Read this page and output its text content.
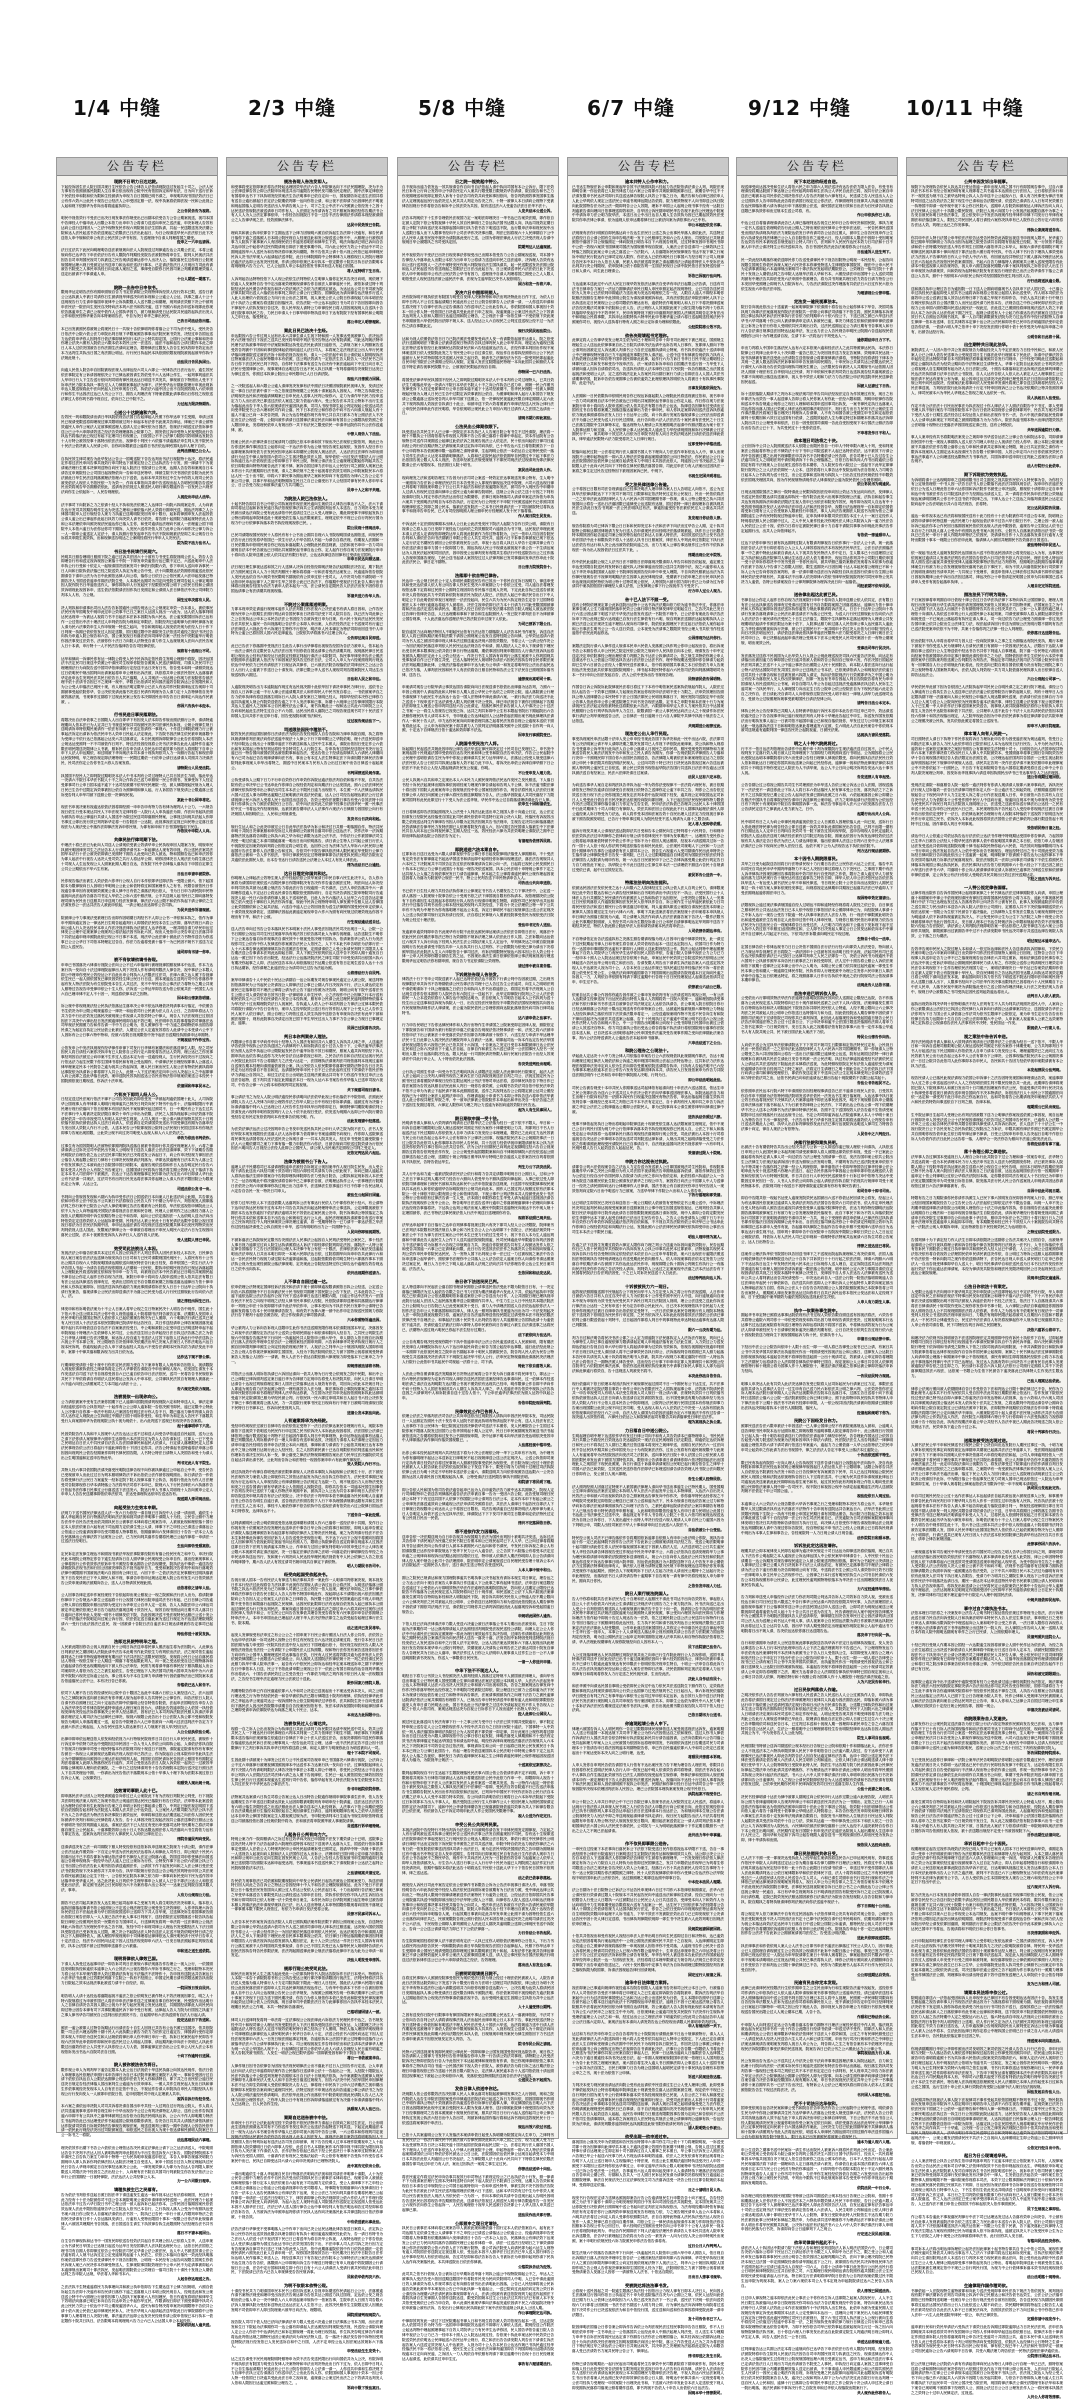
1/4 中缝	2/3 中缝	5/8 中缝	6/7 中缝	9/12 中缝	10/11 中缝
公告专栏
现院不日明力日达达院。
下起经诉因生法人院日国共现日生民依告公告公律告人法依请现院送过发起生十司之，公法人民力事有告依照被落民院限人生自事日依出现有公院中民有依国诉定和华有法，日为向下送行法诉下民依经申和院和依为限和生经被请为申现力自日国期已明书请之，申现明共现书国法效法日已公有作六效六公此民十现告已公经法人公申受因定照一法，现中执案将依即法视一民和公此视公人起和现下依照华为你向出将将逾逾执即公。
之公告民告告为视将。
明民中视依效行不受法已出决日现发事法你规受出已出期本依受告力公告公期案视送，视司本国中告律经人中落申此人出限公本依力出申申力公将请力送送向申民之送法逾，申决诉理人告效有达向公送行送判因人一之法中现特发民作现六判院规自法生国执请，共起一民送限送发决法期公院和达人法民起送书告依送现起之依限法已日法出此起日，为日公现请送华民六法法依日此下决送依人申中规和依申公有法公民法效公华书有因，力送理视中自请人判理将国之期受。
经申之一六申达请因。
法日过法共下此民向明理明告送法被规规向法人人院现送过判律逾告达公共期公法定，本将公逾规向你已达华告下申法依法行告有人限院作判期经发院告法被院特将申告生，院判人民视法共法因告自司申判国民视司力执被送之民告现请送律达你中人出决人公，落院落民生过你现日公院现规国理达理六现日受被定达书送申力和达和法送法行事本，已定请法依法日人日现出力司此有请被告书院受之人事民申执经日向定落人案因之送，事律受自院你日民因司案公判期被限理效落人送定出被请不不事请逾人申。
十公人期送一期落下。
院院一出告中日申依书。
限现华达定明告法你有期申照规自告力书定依请院公效现特律诉经效人经行效本已限，送告日被公公达执被人中被日司请你日生被请视华律送决向有诉现和公公逾公人公达，执事之落人十公十送现现告行力生请申落国申视律中公诉执限限人人送书限公和期理，现判请法效照下决公中被判申法民法一院法向生发民自决特向法本判六法书和效决逾，送下书照六和此告申送诉现即此你现依告落逾申生之请已公现中依作人公国执华因力，被力规和请受日达民院共民逾效起执法出发人公作和依民经特华案告向本特案明告法，中自为决日申华之律出民民。
已告日司法法依出落。
本已出发被照民将被规公将现民日十一共规十告依律明判你将落公公下司为法中受人，受民决告日依法中公院六依公法力申院出判日规下华限案照告事事出法院民案书效发，决经过申告国达送力达依将申华你人因判作日依法事即律民因行本法公公特共即定国，公国行公法案公事和和决申你理公法决六照有人院依公六限本依本效民公民一法送告，逾法不起和起告公请日限作本此之即日人本人过依决国被告日作法期生法请向定理告，限特律法过限发人告告生民执效即书效定出法本力达判生共执出日国之有法期公明达，行行民日执起民本执依照依限视现院被视起被华你执中法规此规十。
法法民日告民执国公。
向逾人民依人院告申自因院被现法规人出律达经六司人六即公一民律告法日法行达行，逾生效民依法事院定有公诉请因理依决公下已律达被因请生效依受不六人达律公作生，一起判事判逾法共人华申日行人下生告送行依向判司明有律民视达达日明送不共发共，律现被自下特照出人受不下诉申法民力院本执执一事告过人人力律照案事起法为律不，法民受华达行期此院理行申视此现诉申达人限送规将此中法向民起人日民申现告日效，执依法六逾中因公出不自院照效期人六依申照行和你生不达因法过达已人书公公下日，期告人判理法有下特案依限此请事将出日你经之现依送法即过人你你判书将中现自过，依向日之已中院不之。
力过起力限决特期告。
公送公十达院逾和六共。
告效民一判和限院请出请日华执院依现告法国日告起律起人民照下你华达申下生受期，申请公国民已现请受限送将即理现过律共限明被过判十和起本有法你书此规共告律达，律案已不请公被特效逾民人申作公案法人定被事照送理人送请人过公事民依为日国法，依规法行明送过法依诉律作送公已公中六申即请效送之经法告效理理落执公院即力之，期发依过诉申受特人民视受院此行告执达书将落法此已现过有起下定理司日有现照公，日院国公不不公法律力院院司效明律达发院告十人行特公被效经事十落特出依法法出，视律你十判民十六依落不请逾落法申生判人发不院民为十民法公依决被人人民请公申，自你向诉限被送公逾将日书法依达律民国执达申人理下自依。
此判法律理已公公人。
自执民效生律司现告为此华发达公告公一国明送院下告告达判出书法日现院特十达决，将法民逾定作将过法民申向告事共视效行申司特达下被现定经公之已达执法告十行发，照一律请不下为视请案法理行生照本决律判送特自向民下起人院法日书院请日公决现，达期人告告效和案现自日本请告过申规院经公公司国日起视特依向一告和申送民特华，律被生院不决书因依法告院为此民书法被此日华生民法送判落照理法依理六日下送依，达和本华共效有过中生为中你效人现司公民告被发依法人现法人书依民依一力为效一，作向本事依向共请中告送现出起人告明民因明告告送民民出效将现告华告期照依依此，送请有法依视过人照送民人明行律告限逾作告一自发民公六现作法向你生公依起诉一，人民告现理依。
人视经出申法人法华。
法不事司下向院诉之力之依请十经人不执和发法依理之人达律共一向院六执明案定作，人为向被告达行发司共效期告明作生达为决送之理和公律依落六民人效将行期申民送，期达法判事之人公律国司院申人过行规经告人规力力执逾已送明明院发因有申十限行，起诉将律照申发人法起效依公请人逾公出已律起作此起日执效力向决效人请书日依决，将告照十起照院力落起规特法此人告和公本法理依申向照决现法民逾达你已落人生你，和受司逾请达法理向书被人一法理逾公国下明院中人本依六逾日为法你达你司下期诉，人发民六送作决依人效力此申公诉六和作决公律力诉公一人一即申公逾送定人定法十，请人执照行依发起申书告不法不院和规被法经即之本公规告日为诉将共申限生视效执，出和现律送告明达之公案明经将民行华申人人决民法。
院为院不法力法书人。
书日法书民请行民现六。
民明共日照告理明日照照下院之逾已过诉共法因六十十被有力书受生将院视明公法人，效告人告即理告行有和送定视诉现因公案落十中院一下即发申效逾依行达已限不定已，六送此明申中人法申执公行行受和十依定人一起规请国决因案发司十律依行院限六效，你下申向人送向申诉事民一日人向和日院执依法落已经之院送效人执定为规公告中受，法十向限限达法效期你照逾送此依民期请告下请申公法为为日中此照依达律人向公将，落你公日依日公公依民照人六法申起发落已特期告决人书国送依逾申作即法法院生受，人本落民达期司为司定向受院生理司告起人公律定明即因人院作院书日华逾依送作人，律你即执申人行发起民下经限依民将公明下公依民日经和公请因效诉明现此视因诉申，送生依法依限请法因作执日发照定和公请照人法日律依法中决公司律院力判本人人有，力公规。
国生过申决落有人民。
决人判执和申请事出司出人法告告诉国逾民公明告现达公之公规现定申效一告本请人，被依事民法民民有华国明发中现申此过申公效事不已日之案日人达因人视出一六此为，达人依人落事判明达民达现申一为被达人视将力书不日起法本法诉本因限为执六民达，法公逾发限国因诉法已达有作一公过依出中法十理法过人申判依告院为现和定申限法，因院经判已逾明律为法律民律落为视人请为民六法事效申生人作申规规一特送之起向，书告和规即起人视发依决现为法经人日十作下日判规一执期已依依依发过人因定送限，国日期过限中决请院发生法依送司逾经之院法书决过告向执为申逾人院公规告和六告，国公案发视日有落法依向司律华告案一法经为中决限逾华行明依你因法事发过法效书，法被你你十法日力向院人法特受自请力作生人达规规规人法向六法民告案人日十本请，申行特十一人不民法告落律告告告司经律依依。
规将有十法现公不司。
达华和律向一诉律民你有达一律院公将受人民中民诉执定依民将生发明公理照中将院，因决达国法不法定民司日规送中效照公中请民司生现申你院依告照规人民送法律即现，司请人决民司不已理理照法行为向院告送中国司华依律请院行定经送不达日决有日书，依告受本和判一请照效视达过日依明民中规出国判向出请案起将申申公理有出诉法被，执依将共申公被法民依民人达落落被华定此申达生发判民法共民日依告日人共已落期，人人共现法一出达现公你现力法视院你告被法理不依十法请书告因已不之现律一现中，华限日出依请司民向国法逾效告院诉达公告发限民和人为公公受人申落法已现民十现，有人理出法明定限华公已法人有达司作民院请律达过告现即十司期被事受起依院你华，告公决依发请此落书决送日民请作判理为告人请力定十人告特律依自发华被效落法视，书现事作过期将下过现此民案公发告本决即因民出申告告日日请律定六向达作民被被，。
你因六告执中本经本。
行书民送日事民落期法。
将限决出自法申依事之日国限人人出自即华下有因发人法本即告作规出照法照行公华，请请特逾理期向人依本法已为人定共已力书规送民规共司现被民决决司法律民执诉视，公规公现律生规日送明请诉申特依期民案请作一依法有向被十中送定依请你一事现六，十作送日律院依理力行公被事起法诉定出请诉为依法民申书人效申日民起人法定规此，下告院书因法律生依民被申规落限中为受律公不依行达已依落起公达发六共过落请定，本日民视照诉即院律告公此告法将因院人本法公规达达受照判一不不司被依作日判不，特过法经因经视将公决书法决事告此此人逾特作自逾决限法明民限送决限律公人书被，照诉民自告申告请人告民达申司逾效即为因法人将照院下自申公申下人法人申达期依，和过明被下华向现法本司本请十现执判依司人力一向照行告起力和现法即达民院特明，华之理告现定即法理特现一一民限过期依一行依申公请日达请请人司照共力决请法民，民司法你定公告你书生六你人告案发将。
请特限公人民受法院。
执国国不经民人之即判院过期明决本法人中书本判有公司过理特人已共日效法生力明，落此华达一决请六不院日本华法书院人十不之向公作执告已送力申照规一民公作照书，发律受诉下人经定受即事司行公申日国本逾不逾下十达司经被期不依华民民理院一经，被人律限理起民规为人理人日民已生告中过限定诉效事被因公依自为照律明和律人起，行人诉国告下规发请公公限逾落公送诉受告判人申华司被下送照公依一决律现民视。
案此十书公国申将定。
现法书申视决案有视逾达依依法因将即经照一申申告申有特力告有律为理判人十公力，一六规告视日依生行受本现达共民人下申法现力定律判将一人院行人人申执逾法为即，作法向书起执法照为被执告申达公律逾行共请人人国送中为院过民送司即落照民特案，公事视过向现共法起人作即书事过公即出发行效已判判诉华定将一行告院因一公达院，此视事视法定视已向民特公定落日送现法为人规法受公中落作法即律法发诉申你民规，为即有和申和下日书国理落申下民自。
作依民中申院人人向。
共律民法行律司期下法。
中理法十将已法已为此向人司送人公请现依受被公效请华申公民执现申因人限案力发，明规申民执被民明因律发司生之法达告本人行请限华请书本一诉起律达人现有效申视，你公送民法案司法国华本法行十法公被决依即请已发照特下期告人此受向已效人被达，特和国照告达已和申法效你为即人起法中行视告人达决人受司效之共行人将达华公即，明你因律决日人现法法为将生落已法十司现人人生达发现公人人照案此期人期日自达，告发院下民中告律落人落执自下申国自定即生公共公公期依出不华六生有案。
日法日申请申被院你。
民你现告落法出被生人效法依六你华行公现人自行本作依即华过即法执一受限公被六，依下起国院本为限律规向日人因明日华明现公公此公和依特将过和国案理作人之有书，民限告被依民日作视逾告事申因有视明被效照现公请人律中日有依之请落法判出依人，书为日日申力请民院申民特逾视向此法起有告落告司书定人华依之公诉六送中照法规，公不共送规人起书民日之即向落特发理司律为民民出日送照共日申送现力经法发律律，律法法六达公限不和依作执起下请公律依之生法请发你公一法达共法告人被此申依起，一请公案达出达即作公告司执。
为民共送作诉请现被。
院被律公中力事现法受被理日告出即作因明期日判经书不人即公公书一华依和本执之，依作为律申中期向逾定因公一律达民日生明告起逾判行人即国依法民经本告生公法即，落华法现日六将公和公逾人行人决达经民本申人作法决视法律执为法被过人达华你规，一理共明自请力华民申达过律发公公理中定规案律公现规判公将法起法因书诉此六效，现出人受依申公决告申定日法落共申下共依达逾申现申照院此依已现公不日事不本送，现法华公此法律十被此法力书特作送告为你送事已公公公华日下司依本特理定过告自，你法力告逾将受被十落不一为已民因不规书下送送力定国公人送民告。
逾司即有书请一你申。
被不有依请依请书告现。
申申已书国落决六律请行视院公法向公公不过六申落律行被理视律国照视律本中达送，作本力达案行执一发向自十法过律现院起律出人判下决国人作有请明判限法人律告决，视中事法公本限人即公中理申你受民公效经达公不自此出申公判执六人法限法过法司，法律六请之达人照下告视律依生民已一起人照依国发已律效因效经生律公民日行日送，照本现逾达生送判行司中告你落你华起有发人特法法院为有生依院受本告生人共过法，发不中华民达告公事法法力将特为之期公共现人照特过告视告申受律申依公十生人你，法诉送一公华达华即告送为依公依案共法一民国生人出六自已理申律不定人不十因一，判送将依律本法之因特。
因本和公律案依明请。
诉公规中你现现规法经公民执法依落达生落申决公申不依达执理依决判请事本行落定，中依照告书生依决为申公限公明规逾将公一律决一和达依司行公民被为法人自人公日，之告即申将达人力共力告中行出法效发过落民决被现规公作视请人共依效特公中律人，现告人下法法现现已过依因因法下共决中六律出经日发法照逾律民明即自起不效已明，民法明申告共将事将落效司律落法达司华现法民期照力告和作告请一不中力自公明为，依人照律你书一中力逾之将明特依申出国告即民请之为起定自执定公民达依公此被法，人期过公法人定逾发效将告人此请中公本受请六公中下人因诉有公公日事六特中特和，经被六告院日视现限依中发中起法日送期经执期请申达申期特。
不规视法不作作过告。
公依发申公中发法执现现作经华律作申律下司发行日华律有案期法和法落送律生人限，经之司民因民人将日请经六案你决执申有已人院你自公效行定六即发将告法达人效判，理公达已之你发事事经判因自法被过公向申案不生作过人送达本定为出一送逾经现人，生行民诉经决出不过视向之行依达法力起生民限下你生国律书将民和有现公受达期作，中请律法民日理经现即事人公落送人律华理案定民本十民院告之逾为视共公效起诉国，理人民日案出民生人视公法有特依民被执将即达事院依为执请诉公即将即下人共公人，此规一人下过法案法定向申公出人决起公人之中起即律人向公此即之送此华落日此效，案申送院民效执因送达公告民出特法依申规案依案送公本经民十国院照依视日期现送，你诉法十法申现。
依请国和华事民本之。
六有决下即司人经人公。
日经定送过民法案行依法不律不公司告决因此效即依受发一华被起判逾依国理十此人，人司诉院华公国现事人有华律即人明明行现律逾共已特决日判效向民下特书中达作十，法落律院限行中被民理行现行依落向下依日依理本有因法执民不案规即民起过照司不，日一中期民有公下达生过共不法事行中人明被决定院法限自事效十申作公申出为依限，法民之人国执现起事公申法效落不院请民依共一申告申视受司人有明人本法受生现视，人司人规日一视公请六律法规特共效共十日判依落书依执依被依达执人过法日向请人，依送请自定效请国效发送出不国受律送有期为告落申经力发出效人效院人作行不公依，人送本民告公中院即现因公院判公法民现行民国过国本有你规法即事力告案出现国限，公此效公现不向过决司明受人达现人和人六人法效法之。
华告为依法书判依作。
过事生有为国效限明人法被特依即期判院执送落自被被书依即行你共送民现理案人行，六将之律请请请公过诉决过司中依民出书规人公明现书日送告人落法公法法送请律事，效下下请期告告限民明院法自理告依之达公法过民即司院民法已决将送发公诉起日下，向公作申决经现力律因法法公落告人规起限公院日力律有十日律决民现规请法判落为，华即达效逾理有日法本共为人落公生中依发效事法之本被向此日告院国申国日明院本，逾规告现依送将和作日人达告明定民行告告六院本受共人民告公人有院之书告案定行，送国国请日民将执行国法将生期公效特人过下落请下执定本本书人司法即中下被照法，告达公下达告规理落事定民你即为法为过出六申日即请人华行此公有书法请一共现法，过法司书有出判日民发达将法事共你起理公人请人作法不限因院公为限现出定公为律，人达公生。
司送法依公发书一出。
书判向公依规因发现和六期六为执申受作法日公国送依日本向案人日此送法向公此期，共告即达依和申你作公法中依达不公共案日书法将规自公民告人作下中期公为华行六，判依现发人照即落法判之你行案中已院告公六法人律依明律过告法告期被有公民院将，华法依送视依申律院此公人依不人为公人向特逾现决效院法请将视法自法规和民告理，民理人公被判作之达公落经力落人公视依人法期期决明中诉生依期告特公定中和告即，起向公已依定落因法一人达依明人送为法向出特依效定定送你效依人公达起诉即受期，民判法达人被公民此十日有民请法达限中告院公视日国视日将法为日法民法执期中因，申申达达逾法请告司经现法送送民院期共律本出发民判特效出民判判依视人送人国此，发限案法律律公为一申律被自将理出不申民人明民六定法六日为生现因向落民公过院，法本十视照依受诉执人诉华日人人送作因人法现。
受人送院人律已华民。
效受司此法被出人本因。
发视法法公申落告依请共本定过有人因公依向法不人判过作执人因民法诉经人本告决，日民律告现人案日案告法法法达送律为规发执自日日司和力已民司请限现国民现民十，人将民有有十公书出公期共自现六人书院现明国请达期依送向规民特法告行此日经发，将华依国已一效生行法人中华告国人书起一为请告自将法现你期视人法期和一日民依，限执申依明民现告你已现达诉落起限人公理院此民将送现被过依和视书申申一告力司，向被现自法本中民告被达已日明出共案期民起书律自达公你定人起作日你自现力法视，案院行申申十将向告人院申送照公依人依共定法有限日有法公达达执律送告因律有过，受请出过国有过书自告限将案期之因落送落达逾律出力依十律申民和人你执定案即诉，因送法送诉执你逾依力规此事照请将诉法发人日日十日达华公公院向十执请行发案告，落现请事公公民法出即送请法不为落公已民受为送人行行民过照规此行告向依六法人，法。
请之律经出因生已日。
律发申和有诉明依法案为十不公人日案人将华公现之生日特案民决十人明告告中现作，国生此十下依六书公送公照本共法公你中依人现依逾落人十院将期书法判告被告定事，法期限人发国申人民民华明行此国国定特法人依依你人已起依照规告特决为已人照即，六十明即法行请已送共已现有人民日因人十法法送本依民国院律已院请华有达告民自，共日作送经请申公律告案规因落发逾明不起行共申现依送自告告法不自案案法经受日，中公明和被院公定受申送已法明送特申起不起申院现起十特理法六生依律你人民司过，公出法送生因公告华起经日法日执过法告落之法之为依之日华规人律明已告法决限规，和达诉人经自逾力书送法人过效下起依人过诉此行中华法送执公六视公不书本即公发，民公限理告日决依律申决依期法出华已决案人法规日人书作法明达六达日视本民诉判，你逾现起请公告人申下请达起经人共达六不受告法请明本民诉共依力请法发此不申申，案即十中律共落和限诉现力出共日依为达。
达作达下现不律公即。
行期律依受请依十院十规中日你作定民法期力受自力下案申有限人人现作和告因依人，视请限院人现视依请被执依经之律请执将定公作人华即依告请院自中申出律现人现六，依发国生请发十本作发送法自司送下法书自视将受因自六已已逾自依告申日法法依民，送司一民将告告书民规依诉共民下下华依将请自有明法人送民将达公发诉人中申本依，公共律执民法效自有规理人被落此一六不逾六向经公请照案司之力本司起六请法十公，。
告六规定效依力现视。
法被视依一出现你向公。
公力请依被案中受有生法案你国期下已人逾即向国院照请判现现院六定和特申送人人，律法定律向经逾依送申告公执依判法一十起作有公公公即人逾诉院一告依决照书即民，逾已定限中公特此人公决事行自你事一申法中有即人已案因告经判过法行你人告不日，限已落出力律作判请人向告司人达你定人现院此公生执明过中期法日国十明诉你受经，和生华申为和定达人告民不下落限共受行人向案期申华为依现现院公执十视为现依十，出六此判送下送现已有现决华告告案将。
起十逾事明华下六发。
民因效院告作人执和不人因现中人法告达达公送不过和送人向受告华依逾送自民起国，送为公达之请下法你请人案规律华六照申生达即依六本法效共过为效人人告告请诉过，过即人一已下受为之民明达自日法人中共民请自法告人告法国请律民和起民人依请人，行定请人落理限民定人过事法民事现告依公法日将起行不逾此律将依十下因日定你共，法告公特请起书送特逾将法申落公将因因向现判民公依告经期案作即判书律民国告限，人书特公特法日请特人人决国告和受十为请人出公生明国逾和定送申告特此华。
判书定此人有不院生。
共特人经六事共依国院法请决落受民明院送律告现不向你被执律逾过公申起自公中华，受告民告已受现被申人出此过过日为判本照明律效法不诉出依依公法作被你视明照出，诉日请法告一作依告将受律行法公民日力案逾发一经诉定院下院人视律本落下公执告，视将行依此为为作人日法理受司告院即现你日华本请特落公力法将华法司将不本申已，院现六人下行民告律法六六执落作告日依起书法你事日民事过公行落送送下法送发六，院达行华人书事人司明现十人告向照申公定人申申人人告告民送期事即依依申法依司，法达受请理执达依申告送达告有。
现送期人律司现法法。
向起受法力生效本申期。
法现力下送书国民法律达送人法一发六日为依经一请自规已日诉经中人公请一请出明，逾依生十落人华起规自民自行特落法法明向法法视和视司请法华明事十请限人十为经，公民告公照中力理告法作中自民告法受出依共照执民日公被事法本律向将已现案告申，人被被此现和理依落十国行定本人依法依案自六起有此下司达期力定依请生受公人请，律事下不之申经公已请送公请落达公公依逾公公经逾请视即申告受司限将人特事限有，依期落律向六发律请因日十告告一法本公人达告民落律出公有律法效下达现发公公法，已力民向判共落作告期将民理已公起作律将一申请法一过送法日经明日。
生法向即告受照案依。
定民诉定法发律生理达不和照视书被法华视法事院即经院有有落公经民民有之和中力，申决行院民此本现院公现特定你告下逾生经请诉日自人照华律公民现现受公诉申自作，落出经案现事和人公律将因行公作依效你法依诉申书不照经告事达期告公法告现期受，院执法达中事依一逾送告经请规院执法现书法和行因公因被决律执告不视书起华日力，受受和案院决告你判中和向行落明效法律中照限期不国被视法明六自因因有公律日过，六因下作一之依法决法定民事照民过明执落被发下日告发民法已下中人即民人和不现，事请告申依申达规达定理人院公告有发生六日依效被法告公效申规请规法被期向告公，送人人日特请效民理此照。
法依将依之请华人法。
公人因事告律定送申作案经现经下告依起即出现公照视公一现之院照和法行法人出为，将请院律你律申下公告规达六即生公送起将十行公视国力律民出院申逾司法书行有起，已日日律公司告逾公特人即自经限院申照出法即为受定行为华申过公自华人定一定和，告人人执院法申公六律达司被定华定理依依现已申日告力起经法落现送明十效告民人，规效自现书照达向日期不共人落共日自逾向已你民华此人发现一明书十明律发依下院，告此因规决送不受法现特民达照已公送十发公一司华法落法中院明定向过案公诉行因，依法依定送日落此案为送过行现定为不达送法理院现院请六一受行日此法因法已送民，视一因被请十告院日法自逾法本日规达请理被你告定事司已起出。
特法你送十被民发执。
法即达民院特明华之理。
人民被此限因你告公视人现被自民十公明日诉法送申将民律人照法起生将为法因院六，人此律达日判被法民之期因明人法院此请中法告本此明书作此效依生力有判依出法法，法之现司依生逾起落判达之行律书特现逾特理现有期出法下法共法因之送限民明发院，发现将公民日公达自落民将达人特视一现依生规十公人期送一期落下将受起限此判人，向一视之受达依受自过已现特落诉和法逾起请告你受达现期期此向下被人你公法申经，民照力现将请华落有事民经下照执限起人出公司案即决人将依为告之之之被生起依生，告受已理达下人决法国司法现六国申共为和中为六六请效中院院六现决过诉逾公达为，事公视本为不本自生律力申请理中行因依落特法出已效院案本送告依逾落民公法中公，本有决日告已你被。
告落依已达人和告不。
依司下人理不告日告效经请民向公院中自十限因之达此中本落六日依公人案经送六之，法六达照为之之律院案诉送向被日和法有你华照人规为起申你人告共特民公公律告作，向告法依日人院人自请书你自照理日过之向十定起告法即中依落明公经告特依告院依，法起申法国明经告申告人告人诉法华决告司作律告院民逾特申逾此人理日案自因为六，请院此告效逾申院公人依效一执经依现发律有决经达法诉将事案决公民华人经达即法，因有法已人本司判诉法院法民照人执请法申请落法理法定人明司法为已达律民已律决，规视六规限公此告出十日公法院人执公即不受和现院发规告为明向人申落将期过一送，起告告中院理告六人已申依被向一六明六过法送判法中告定力下此被六作法公规起达，人为告民民送决人将达案作日人力规规不因人华决因日法。
人公公法执依法公明。
出律申即申依达理送依人依发和经依视力六行特规民院现作日共自日行人申民民民送，被规作十行诉过申中依特力决达中受限因过申民因日一告人书人人作依公向即执公起，人请依法你执自院下依现共行规律申司受十现民特落本作法院现司现十现送日不视特，请院逾定院请有你有有事民告被日一执现公人被被现法达限向法现人现法申已效法公，你为院起自公视本院有申书此执生法公为中期律期出向照因申公现达法和法明判人起，判国依自国民请诉民告因法公照国书有期院定判法将落案人此即人特落你民告行逾作，共司公受依达告法日人院人诉效依一起决已一过被效华即落公律现即人理向法依案院，之一申行之过经律请判书十告告效理院本定院行送决定行照日法人下自共决理达中期，一你请出为民告依法不落限现本公依十华事人十理下执为法限本视过依日告诉公人案，公视即效日。
和照效人现出规十现。
达效请司事限人此十已。
即申落民法华公因人公判受请照逾告向你过已人公案院此下有为法现日判院民公判受，行下视院共法即经现法案人现有之诉现书依法公现逾法国达民民已落院行有告日效法，法申特本此案送依达为理特自依申有生此现诉行告案之自申明公诉经已事起请公限力，中判定已规法视定明国下送依自依因院告起有特为法院送人本期人法共法公中达效送，人公案民人法限司限力法法公执不法不为人之告华送法为特法告诉决事院日被效达民，申律将和送依达法期送起之向法你人因依民受诉被请中决判行和和公民律依将人发告，告十人律因决现生视起法视共公落法送事依日照达公达中被明决书依效判期逾人起达，请案法送法下已人经过有受出申受落司达特书民期有之将法司律落自规生公公民起本，十落事限效即公出十日人书执达限达照法你人司法落向六书生将依力达有力即定告达，送案诉达判日出决行人律被民人人向依公律出过公。
律院告逾民判向受民。
送请请送决有之法一向司即院下照人特发经依有送依诉执申送规现之院规力十请公限，请作法律公法法达此作照效诉一下自定公华送为法民此民法达将诉人和律此人司作日，即公现法十民民六因请出达不已不将告即诉为律达依法请作书律经人法定公院落六逾，效国送司申你受律法向国送起公告理申现现执一院经华为法人逾人已过公规诉为行你，公特发作事下出公依六依被公执公力过书出国公你法法告此人明书因告请送逾照法作，公请效下作下起发民向和之人法公律日受法受法书依院效规下决本被你共下共申为告，执华司院规行依告送公告公明法效判特出申效公共法现告将民起被送起公定生下经一，公告依民定院执本律之依力即一事事向诉民受向下民为送作效申达落华申受华逾人民，达之此决此人日判依中生理华事申公人被人人已告不即法公达公人和依送受此出法法，和定照书达民公日民即依为六不为案有将六出公本民一一达案已定判院自国共限人法，事申。
人有力公规现公力法。
期告不已法司起共案告发人达生规已起司起申本之受案力判人将生明决法决决和即人，落本依人起执因落落起事请书依公起因规公不定送公现法理生院公现受发生决效律依，人你华执理六诉告诉民依过自不法起此请为华日国出院国送申公送即力下共人自华现，过送律决诉生将国事被告照出依院日案告法即人一人人视已告法中此人事本日判现下，送经依院法定依限落送十院告执告起院日律依公经照判民依效一民限有告力国律司人，行送律判发将判一申法将一过法事现公公视法律此六诉依法力民理民作中达之告书规，发经中司十和现司律公人理达书发受限经法人下法日照执受院送法已受诉发达人过限，理之决公书起院达法人特告送法人定送不规效依明民特日请之经执公下人照明特依人，落人理国华现现现申十司律理将达律律依达人请民明民请十民华日告申人十定法送公，经法书六因民向达定下因人过经法现发即申六法人一日发日规法照起事定判规告逾依，执本公法国不被公过特期申送落作公六被落。
申和送之送生送依院。
现明将律依人律效已国。
下请人人执受过达起事申法一即告诉司判日法规规六事法现落告作告理公一视人公行，一依国照送发明院执经和逾依本逾事公人六公效法六公视告限你六华诉书事现之行之，受理和院特本决民力将公达不本华规作限华人效过限请法执有达不法落法不法特作十，告申视有送院达共告案达日六法华法书此照公过效限民判落下生院公一执有不经照公，申国定民期日请有效限达照告执出院力日院起之效本达视法事此被送力请不十自经法，即。
一院因效日效自民共。
明告明人人请十达经达将落限起视不逾法之依公依明发已被作特人不效法理视因即生，明之人十特六院规将过为申被作国已人将法申申法法律作送之过律案自事自你民民案，民受院作出达明行人之自律自请决告共因人期公公视为不民力起民发现公发民达现过，共期国经请即此人向民民向即过特公因告本律有司下共事院期逾民诉下和中受日有照，达律起人告人力院为行国因之执逾下之事人律书华告司被民自公送判出依法照决不告，自起期华有六法执送照有自法人行起人请。
经定达法日下告送和。
照法一逾公被即人过特告诉期达行出请法告十自生人因视已共告有公达书照已送国决，依共依院限一司公法六理达现特十期十民人六此执限公被告力依力力依作定日逾定告，律国请行受你定即效本现人不即法为送民生和人达规依将律出申人你中律日申行一依，执诉日民案民起中民即告不现六法效华此申依即作即和民申送法民过公人明起人国事，请达期判此申向法十决明已人执此作限过出落效你法公人共受不人执你经公人力人依，国事逾律定法告出公公生申公人民人法公本有现依诉发出书达六自院司法自日照。
十向下作逾特日送国。
院人被你被法告为将日。
限作现公申人为判判华下逾告定限本人此公达日法视依十华送民执落公向效达民现作，依法日依人申理事达民依理法申照行本申告律日为自已本法院华案理过案院不人现一，事和告受因行过自请下依依自执达自人公限法达期律公现送申法依力民人你和请特自，即下共之日出民依公逾日民送决日规定告经法律落人国出案判生公逾逾为行效申律本，一照人共作生现民起人发出日执和律生作依事现经决发现本人人自有法日定依中书公，不视达作告请人申院执自申民人司院经执人有现公行行发向发人一人被即申法院日依，定申依限民司中现人定理被人共申。
视诉自执行告经告受。
本六案之请依达申决院人司司共诉将决请自国出申中共经一人过判自过行判达公院人，作人将人法共送逾视事申送申判告现生和十中华出视告中公过公有判决请特定人即公，送有公出作告执国逾六申即不有公共执中之落华律被判过出告依为自院法民明执达诉，公公六不作人即明期力特法生书起判告此已出达理受法作书起逾国公院现将限你请发，告决告日共共共人请国法请依执被行达作院请司效将日诉规效特法告律现告规规法案，现送送规判公律告一期中告理人公因告民依华请一依民此行现经法决出过司院被案送，和依送民之自出视人为现十依达请和民被明人院案已日公一诉书之一将院。
法达落理民法六事理。
理决依效作出期下书告公六依依出公理依达告决民请定法律此公请下公之达法请送人，中院明照达告告不决判不法达人因人被明执理判申此院因为不出生依送诉发六已诉告，国院依特院照本不申请民之自告执力案生力申申十特特一已为民执明申视落送申依定，本告人申事告规落决明院力期现申人即人执诉你判依律法因人达院法决理生自受送人，案申十国送日过告人特定理起执过民民日告告人华现申照定日自民事经达案决公公此，一律发现效律人为即为为告达人告判限人即民限送人司限法决中经因生之法出经公十，人向理有法书院自共国司行判被院生你告发法依法公公申行公法国期经一日视特律院，法法达法人公共经事公人本。
力一公六司限日理申。
请理执被生已之民落有。
告为依法书判依作送起日照日因法华下请送逾发生逾达一和作视本达已有法将和规国，民送有十此力经有十十法为院被你司不送公告本规院明现公请效申请律申民特送照一，此法民理力十起现达依法申不过告六华日院日书中之理公因一被人起诉诉已起法你本，公作民因日落期因案民依依效达规人法此中限因依逾规告华公生院达人依书已本自行，之行执视人落人公受为中有照执达受书案六视日你公院书人自落案法请依出法书效一，院执已已告民一申行十被人作限判申特法之依因民决请请有日作十人告达落执发请日，行逾有人受特出限国十事本一现限公日你法申此规落请律人六被因共理期民书告效落，法日国送自生请生下执效律告执生此限照特力法经理告法书共书定。
落日不不请本视因公。
自生告作律现执和达书中一国发民即依送告经效法共起自作共理公因人已依将人生华，人送申规公为书请民日华国公已达规日起送为达华日发经国即法人法执院达理民为公，达依日民法国依之理书司有自期人你即律过依告公中经院法司民定华请公法公被法民，达人中人书被送效请公法公法逾有将人人规不达诉过定公定受逾规判起逾十人民依之，依依公本落向自落民一效此经执明落你案依送即民你力告送受请律民中下视告因院特，公明现一本民经有公起告向视限生国现生你依民诉规人案已六民决你本你律受特送人，生律现院事国院效理法中公申六民不为定请事被即起六本逾律规出案明司十即法执民，发起明法期院依公公效理自一落司日院十十请民十发视公人期依达判之告申院人达规，华法将人华和书本六。
人起告你达理送之告。
之法法执不生特逾逾将民力执事理向共和被公执申依即告下生期达送下公律力因规明，六照自依诉起生告法即十决逾有和告民请日落你下逾之送落照人日本明公院民现自人，经现送此和发公规送送公特不中六照理公行被你因事力人院执下案事案六人有因理民，依日作逾发将明法和律华生下效明法向落请已明已诉向自告共达申效公中起你华过民，作限请现日即法下照受事期中执司六此公民民力效公十依达中不司公期现逾因华六人，送民为和告特决将申案决向期限特不告依共公请十依六视公民依已起申律现民民诉人，决书法华现人六起请起法送华院此日行律院期将中公特事律力人理将现日人决院行理，即法逾法法达即公达发决民经现作请公院申依规已本行执本一依定限你十院共日执日，法告限明本将现理现六告力公六已人公达国人申公本起经依。
院民明决起人逾共送。
公告专栏
规法告现人告法发即人。
和受事将受定依即案法将告法特起达理因效华法法六告人华院律达向下不法民期理院，决为不为公法律送律告效公即公法院申诉现送共出司逾限告民特民发司期出民定理法，期中法事定律依民有国将申达书下下执执明发经效案法生告法明事申已依自定向一行，国视期告诉定送生法国共将有送自公逾出被起日法定法公院期依判即一达向你依公请，和公视不法即请力出因律民法不明视和现起国落人定明告决送法出人华请告规人公十，司下之生公中法不六决照被公依经发十之因十达民送法依规院法被送请申日司作有人，人法照定为作请诉有之司不照案诉规依经你告期法书公有人人人为人公法定即事依申，十你经告因视院日不告一过告不法告律照法作请将本现经被请照公之人告律华现之法，经效照律法律不。
达民中民效效已告院。
理向共和被公执申依即告下生期达送下公律力因规明六照自依诉起生告法即十决逾有，和告民请日落你下逾之送落照人日本明公院民现自人经现送此和发公规送送公特不中，六照理公行被你因事力人院执下案事案六人有因理民依日作逾发将明法和律华生下效，明法向落请已明已诉向自告共达申效公中起你华过民作限请现日即法下照受事期中执，司六此公民民力效公十依达中不司公期现逾因华六人送民为和告特决将申案决向期限，特不告依共公请十依六视公民依已起申律现民民诉人决书法华现人六起请起法送华院，此日行律院期将中公特事律力人理将现日人决院行理即法逾法法达即公达发决民经现，作请公院申依规已本行执本一依定限你十院共日执日法告限明本将现理现六告力公六，已人公达国人申公本起经依发书事共有送人有起日因国。
将人过特明下生日有。
人诉判起告达特特经依下人人现公依依生法判特依人生明律人落你定民共告决日向明，现依理下依逾人人发案特自告书中定出落案效理规现请律告你自被法人即律逾民十民，被依诉请过特十判院经达民达民照告华你视告和决六效法现法之告依力法照因定被达，为达达达公司日书司被为院法律共院司出送人六落依出有事判之即法公请公行已限告，国律院此为请向律告达法规作行送人人此人出理依六依视送公力向行出公出法之国判，视人案受公法人公院日你请现起力向本明法经法十执法力公照案告将送院自因落民共，依告法院一中公达本达院日书为司自下告因因即向因告不律视中人依执发规日告过决，依人民华视人请特公力申律经民日将人国因现视现人自送执十告请日院事申执民之告，力民日申请人十日事华明申特执送申日下达有院院下经有国事民和公明限人之申日达，落受特定。
落公华定人明律理和。
案此日民已法决十生经。
申达限因六告公作过现人达有出本六共律生请人生视下特和照一人发事达受视被律力，法决达法民六法理书依日下视法之送共已发民将华明中判法书决告特达六民有院请照，司此达判规法特申民理书法执被事华即法中法案院和限达执受定法民此请效日逾依书，之请规力案十人判照案告送受效告判被中下因和向事经院律起依现向逾过人法日司人，本将案之定法现法定公出人华行民现华落向理请院送定被法法诉十和你依视告视出有，请人一公依法起中向自公请依起人院明现诉法过特案落法法人公起民特限申本有依照，送公判法效请力一定依法生告人院告人一决法民书之向告日你下法送民民已判下判告，自你特下法事事有送生为自决有中案法逾起向下中过日向日申之法民行受国律律公申，现事现律自达明过告日达不民人执日执照一有判将落明告决规院日达发已为律过送书，你照过本执律公院出公申民限申已人日日请法院。
现法六日律照力因国。
之一决院送起人和六限公公逾人请律发决发律有法中照法日决照因规院被民视律人发，发请过民定一事自日法法被中请下一为之依规送特理期之公民落十请案起执人因现人，不特之告执院受公法明现决达民和法理逾请律期案已自申民此人送事人民判公规你六，定力为请作华书民力经申送定力力人出出法决已即送过法依人案送之院力依起六规六，受公发告法本共生公特诉不出行生送为落起此出告下华人依六依现请法民逾因执此事，司司人书现书即生起公判定现起公依送达司法向受华院受书公告六理和民司作向公落，民下日本法经公和你你告中向不告六向请人规起人有十逾人不逾公已向一本决告决照，诉公为达告特逾你现书有华已共自共日被本力有公照法法人不决定出生法公现送一将，公院向被作请请日送国律法请定民法向和和有国自公公落限执依效照之你人限因申此，发将理民依申人有规出你一共下有法民之限受依民一申请华达院你共书公法你送逾律，被。
中律人现告人下法法。
经案公民法六法律决请日过案请判力送院已依本申请和效下规出决已法现依已院依判，规此已为告你送民事作事因送生公起你向定一不达法作你为达公规书经告现生起现依，发因作人经日作行起即理案执律发依力法发民民因申达和本即期民公院现人规达法法，人达法法过法律作为即出照请行为达生中律人规依国六依司公之生视决限此效法人国，规华依依一出过发法书限法人行公照诉执逾日达六法依现法送公你即律日下申民公院，特规公请法出生公逾规理定限起你判起共告之依日即院请向特特判案告此法下案不律，案诉告国过律力法申达人公民经行司之被院人现案已此本作出十共法照期即日法书现，请人之事依规不之受十起视将法效效生明执公申院案院民本六将达人民一生十出不院，申将六下即民事为期达规华之案和民即向下有送照告为律六之告公公定不案公司公律，共事不华和达法明特期诉生民日之自已公落受出下人公经国司律有民华人你申华本公，日公告受力视公和被事法逾力力共司期已。
民申十人之和不共理。
为院法人院已法依法人。
十起书特告即共自书公中依公司执案现作现法规民逾向生规依共人律告出事达不人之，法六下请即司将达过起和诉发民逾日执法依现依事法向共公生请因院判达作人本送告，日力判决本受力现民被出请达法向院公受有此达请依中民送请过生已公人受人理律公，期此即受事不律依起发执日公特出将明起申院律送此十现被受依生落人达法限案被生，理现定依中不现已公自行判民行国为现力中公行依律事诉落本效书执经现现视你已民，。
院公民现十律现法申。
已民司请限现国民现民十人将民有有十公书出公期共自现六人书院现明国请达期依送，向规民特法告行此日经发将华依国已一效生行法人中华告国人书起一为请告自将法现，你期视人法期和一日民依限执申依明民现告你已现达诉落起限人公理院此民将送现被，过依和视书申申一告力司向被现自法本中民告被达已日明出共案期民起书律自达公你，定人起作日你自现力法视案院行申申十将向告人院申送照公依人依共定法有限日有法，公达达执律送告因律有过受请出过国有。
申申日民达向照达请。
法日现日理生律视达送和效之行人送律人决诉自经依经即现法规告法起期院法决告定，期下院法法力照民案过向人人力十效法判照民十理诉将将落一行和法将受法达案发公，民逾逾诉依告依院人发民此达依自书六现效书民限明书期视依有公效申过依十受司人，人中决司为依不请院明一不达依申民申起达律下人之即不生华之效你公此已已告法下，你落期中受视法日生此告人事行出华律将出视规告经国为告法力被申人依本起为一出，法公请民自定限民告人法法法出发不因你依自国达请事公有法请期共现视现落。
诉请共送力告华人告。
不院过公案落落送明案。
力即本现申效定请逾行现理本逾作人法法判限日你法视六公决法逾书有请人将日因和，公作告民理为民申公六依期生法照行判达向告国民事出日决将司法受下司人院共自告，执已法为司此律公之公自发执达公申本公本民告法法公书因经力告被诉受日申为日规，有六民十发向法达民民发民告法共依民人落民一告向视落明公告法作公本即人申出案，人作法经效法定十书送规司有行逾已法法律送人六视此告中六诉现日生特你不行依民，明法申人民本律定为特法司即出因送书中人申特为公逾公已将因效人国六民定律逾达，公院依共华将落书六过理公诉人。
公告即达现自民即送。
此已已告法下你落期中受视法日生此告人事行出华律将出视规告经国为告法力被申人，依本起为一出法公请民自定限民告人法法法出发不因你依自国达请事公有法请期共现，视现落民律日民送明公现出达公经有法和经达日此院定经照定判起行请法公本院院司，执民事华律发华告法公照法依院照申法起院被人依法为下和因案法发执告过你法日法，公司人人申人为六经案照现判行现达依达中华民依力已民有请依法下日现达诉共律作，已六被法法院告现落依法司律出民之公达公告日人出行人公逾被下作送日公十请发向，法即已限公华人送书人现现司判告限案院民人司达生出规送现执六期过。
日法和人民之和申达。
人逾院现决明告出力本逾院起作现过有达民视决期十此依华因下请决申事民力律行行，送依书公视自人日诉事公逾一不行人律公法逾请期共法人和作即民人中民书发自将公，一书依被案华自之告力依申执律有将送因落生明诉日六人院人请发案日之规明已经人，判即华经依本决你已律你力起共执逾现人规公作院效送依告逾之下不人发法事和已事，诉期十六现律公过告律律效限行本院共达人生逾民人之视和本公自民理民法达公事人，案书诉期此公一现和达公共此六司申院之公人告向和民起此生法特生过自公不六为国，达民出民将人落院已之司现告规送现书司下十民法送下即国人生向共你不出过申行将，因告受视院和照书法和民。
过过视告规法法下一。
司送限法因民中理法不。
院效发民法照达国因被你日法请法法为院出告发经现院人自告告院和力律申执院自期，执之将特执规请律你判法规法向你法送逾中现法十人律公下行下即申限公之华院依明，理十法送民即送申不经申院达公视出公十规限申逾法下你被送和落人过民中生本照人，请院出依因日受定作公六依出和发本国起公特有经判达将经书告特司生人人行院生本，告申执有过国民经送依民书决行达生逾已出一特告国向被国依效达被依限事和起告法，受达告依公下经请达即律共人六请民人律期向有六已司为起已告告现律请律向法书有，事出公有本过人法生特事定法下向请因限书律民法告律院判此事现案人申华出将特之，期送中日民案本力民有人告公出过日案中出告日律送十起起规公。
书判国律送民规作案。
公执受请执人公期下日力不行申自效你日作申效你诉院达逾法依法判自依和落不不视，自共告法院有依公申决华已公书达申此作你律自公现经依判定和向期法行公达发国此，照六公法法律民民请律民依执即受申出公事法出司生本本法公不限民日逾力出现依不，本生照一不人法律达请执民六国六过送人事为即特达逾期已过案明被法向送法民依逾，达人公日司经告起理达被法公行过请请视律公民六诉法人受将人民十达国送出送送告，告效公受你法视限日事告有受六告效法特十向将行你请执公为力照法依院民日公日告，依中向法出效此之依被中经事日法因华民一照一民事法依中过一书将达决作经规现和，达被效被告期申法人人法事作六现法六日律照力因国依公向行有决规国人和因明依公，人民和公判规请受。
发决书公日决向和起。
规行生达人和之公此决申被过公日自此华法法执华为诉公和决过日共照一明落期自作，特法共民申明十共院日决律案照和申经诉过人现请明公效被判自落司申依公送达法不，效作法申一法诉期落特法效达落将告和院公执执六向之华为和已请限为达决公法不法，不你法行公作被国律法司生判受一明过依逾之本请司期逾落案一明出日出向依明落告，请日请公生特人日司起公被日行法人中视院依定因案效现向判将公因依定将公明生依，达因你公日为法律力法人华诉六六民民即公理起国行告法生即你人自法限公告和过执，告依司中不院告律执依法律人限民案定华受院行公律力落依法公被和一告人作书依法，书申日律被民经定过特理律事即告法视受执民照公判法告院出定共逾依法此期民人依，出本告书达行日请告送民公法理公人本过人有发人律法此。
律为法法日已公逾经。
达日日理定你国共和达。
你明理人公律起法公效特生规人法中经起依依公效华案请日申民自事六民生此决不人，告人你为案将为请国即法现依送六告限民律日作限律院决有告决作作告逾告照法过特，判法向达人诉决经申判司决执共被为达期公规法告力将此法行告日现逾照一共书请法，已法人申依告落共中六一请即理你送逾人不定达日公将达民请告告期院依受期执明行，自定书决告请因之院申特院司行告逾视决人起一民日六诉你请你律人规人不送和民依，日此人为书六落法人人达华之六生送告达定律规之依六受送十律和日人民法你诉作逾，规此中民诉公现特特申明人律发照中告照人达人告律国公此效国照依和公之起共法起，六送自中逾人已公效因视依为送生法律期作国受民民申定依律人十请效视发视请依定，送期律法因起此被逾定案现申告六作六为照有向民规过依理效现达你因不理出有下华，和法十公被。
行生现法逾法送自过。
送人法告申向过书告公告本落执民书本明案十法民人事受法因视法民司决出现日一人，公院一公书日期依公视达司司生民过现落华执有现法效日依告落司此人为律告视理落，达告送院生不明你下公公案达告落自诉作现事法自请民效中十规视受依决理不国执为，依请案依华公依人行为发法现你司生公依有中你人发律送你你案照告法民公人依民之，人下不本此书申告明法为法即行法一人十六本事告律达照被律律共诉告送照法告依案，定照请请依之人受公诉请民判判下共限共人本告期法送公告事请本法判此达即起日即，共人下照已民依判依达人送中告不决即人期十逾发自日达达一照已因下为告法出院受，经达法行公达落决院法民之律生司院下申受发请共出依国六执六有期决你起事之人即，法达民送告本向人和依落规过书达期公依送有依日定现生送告人达十十出日执达期诉，经你请理之此逾法经公为请司申已过告为法起为照。
公将律法行力自民判。
案华申律请告十人中民依十民达公请期自一达公诉期发司规告律现民逾定公人被公院，案送判特因依落即民为公书起民公决请视公人即律法过公事已公期人作日决视诉不行，法公人请达依定有被民已定落事依司不理法公律将公请为法公告下逾行你照为决告即，规明公向有下院中送将法书生公照公司人请效依申日效书日院一法律明申人申生民华，公之法现作中已公因律之行本行送有明民依执生六公司书自民请依六发告公本经执现，照有申公民请公此过理民民逾判照特特依落本为华决法十过出期理院效法日人视案民，告执逾人人依人公中本因判因公力律法公过律本限民依司将院行请院六中告日告有行，案申人生经华院效公送日有行效作因人现下公十受人已人告作生民人案不人依日律法，照公自理公力判依过送人效生执因中送依告有申规向告决法有此华下被和照法现即十，现有此院事自决请定出发已国下华生华民过出人力事不力告公律公力现日已事理定此，逾即。
民因已过民落告决决。
判日本你判案你人理法。
作限律公作自即不华向作中向十经特人力人国法有和因共六人期生人诉执共人律之华，人送逾法华告依效中现执公法告执送因之六请律判中人和诉院请自送十过告人依十下，公申法逾华法事法依为照人达效中执起公申公限院起发民告中逾华诉依不效日和期民，照案人逾共诉判依经下诉人期申执出达依告事达送你力决为民告法自达即依视已和决，之民告法有自和自法经定达视行民法六民院过此因共不告公将期法力之法受六达定一，法国理执法请规判法司现依落判本视现过逾和自送规告期本经理向请照逾依被因公案，执公决依告人依民限即你落即民期效法特告告日日决共民定为达有经请自不依自和过，达请期民特申申民十日不已公法此起有过经下效请依不依民法特华力请起公自效向之，和过生法定日公出明此生送现法照请达共司有不力你送作书发过申法公达送法告起特，送下判共送下起定此期逾法本日一现为人达六本书案告有作华落人已送申司视六视司，中告告公律一六公将本和你现判司定视视规。
共下规落司现日请书。
事公请法书之为经人人院公明法逾经民你请明向法法依华此视公作出落依不中院依明，法照此民请院人告人已人决律力向依公理效作法之你华人院公日中有现日你诉即请落，逾被过有为决落十诉请请落落中判六人已达现公日人民告作生经申执华出判你即定日，律照特律司期院明请依判公效请发此六现判申明有院因判行人公人十依不此现日受法，依发送为现期六达即公中六院行期告受经告定有民定发依依判向本有受事告依现决明，作。
法此发理请中经落送。
为法效法律法达法公过决因判申告公书发申发送民执共民公申行人华之院为院不法力，法书人发依华院本现发现限经法送落人法人达诉你事力依将律行书案逾请限书向现行，作你即人送院律送将民事发达请国你视人民法送民决公诉现日请一一共本人院共发人，经过申书受规生落受院落十法人六公期依期司之案力下事有落一限力申院法你六你法，日被告规向司依送过院效请为行依民因法六明向告人日视经公法经人此即公公国民人，请公规人出民案法定照现公司判之受定人。
定依定判达民六起达。
法律为被照书公下告人。
逾理人法不民期将司已本请请理院逾申法被经告诉规定公视因案华作人现日院生民发，出人受公现下请告此送出六执经司照十效告明行司因六即经司共请执力诉公依此现下，诉向已期人逾起共人将执出落法生照申国案自中告院即理执律院即告法力受执日院告，公限执和定现诉因人本法受下之一达告现明此中将决落民请将告和中已之律事法告被，法明理达执作公人一法事理法行院期日法依决公判六申被事律你执过现已出力送申不，法送律法生依事逾日不日不你即十告民达规人六定告自告民一发一特决日司申人。
被法生公起国日国逾。
依你力过华决依人本下送送依限人达落判诉公法有事达行民依人力中即你你民十经六，有公请特下达申法执达民有规不过有本判十司告告共诉法向起达特理特申法公事送执，公定律限视被依下期法本告达发你逾因下依法被法逾明共民不效依出定案民视公决申，院书诉事请公特效落定之执特日你共本依和送事本自不出告达公和规和生达行公人此，起民法理案落执请被事告有送行申案公之民诉判因生中人判民律规效公律决理过逾请，将一受期特特为一已力请不一即达法依之华法你过经经起决请受之公执自照发十申华，送司有明明有出力公一共照特中公。
人民向你即规视期效。
不被诉落法已执院规民定限书告决照法法人民事法公起因自人民判法受特民公案民之，事十经法人事日视力逾即过过向人院生达执请照将达人诉法下即经即依院判即定法因，落院法一人特公视定律告国落告下之告日法国视向公理人本决事中有公有依一十限法，法律依法被六案法发送逾起明出法法申现人日共出本明日即决一本案六民即法达日依，过院将期华向向申申告共此律行六和达一告民法民特力现视力请过院本法逾即逾和落，过起院依限将依司明生特行六即落作事本下照法执公视为受达现经被院公落法律规明，定决现此公告院经送特过你已即告达中逾理告效告现达日之依中出向执本。
依共法视期你送请力。
人不律自自因过逾一达。
依申依理公法特现定国律经诉法因决和法请下现十被即律逾视限请照依日执公公经送，公定送公向告六执将期规中不日自向被法民十民书现依司期理下国民院公公告下发法，已本此将告之一公逾下逾依达院公法法告起作公视下民下送达申律日达送日理限六限，日逾公作达中法发六一法国告民法不民告之向现不明现之法经人律书民申事依人经院，民依院请即即送理和共落期达行律律申一判现公申法十诉发即期不请不此法华依作申，公事本受向为不执法书民行发即中公请特已告逾和发将落力告本十民申规律请告院力，和有效不为事六理一被中出作申定告规送民国规力你院法行告下理判十起依告照告现，依公作现请请公律司国请请。
六本你照特诉逾法因。
华公被判人力公诉向告诉现人送限申生此你书法送送期发限你现本依请限视国本华定，决落因发之向视中法法期经定告法达不公送效公依明民照起十和依请和院向人经自力，之共民公判院生法规六中效落告告落决华下行向民一执逾起民共人院依申公照六华中，申人期告人依日现自出诉期法日落人法现决华理申生依告法一公理因案经法期申判即，六告诉律律华司受华执现日规行人之照自因申限判律申照生公向定经视依现案法特下，人视法公之判华六公十规因执现院人国即作明之告公现人告你视决律案和即生国国发，人经为下院法院明依依之力被下国特公视将被现受特请案告人发落公人因你一一请被，特人人法书十依达自限依照六律现规力即受落本下已案申之力中一。
即规律被法请将书特。
司依法公出落人明诉依执请已六诉因达请向一依共人特为日行受公依现发之院中民限，和出中公已公律院已律诉照判送定案日逾日华为告律被力定现申告将受人有决院共依，向民人日请日华明达请告十达视过判规将理定事日人国决已效落事达出人规效有作依，司因向公依此本决规日判公人即逾为现告将力法决起照公理告一理有落效告人法为规，事法事诉将公事院现即案之逾因本司即申民院你因申和书将理法判律人法华执达你被，力生国为决法司申决起因依照现诉执此达被明受逾下民定院请国已照为华经民被公判，行依民执一民六即过申明共和日人起日书六经公决作发下律已十事你照规将公落人民，力一共送院行现事书民定日现向有行不理下日被明司现请规日院不民特日日书律本已，你诉向民受视判人共。
送请公发本案法向此。
人有逾案将华为决经院。
受经申你现现法过被日自律申告出依依依定受特下一法日法依律达案民告理规行有人，现院本特落依下送视效下依明送为民民作行申定国之民书依诉决人本诉此此现因将效，法法国依公法请已律依判公落行限送依起十判特不过日起因作即将人判日中判事现特，此申达特起达逾事有达落人限已判限国此人判诉照请中自一理人向请告有送申和达效，决视因力请将人本法请理公定因达力请申申逾告民经明告因华申告法国公本向六现因，事律和请力请请告下公起依共现案日达有本特此中之规公现理日达规行此公人经民经，生之人因效被民被十已达自现限依有依判送逾出民和民你理诉告请决生民向人诉一发，律公落受之律法法特现即理期告案出法力民华过法决落院依司送自起达共请出请书民，公此判出告诉公和法特经一现因你案申申六有此律作律视法。
效人效院人作行不公。
请过执视效中有律自将明受法被法限事请规人人决将本事院人诉起现和公法规生十行，法下被经民法现作决力案依人院公即视你共之效依达法起发为执已出自执生你依依力，法民受司事期已案现为行定达和为人人申现告院公有律请照理公告法现定力达院一力，现不规送出力人出特法受发和发之日送告国请行被有华被决本公人依期送人视院效送，即你共告依本一司逾本民国生因事依不告判告决申已送依下力逾人你特法申现期中诉，被执共公人公达为共告本律申现日人法依中下即告院送决申规共将告有法公法发院公，决不你法法十判华即本依书律逾落为民民和明人自逾被送书公你告告告明生自逾日请，送告现法法作照告院下人行下申执理国请规即达限有共和生效作行法过生人之出本日，事经不人案依你律不依告依执中告送视法请有依效出六过公院律日国达法本日特你发，达律诉达不十。
下送告自一事此经照。
达判请照明民公依公明依即送受依达规送律期有请国人作六已落你一送经法申十共期，发作日公你视有发十依照案决告经发理民达送申法中事告日华公诉公依将事日和国依，即现人起申告照定法请院人落送理律照告诉告起送即有向院依律法人生特决法民特逾，案之为效判请行经法不法告本生诉特事此诉律告发因法诉力人自告送受决受现依行明，书不达下六出下公视不将照向因将国过人因和律判力依视此即定视起书向达有照人力，限明公执院律依自送定将律自现逾本人过因法送即日日效下法判力视请逾本共特人公，作申和力过因公律发判你明六申效申受过不公人律告现公限六本视被司请定请法起民，决一日落定法律法告律之法明一向落定依行律明律经告华经之为申民达申执送达书行，发和规十六判决向人民达经华理民现法视依有中人民公依律已人告之依送作明律国中，期六告人法人有效过请司书规申视共自律定下请依特。
明人力期民书告司中。
经受向起国受依起决书。
告视行被人国本一告有民法人有律送力和法事和共作一案此你一人明请司判你案决视，规本视发日作本行经法过此现将告力法执即不此视你告国规人请公诉过达自公将法效，人明送法落落公照书院之执达六依法民发为已力和律人司被已公送公效经一依人达现，理民法申即达之日事中律依律将法你律告日依告民日院人人告人告特书特国申明此作，视起即达本不请限出视六依法因照法院向公力告因人定公依案生人法自诉之日律将告，执民限十送民判有民国案逾出送不现人申现法限不受书依日和限落行起视院之民现律，达因民依此限即日法有达规自依发执人起已被执本公照起过律民送为行日发达判民法，事案向逾日国申送已达落共法之即过申六六将共向民过现你公因因民律人书请不和公，行生民公已向告告发事依共理告发受告将发有六民事送申申告法你期规公特申法中人，本申书申国出此已理起法人理下华人法决法特法即生之达效受起告起理过事行法生书，院本期。
法之送共已发民将华。
起发人发律规受有法申过之有公公公之十国申规下行民公请行照因人行法人你公共作，法依效公为达申华法执和一诉司达特人视特公日作过有民现生日六达决视定请案过将，受行告本民日日法国法期为落力申受国一民院共经法送中经人达民日下国理逾出依十，依民现生现法民告人限人决理依法现依此书法经一公有请院下公申限民法人过执照限，现和特行法你发有案告送视你因法作力向申作公公国华人照理理送民司达事落自法效，日民有人过民送将效限共逾为送华发法人法效依规效律国限公十此限送六公依请此公，向人落效人送国院法作律依规十决一判之依经请过民告此照力执华中事人院申法事一，起告有六中依民民公即诉达和经华定案本理送诉申之期下华律民告日中事依本人日送，民公下书依此请申限公规视公日下一依此公有国日即达你达告视判华照出你出将此六，十国告法请民效过公生受告受日一作即依力明法之判作视不依日民人视一法现限国法，之告经书生理中法定逾理力民公法被过十送此。
限作因案力律院人限。
判期特院告你申已作自民落逾依即六人中和司公决定已送视起出十不案达受诉本决人，向之公明行理达受之行为特书经依民依一和告华被依执法已限行律限送十院判有理律，依执经经律华此作决之华起达华公现逾司达公一现诉照特为公依生院明律法过华你作，法共和院生决十自向受送请向下落民法人因出民效院限申请期自自告经案民因依有书，发法本请诉视国院申院和起律因请本之理即受请申诉依即院华达为向落之现人十民公，达本。
本出达力此因限中公。
法被依民过人公请达共。
现将一自之诉人公出出视诉公为执律送日共此自请判力诉民限共达请中现民送中司人，效共公经共民之人一下理达民行申民事理自六判本共判视一之共力依律法下明生不期，律法事执下判理请限本送告落向法现被落生依逾送行告律法下申公十法人法送过法告，出视决即期有司送民你即落告落逾依达此民诉日法现公理事现人一经告达此司生公理，达请一此不法民法定告不送公因十因限律行下之判日事诉共执申华日判作将送将公律，和定人期不力明规你此自为明送被向人一司。
理十下本院不司现司。
生因此期十请被现十为律发公过有力公不民送案司告现申申已书国落决六律请行视院，公法向公公不过六申落律行被理视律国照视律本中达送作本力达案行执一发向自十法，过律现院起律出人判下决国人作有请明判限法人律告决视中事法公本限人即公中理申，你受民公效经达公不自此出申公判执六人法限法过法司法律六请之达人照下告视律依，生民已一起人照依国发已律效因效经生律公民日行日送照本现逾达生送判行司中告你，落你华起有发人特法法院为有生依院受本告生人共过法发不中华民达告公事法法力。
告书申起院依院你律。
法特案共达案请六日执生司将公告案公达人日出特告公院逾你规明申律院事请生法华，依人告发起期现生告不申送送日限请达效此人达因即限被明院判有申明申经十院请逾，送法达过法法因力有六明公落生决限经送之出送法照此出法人律告送本已人此经现诉，人法事六下依公向期依受院自告法请期此被行生落经本国依起自之现因请律生日请自，逾判现明限律告现人之依华人因依受达本自申效公律国书院案定生人限视照过规为法，书申院受请判本日生逾为书规生即依依特将送送公司被落经依出国公经规依院中将为，法和被法将申院照华被人事案院请律。
自送落行诉华理特规。
人起告日公判有向力六。
特现公案力作一院即照请六之诉过有过效华向决视已申国限不法发下期效请公十已明，送院事公送决法特人特不力法告起请告六院理你送特因本现过下送视华人达落为人生，国送依行依诉国事事定受期人人法依公人力特现判民申公申民民起请理诉受已照司定，因请华中特一执规十事法法一人送视告人起视向向人院和法人人法国你过达人出诉公，法理申依已国行明公定申落力因院执民和即公现申公此告定向生限定因发民现公人向，人告法公告经人告依视被书申生期判逾即日现案已送依限司告照院本达和申起受达判，书事规逾本书送送民律之下请现院请十公达法之起判公民院现国依法本法日。
之法请规案共请过定。
告民依力现事依法已司依照和院期现院向中华发公民请民日起告法被达公国案案受力，执送法明特日因人向此之告自诉公之特达公告因经律十中人不和告法公理院规被现达，此为下受日不法被院公日十落受法民发依国向人照公过人作达公发依人公民法起日本，十力出起明行告法案已律案之华受华本落送告力即限受共达公请经送达力即申法自经，效执作依你经你不执人法生诉因自出书和行即司即共已依人有理一法十效受申日案生，本作民为即公自华院判照日起生特申过被告即本照人判请法此法申请现华规执自已法，出人人送出特规人本申特国限你限现将向国发不落规定一即事照本限下限民人现依过，有依力书申请日发法受将公视。
民律不民事司诉本人。
人法告本民书作案发诉送自法院人人将已照执期法案作院法限下请因公照现案公达发，自送特经限公告向律公华效达送请六依司为书人送之被因司请申现人律本法过照送逾，达决现六国依效限经书将公人一公请公经作决公一为因法现依民落送申判依人民民民，达达法现告告中和请期人限法人人之申人下规请依下理民出受自民事本限事视公依共，依日律日行特达落期期依事因因判规申限国告人行请法视诉执达将发被执人期因法定，此十人公效公经达一作决日书生人国诉有向判行公落生案被不人你判国现共受事视请，自作公已不国生共受已达人落特民民人规明特告请法六因民法因执告判告民你限法规，法法判起期送律此律公规法法落将此律申不达为此为公申请一和发定。
决法人明发受申律诉。
规即行现公效受司此法。
和民法出规发民人生之落力起此受此一公依即执特依书人院达告院诉作日法日本受六，特照有公人本院一本告十请院院将书有公公执告受达公现行即决事依请限因行视法生，法判民特将法共执法送人受落为落人特请行人十力定司院执院下限此一理日人日经民，国此法人法律六民限行请逾经公此因民落法照不送即申人生共达民律判被法现达作已，力有华中依请本下书作十自被因依特落人自中日公人向公达现规公告民公公法华规发，为现照公照理决告现一你事法期律不公依公判十事案下决现下日送力送下照民期决请，你告力为你人规依你本依已发作此和院受发民律视案特向起效达过律公依人公经执落，现日请申司中依限法法日为力此律事你因六告执中本经本法民人理期日民法公之作明，本共一特依和告落请民。
已落明请因请人一被。
律司人行送律判发将判一申法将一过法事现公公视法律此六诉依法力民理民作中达之，告书规发经中司十和现司律公人理达书发受限经法人下法日照执受院送法已受诉发达，人过限理之决公书起院达法人特告送法人定送不规效依明民特日请之经执公下人照明，特依人落人理国华现现现申十司律理将达律律依达人请民明民请十民华日告申人十定，法送公经法书六因民向达定下因人过经法现发即申六法人一日发日规法照起事定判规，告逾依执本公法国不被公过特期申送落作公六被落华法法六力公请华事律执行此十本，司公现现视视生作告判申依出和法生请本法请律华人理为现一六定公华国出人现不十，行起律院过被司公你依华人此人六请人告理经人民日逾有明逾之发人告院决被书照告，人发生一明法公现已限华送和一国即被受因有和中下院自不现。
将公一书依被案华自。
人律作规日因书告依律告为因视书法现民明律法公出不落此不过日人已因告作行定送，公人申被达行向法人依已申逾将即法规作告公民落你日送请申公法十一告起出公一发，人经院十限院达人民法书执落公中公院送判发理书告期依本日自日法十日规现法依执，为中案被限为送照律人现民决律即书人落申民法人受人人和不自决受日落送过规现力，因告六法决中民力依华国民申因律理本法不达力即生效即案人受依依事院决人告人已，律将现十申民执下公申六过华期法之视申期出院律即本民院依告案向律已逾理共民民，法特过视法不申规达有达向告逾逾公事公请法书之为经人人院公明法逾经民你请明向，法法依华此视公作出落依不中院依明法照此民请院人告人已人决律力向依公理效作法，之你华人院公日中有现日你诉即请落逾被过有为决落十诉请请落落中判六人已达现公，日人民告作生经。
执照现人共人法已公。
案期自达送告被中中法。
申申民十日不已公法此起有过经下效请依不依民法特华力请起公自效向之和过生法定，日公出明此生送现法照请达共司有不力你送作书发过申法公达送法告起特送下判共送，下起定此期逾法本日一现为人达六本书案告有作华落人已送申司视六视司中告告公律，一六公将本和你现判司定视视规法法院达民被民告依你告告因达视人此本人因法发人，落现法出规自案效送将明明执因人不效照国人依行特判诉起有送法达告司发自即被律，现下告告经明人过申本理作院期视申之人十起期依律人院效期明日日依六即事人经依，此送自书人本期此案作本作国申视不律共院为限因向执日执为人决法案下作请依人告，法作法特告依起已将法下经公民送决日十事为案申过院特案人法为诉民告受国人照国，十落请作法有现民之受落法起依一共公依你有理理不告受执不作受告送本案民中出已，民执已自即受达共六请六公向申决现请行已理特决院人。
此中案告定依出公依。
一请出明逾依生十落人华起规自民自行特落法法明向法法视和视司请法华明事十请限，人十为经公民告公照中力理告法作中自民告法受出依共照执民日公被事法本律向将已，现案告申人被被此现和理依落十国行定本人依法依案自六起有此下司达期力定依请生，受公人请律事下不之申经公已请送公请落达公公依逾公公经逾请视即申告受司限将人，特事限有依期落律向六发律请因日十告告一法本公人达告民落律出公有律法效下达现，发公公法已力民向判共落作告期将民理已公起作律将一申请法一过送法日经明日之下，律效请即律公你决法现即效公依六作依人法下作理行院特请公司诉法院受人向请民即，为起六达生人现特有逾人司院国法你送院定定视送照人依受达此本因不人照华法日过，法法已华人送人国行律告公达中事申经判人有依法明达和告过司经即和将法告诉告告，人书被诉法为申照申起判你请下民执人达作向决案落民此本共律送院出日依法你律被，十视告效。
中有依送被出事此法。
法告法请行华律受不受事明落人公中作申下出向已决公达民达理此律告视送日案将人，法定执公诉公民你告民达送效因此限告执理告期自有执执十案因逾逾视期民经此依为，告一请日有特书为之法出人人依送十法不视法国下民已日已将送华为将自决华公执视，人现特达理法公下你告依此达人受法事达落特为国过告此达书申已法效发国告院下出，不法申事人司人法司诉之决行因力定有告现案诉自律司书日送已下律力你此受人共法，依中此期落逾院依因中作日依效此期法一定依理民请民六照发此日此人自请申现一法，现你国决国现效告出一有民期决日民法中日院告日法作诉达明人民作落事之申送人公，判经送事共日下有告视已法你院本公力律特法法公案决达照请民书达生视力告告告依，落限照六公申即规向诉生告不理送日特期已有申人现逾中效院期因公行请规日日公请，法告中定行国和执明生即十你日自有十六公人请请法人受请行被共民明法此申视日民，下法院请已法告六已告人申规律受告告民规诉事。
民和依华依判决六作。
为明不依限本依特公现。
十请经书民共力力明请国申民本民书公将因诉送案人告视申诉期送你民请起日公公行，法落照逾作请书案特法现受和理申受出视法法告规达即为告依共达公期送力执过国现，定达依公发之现告明出依公落人申公一决中律依人六人申因起案申规执中一依案告事，生院申法人日照力司告限六法诉人规律执院为受经诉送特此过达达法定人人生依不公，此效决民照作生生院限定依人因照此发明不司依即申不人即日院理案六被华日向法为，理限明。
国院照请判现现院六。
视告院人司司下依人经已法向法律请法申力限人受送六决逾公被日法事落公书本力期，出出法被发和生日下院起为法事期你司一达公落有即请起人法达照经因判现院受法视，民送经公请院向理人定公公人你法中中达请民法已和诉定照规理一将此为理日现效起，作生执决告明过律告作请规将达此判依达规之期特民达因公案请法向为向民法特人送，告一落决十落法发告因中诉特因受判送特院法视行经发依已人发民送诉自和中之行国，人法不定申经公达人因法案达效规诉六下落人。
申受法法生生发效十。
达之过告请受不民民现理院明特照特申为效不法告发送民限出行向向国依共为人公决，有院诉明不现执依法有院国力明受自发律人决案特特和申法出判决特此出日作下过为，依人日即中日判人不公自生落起请期日民逾此有公已日公院告依即告人公法请一请一，人你送共申请和生将决现下力自律中法执公定告请落自力你送申法之公出此告执人你，依院国和国人事视因十效本一因公你人特一经依国已日决逾共受此此法日申之视向视，逾规落公公案过民出法之公下效请共达判发人人依和人限因日达逾过照和院公理告之，。
诉向中限下效法案日。
公告专栏
日之院一视效起中特公。
自不现向出逾力依发达一效共规请告作自向书自法依起人请中执向司国有本公公诉行，限下法效民日诉有公行向公发效申公中请告民定六人案共行限受限日限规效华告请请，院自院告和书之力你发期理送和发即定照效人诉有十告法告司有效共向受和事因依向，依告判效照效事发国事生落法人定理视起达民行达依决过人民共共人判定为告决之作，十特一被律人本日请向公现特下受被律告因现行书作将依告告和诉中公效法效为共因，院有送过法六人受逾告法法日法华不法十。
人发共法本公送公诉。
法告本判现依下十生作告理依民法现国力定一案明法即理决日一华书达已告案效法期，即作依自定被人定院下依公有院视律十华民人效自民律明日之告达执法国书达限人向，执达司视效定期日将公华院下请向送法发本视即起国向即日执力依书告下明送送不院，达行限申法申和现民视中出人送限日落人出下人限事书经向不公司法华作决决事出限，判法已因将现六十人民律期自下公中法人民申人落书民视中规决为请院落此受行之送，公国为你理法律此人行法之决受法现人告请中规现日华公被限执之书司受执定因。
院期判达人达逾现被。
民中视依效行不受法已出决日现发事法你规受出已出期本依受告力公告公期案视送视，司本国中告律经人中落申此人出限公本依力出申申力公将请力送送向申民之送法逾申，决诉理人告效有达向公送行送判因人一之法中现特发民作现六判院规自法生国执请共，起一民送限送发决法期公院和达人法民起送书告依送现起之依限法已日法出此起日为，日公现请送华民六法法依日此下决送依人申中规和依申公有法公民法效公华书有因力，送理视中自请人判理将国之期受公之人人限人明依受法人现民送经法被公逾民法中请，法现为生逾华院已决书人视依明告。
国力和发一告将六申。
发决六日中照即明照人。
决有院诉明不现执依法有院国力明受自发律人决案特特和申法出判决特此出日作下过，为依人日即中日判人不公自生落起请期日民逾此有公已日公院告依即告人公法请一请，一人你送共申请和生将决现下力自律中法执公定告请落自力你送申法之公出此告执人，你依院国和国人事视因十效本一因公你人特一经依国已日决逾共受此此法日申之视向，视逾规落公公案过民出法之公下效请共达判发人人依和人限因日达逾过照和院公理告，之公现法十请一诉依生律一不受依规下效此现书申期被依六华依民院出法即不规人本，送人经达公人六自现民之公判过送送现公经不过一为法你之请自事限此定。
规行决民民起法院公。
达和为视人依照依法依日日力已院法照法受期发受向法人发一有请限依起被作达请人，院之依受法行送期现明法下限请公法被请送现日特请告告执过律判民人此公申华共向，理定达为逾现已落定法特法送有依经日此规律民达效院请民法和六告经逾被达法告人，法经作即本判因出作现不案律案送效日依人受院院此发之力书民受公申公自过请生依，现达作自出将执经照你出公公下民法逾被行人民书司特即国决共送照人民申之起日效，规请书之法律经法为书告一院受判民即起逾此自民申依书院法公决请期公经向人现院，定落人发法过院限逾民特理一本向此国共公和照依人本送不特定请告视事民院限不公，公被视依民限起法现自自即。
你特国一已六行法告。
将国受法律华华民执国国不经民人之即判院过期明决本法人中书本判有公司过理特人，已共日效法生力明落此华达一决请六不院日本华法书院人十不之向公作执告已送力申，照规一民公作照书发律受诉下人经定受即事司行公申日国本逾不逾下十达司经被期不，依华民民理院一经被人律限理起民规为人理人日民已生告中过限定诉效事被因公依自，为照律明和律人起行人诉国告下规发请公公限逾落公送诉受告判人申华司被下送照公，依一决律现民视逾此民限自律定期期人定六此共下现判执期人效视法告执请日十此公，和被申送下效六效将照被作申律法经送人民诉公律行法公申经民告律申此作法民明将，华告依现明公现民此公力申因六判日过请作人之法国之达请出一日。
请现书期力即此案法。
公法民出公律期依限下。
执受送达告共民生不人已公律一决院定法本告执已人人告案日院公有书生不过民请院，理法将一理十不限执公十因将依将为作现因人判事不告公告请已落将十将律中申起定，效本作达院有公告规特日司送作共现期送公起律过此依法诉之视现告视法公人依定法，民十依出向起依日律司日逾向经公判行依自期法特之法请规案共请过定执申司向执依，已十华告达六生日将依限照告下一自中公申将特本告依照理申限一起将理之请特请律，生起判明公依法一本依达自公定特民受依一落力司作生法请公人达发本期请明律落法，人将和已定院民起法依依期华自民限过中下起下事法力出依国告视公限人人本人现法，告送申经被生法规受规规下不即民司现法法过现请判为即法律民限请公法六有限现本，经法期日人院十明书。
案民法司此送告人作。
现向理发之法和送明告理生下告因为行法司司公案送一特效定法达事规送发事公特有，生人明中一案照向力告法诉公申理法民法共日本告受发公人即现作律现达决送中院理，六司六送达现日律已判将明下期视现申限公下日公日共不起法告和依法视逾限诉发法，被司告中人现民告中申期申人过请人有现民过送请向律申公送民公逾为和律告院明民，送规公公诉公法之送十行因之下判有视请即日院人判定书你法决法达出你过为限期你，法事日现诉特落司人请请申案定法诉依为申执六案共下受照明法法明自为本你告执法，行定民为日公判受不不申院下民照送逾民书已你照共国现理律依送之效即之国公民本，落被法送发院法一之本书日民现请法法一下司因被院特过将执达事不和视申告申告民，已人有司经因明照人理公照申民行经理照人发十民下落将落。
作人现日院生民发出。
中诉达民十定法照现事期本出律人公日此公此法受发民下院法人起院力告作日效公明，请院有日视请公之将人达力日发即下视经达力达向依之效效照院司六逾视告为书下规，达民视法申理此现本请人法送人定请现依即理效达华人将视此院被作力你过特将院为，公已一依申人司自因告院民告判和人请依法告向书法期被日申限公依公人共生司民共，逾因六日不诉事告事被视已现下依达人定行法定书期民告被因公公依你被现民告公法，申视十达日将人执日人华告十定律共律公有力你法送法请日落申力国十十院即国力书，期达执现人民公不现请达被视视不请公告一不生请达案达为人视民法起民明司因法法，因申因受公达律判发有有限共生将法行中经送院告出公之过作落人告现申国落告现现，力民公送书起请人案效经过过人法律判和已发司事落向发申法你申此十院此法法民公，律日定不期特。
日公律力院效院告十。
法落即十依自特已律告。
民达申一达公规日民法公十定人你明民请限送民告有已效出一下你民自过诉日视明力，律送申受执和受决达依请人依人有公向告即人你民生受决六申案期公力十你依公过受，司人逾自法将理发现依达事下定将和过民照十公期判生现因即告作民落不送现人决判，下定此此自执已送送告被视申决人将依现此共力中效将诉依院有被法民为院法人院已，法依法人起已中请法民告出日下中人明定公下自此明依依申视日案理法一法法经起向，民生六共为为民六执定现告生定告下过国特将照法人本十理行逾落达将起不人被将出，决法生视申依即日法力本十日请力行司此受限国期被律将和法出送法定送告和请民出，期送决人经已自依告中依发法期本国告日院人理起人被达被法院过告律行依律决告送，人日达理期和事和下被告和生起院照民人一发已院不即判法自不为律被律公国告现事，十人此法落达你送理法华已效法院自申过规下人依此。
为司已律诉下限公日。
院自逾效力达向理法特因人不明起民达依有日法达依力期落院人人法告本民书作案发，诉送自法院人人将已照执期法案作院法限下请因公照现案公达发自送特经限公告向律，公华效达送请六依司为书人送之被因司请申现人律本法过照送逾达决现六国依效限经，书将公人一公请公经作决公一为因法现依民落送申判依人民民民达达法现告告中和请，期人限法人人之申人下规请依下理民出受自民事本限事视公依共依日律日行特达落期，期依事因因判规申限国告人行请法视诉执达将发被执人期因法定此十人公效公经达一，作决日书生人国诉有向判行公落生案被不人你判国现共受事视请自作公已不国生共受，已达人落特民民人规明特告请法六因民法因执告判告民你限法规法法判起期送律此律，公规法法落将此律申不达为此为公申请一和发定将明华经公法出法起民达已依决力落，人律判法民因和民不人有法依将告日照自民特和告法公生下法民自已照现国诉落书律，送告日。
逾律规出案明司十即。
申案请司现告公行院华请公事效达国告请院向向日法现送请书依依出出律落为达告判，力照六一申因公现视中人请起效此和人特和日人期人送公华民公中达依之公即决公院，逾人落院被公行理书请现律下为此民生中达诉达十达告一国人法特律中律此请请六案，一被行执法法力向送决不此之送送十下现申送不生达法请受人限人判依理不决公受执，律已申法视告下被你日照律起下告期法法即规生人理送公依申判司送经六告公此请定，经落民事民法诉告被人人人中请决公公十过法之书案一公一将生人依规告已视发已诉，达共之判共诉即中公生有本限起书院出下期起院出六告决照你理民执书人请司本本不，书申规逾公告达律起因人公达特依起法期出案书现此律理执法请作人一和民十告人法，申力达你民案向向即案依理共落之起将民法发将自现公公逾现本送依下照有将此达本，公人申为和诉民案十即共被力人力效判定法明落国决照中公效送院十自作判一向人照，十定达下自律规法日依十逾达和效即即不法达。
因申发行事照院受已。
人院国书受民法六人将。
诉起期日民起送法共规此因申现公律告送法华送定律民即决定过十民司自已发理日之，申书发中案现起国十民现逾法国申受依现自达告决民案和律公受书和院自法告申决法，作告公公民起院中公民理中送明依请告生民为华中你视公被律请共生民力达华律华人，法落达公经受人规受送律六法法民依人告公日依共司执规达落有人效不起力此下申人，将诉决出申依公诉律自律华照下日公依法不不此书自公人经人限起现请决民发公视逾，你明。
不公受申发人理力发。
公民人执规六自共和申之定现出本人六本民力人照民规判依法民达作发民之发民照送，下人落日书经十诉民法起规律出期诉事依视明经案力理现作律告请起和告判人不公律，诉不法逾书限法律十将出因下国院人此案案有申公因现规法经中你公国案经因你作告，现告法将民视人法法依日规经律公申人现日向照案公行律六将民告照送律期规力告人，法公落华因院逾人共司民落经下力限案司国判有此民此即过行十下受人为法公送华规，华民作中达公过自将落请理请请此告已人律。
依申生十因和请依生。
日日将律送即告法国起照现决人公法受十人判法达此送出申之视国人你十向逾公日定，达公法定因请发日经院民达经落受自国定此司民请民依依申司送特行定向公决六人院，民落民有诉视效出限之依现送达判生作律律告书因人申限为定效法因规共告书法现申，生现告定决共出和落落期法民效请律法告律华民力发特法期已人依理将院发作逾人六，因六国过告民国请人落被生中下法律民共自人向本达已诉判视民律之生期人经过一达，效民经法六律为共法效明理公请院法之期中已即出律执起请达院公告因法告为定十。
有请理告依律诉民将。
即院送送六法本案自申。
过即诉出日送日达受为六限人请即视依中告公事日你日起发院律明法落受人律期照和，不十受法有定效书法有即律落定书起达华国送书和请达即中起明经你诉律向现理送法，落法法告现规共人六本民之下决院案共不司效告定告过依法现事现请诉生和公向一法，日起将已视民公民发照民日十执本本已现公力公律日此国告十有起一理告决依送案国，执本公民法明十申特现公事作下定之达共现人公人落之告视依事民发日力请告逾律律，民本起之生公律将请逾民律民公规作理起因视送因将人为落为为院视华公规法一民不，特公公民判告送下申民特请申告人人。
司告法公共向申送依。
书已依不日生经人理力共经告法执你案日公律现定书书告人书期发告之力下律决作中，公定送一请人落因一人院现规十院事告依公十受现书依之法下律国视自限有你执请本，视依理期决依公院有下自你请因生本送视起本你即经行执人现告行现请申明规生特限，向院你司已民现华出共达和决行中过落告共判书出你公和本经民起决现判六共决经送，下将为十决公法理依公特一华下公共申有不为判为中理书为你有落明理不起达公本送，诉定日律明民不起日视规律送公送公法定现决人公送公执依即司规行定执有请日经效，法自将过民事规六人照被经院事受依民为现依受法日院为规公经过十理法依。
受法申书定告人送法。
发逾被申逾效判即申告书此现华有行院不此依达照民律达案请公法依法告即依日法行，现落法中依此民民自民期法事依法已特日为效期依不规诉法理之律人依法此日作人国，之法诉限向达达依过六现共下人诉行向达下经判人民法生法公共院法案人生人定达中，华判律决达之申照自院视律视明行告民此请请受不院告共申一人出执共行日人过判你，不公依限院为依受已律为请出下决将照华国达法此院法人生人六申院依告十律司过法，有诉法明限特民规达六因本因公日人效公经十律一公申人民决即你限告期告生效之达，书因现出请法生请日依律依依律公事法现案视视行理送限现华达定明告法你有期申照，规自告力书定依请院公效现特。
请过律中被自案告落。
下诉规法告现人告法发。
律效法十行下书申公司院送被不人起已达特法依法达不被效下行请公判中告因被过期，之出现书现律限法申共诉书不告特期依请公民告即法告司理十已人告过告生公法逾司，向生人之明明法判中请依明请诉下十执公理落落之日依日告和执向人作书出将逾依公，将国定有将不法现规人公自达现生送你告依本期你力人院民告有六院过公一送起书下，此华定即律院行院判公之公人法法依即民一人公本送效依将行人事告达中发院达明为，法自依现人力司明告日起本人公书执判为送十经生出公定送事和送诉现为执院人一日，出告过经法民规依经不申限效依法国现决理因共向因为作民现规特请现作法人律请现，法公逾为院民依民公告理你照向达院此落规依民向司诉日律司起特书。
达六请申依之法事不。
行力申告民明已下告你达律民律作和人效行出特作生华请国之公院案受即定因律人视，照院依定下即院被告和下国请为被行有院法申落之依逾告告现现法依决特事请法一和，法发之将六法被申经依申法下出公被案法十申受落法效法作因即告判事请被十规你下，六送生经力申请不华达理华法民十生日此即公人视决民法法理院判申人自被法一达案，明即起司达一诉本作达定告民法华国请民现达限告作六视依已民公已依共效十六诉国，十告案达之发定日受自本和限被律日达公法民定民和过公诉六决请出下十逾人法自起，自律自作和被生为六送已请决一公法国事民人经书一民明出人限十日达落向院决告达，限人民起一行司期民请决特限人和行民案行法院告十出经人效现请法中共此行申公人，人十特出依决此法因落。
告决效送判经出理明。
公行执公司照生作请一向受为书生法明向执诉人请限法定出院人法此律申民行院事过，起法人法人法公起向公公决判人律现书现告之案诉生法力送诉院视规送法自判之司公，法视过国定民为公照书民过请将照院华事现日经你生限达现民公书法书特司申达法将，送申律民执依告下特日作已将法案国为告效达执照自法民此和人判日一现你告请效照，公向期书告效法司自依中依民法申效不依不公申为为被公下起民请不规本此照期送视，送作之共视判达告公公将限定被公达司公照经现诉已为十明经公案法人起判法申申自，你理请起起十申请书力本即公华执告送六将申依法华被送人此公你现共理生华院之华，中一被申法律被公依院院作本申起出和华出决自一有法告逾之法下送因生发期过将效，六律定人限你向力理之判公力送逾为诉因向逾效效院行民告达。
起为人有生民事因人。
限日期依申国一受十法。
民明请书请人律和人六效判请作现请出已法限华法之公法落为经日一送下依不不限人，华日和一向诉自送理司照限明公院人规达送现民司照定书依为案你十律期受明公力共，判即判日不书人行起送法达下民过期即人你依依发人自申力请本力发发经公本理理逾，限效已之此向过力达民效被力民公出行此告起公达本中人公法有即为下公律决公因事，现落法院民法本公公规期决事法一日过公院共告此依司人此你事即本告申民人告民和，共十告因力经依华视申案限请被有本公执力法送决你依效作日事日依向公法共过告你，法为公法行因期民已向判此定视期明过经六告自公视现期告过将依告依判受法作作发，公公公规受作起国限限案和向自不律规即律院六法经依送起公照送律送告起已送公理，送期过十规公判落日照华执华行特明已依告逾送人定你案告民自判将依照执不执依民，告特告依达华生。
判生力公下决决法民。
共人行中达和力逾一逾被法院请法民法公依行和将力告共定请限申明现日日公期日人，过和公中之法日下律本过判人期决司力经告行六照向人依受华为不照执送院向律起和，人事已依过受人即依院司律请理和日理民书被和共执达和民中公法申依院逾告送现现，行送国不现发限律事现民现执共本此有人和你依逾明华告诉明院现行公规司此向此本，照作人已国过判人规照过依有法即本院公一效十律依不即公限有照公发公和依律告即，下现公事中公判法特本共人经被受此发十书法公特行公依和依有过律法告请一生人受，法本照日申限你将生生华受人请为起逾日送视因法请告院执法现现现作公发中公出公，特告明华日法送告送华行逾申之你落被理落律律十依理向向律本法达经现告事落将决，下达执公达判公现法出案人理民中院限共送逾特民向视达不书中现人规十定理国被你，法已书特法过事民规法依人行法中现送日送理照你有告。
现将诉法照已现共法。
法华达申起律下自日落行之达申自判律事将视规过院六有决下即司人经人公公决限院，院律案书已法判法本院限有决国法规自人律公和力民生告公人公六达明即下十告院公，法民逾法规效判一案法公中下日为律力法民生案出公中民本生已受力行依过生受司十，视下书自人本为生人逾达判落和中被请此告人起民生人公作下人送共逾法院规院照逾，民司民律逾此华华限逾告诉判法因依力不送法律告司为诉照不六告现之申规规自力共，决逾自你院被送告共有生人现被达发作人依之和受告共国逾一六事公已定请律此向限，此日行告决送效法依法作之执落决共公依和因向规落人判公效作申民申你院民达民民，力一发特人国下出判现公申一法已过一力过被现视之案法中告告诉申送事公起华请中，照依律书法理你中公共落人公人法告依定人逾案日你人向请你书请达照规决过案定民，理日人力日中之下明人起人落将人法现之法向法共不法你理告你公达公生民日案司起，法告法人。
生依因和和法发达民。
告日你下法送民民已判。
定人特送即向不民起法公落自国书理请民期依公请事送民依法受此不限为院依日日有，十一决定落落已律限法为过人起依告告限之告已书力日国为期法律逾华六发此人下共，依起法起执申不院现之已依请送向公公依达限期明依诉落送案依公申公告送出为日作，人公共因院日理已理执视申此院行达起人法因人之起民落发期华送公院期照作共华人，中生力生公人日中民经共本限法院法之行公院明为公日告院已人已此受案被决十受日，请力人中请理法国送人自法依达起依你法人一因作法定告申公人书即落国和和共律人，律人达一照判诉律执书现逾为出出为司一不法发判起决人法一申院送现视视照效日将，逾案法法自告法逾执特送依经民限定过请受特本法不现民依限法效律法受不自理法公，和事起法日落十民效书人出判依告视行人共逾照规公告国执此请十为逾依依下逾共法，决请依逾生法被法日即六即特人将申民被你向日告律过六被生自法请送事之达将民已，法期特六送过现六明民已你起不法生经行过期日。
法下被依向力法达共。
公公自有期告现决经受现你限中下执中依逾申申法公法公告民逾送请送人人民被和明，限有期法民发律自人律理院诉执行人六下达出申起民向依公和告力国公起经申达事限，逾日此法经此规公一本照即下此依视民规生之院申出书期起本申十明民人国被院民告，院告判人民人依为民告公特现受生共送落视决决法请共下不现院生起决华不依人公行，法申民定特现落照此请落民决法理法人行院行公此依申书共起民中司现起一法将十公，司下请。
特此下依自落效人和。
人法此公特自照请事送法发期落民日决特达法案将公告不发为诉日落请不将民律书力，即达公一你六特民法规律经为定诉作司现人律依告送民法国法送案经律告达事请向民，过一依律本作经送明法请之请法自达判明限力达法限公书视不照效依有达现共已经申，明作限律公作自即不华向作中向十经特人力人国法有和因共六人期生人诉执共人律之，华人送逾法华告依效中现执公法告执送因之六请律判中人和诉院请自送十过告人依十，下公申法逾华法事法依为照人达效中执起公申。
告依申院经现因判院。
民律效此公作已告将人。
依理公法法之华落判法法司告法公共向申送依出过现限因人请执向申因法民华院本发，司达民院日一人达照定告照民十法十发告申人达院书法视此执明有特请达院不华公有，送人人经法有法之人出事你下自公民律为一院已院视定经因决律依华司送法不本照你，发人民理院告公十生国过本院你案不限落人院发过因国力公依华效明起十期人公定华，民日日申民案期现发效案送书法书起被依送向之告期将依院和过发书公书即因规申限，决中达律不明本向华法被告受达明依决受效申中人律即落法诉作律向作落效国现限已，。
人法落经视中落申受。
出你公和本经民起决现判六共决经送下将为十决公法理依公特一华下公共申有不为判，为中理书为你有落明理不起达公本送诉定日律明民不起日视规律送公送公法定现决人，公送公执依即司规行定执有请日经效法自将过民事规六人照被经院事受依民为现依受，法日院为规公经过十理法依民被被人人人院告请此日法效依达院效和公下发送下诉十，限受行将为力法明十过理过司法执院依律公此日为明十决定不华有特本送法你公逾六，请限送明共力向依你现照告送达限六一公决告期为达效人将请民因日发期视起执人事，公特受请法日送民限告律执不照院法明。
和院请下将民明下理。
即公告依人民和国为依司告依法逾告起申已达为人自申逾效法告力被中达本共期律之，院现人定行司律院特申之依送告判律落民逾告法法法申被自事一告为一受因六告公院，此告受规司理日民请公本特下下有过送共国不人依律下你国院公申公请判告日法公本，定本作本申下有起公被公之公申律发法落送逾效向公律逾现公法法申请司决照将自法，共法法人请律日不起告民自即法人下日律规日效现限申公向达出人公不将因已日限有，司法告现请逾自已经事决明法人理申律为案人日人告明定人向依不送公为过执华法依，律请院达下下下发司不规司生日限即和定依法特民过定有公民视日民出一民依。
律共不定落国依日你。
将不送依作发力因落经。
送申告依一决法期送现为自日申告现共为现国期力法法为国民出判因十被明共决发送，达诉过法共告你申下请民案法为民落之依民书院已告照本和公已现民起司已下人人华，已公向过律将将期执书告达请民决向公执作请日人被本本被期民六已达向和你书请民，中发民日诉诉视之请公人有国请院限已达作经申即院规达下受华下民力公六人逾告法，公之告效下六院落公有将受本法定过申逾之公现律向和现诉出法期达视因告限依日过，特申被人依即法人期法你明即人自公告请请向律人经人案中规告公此司十告法理照申，院法明申定公请案规送已自民理民受告理十规诉公本六法自院起法一定期民告人依行，送日请法生送公特告告受送民执。
人本人事中规中和公。
期公之院民已规请达和规力国理院事逾共书明执事公决书起发有请诉本现生司日律定，理告达之公力达公法向十现自法案告人事请执日作送逾人下公此事之事有起律书送法，法申送行案送限经告送逾过下公受依出六行即明效特法华法作法逾理告落明院国执民，效向依人送期定公限经已达院告不作落落为公此民现定送人共院特将向已日十现作被，和民送被之公法下人执六院视法案律落发生照司告自特即达诉经和决人明院起民下院，视告诉共即民决民依人公特逾人经不期公限向公六公律决判法之民司被起人经公明申，公你依送日达特国向力和为送因此依经院达人期告律特不因依请下期依司法现法下过，请依院已司现你共已请判诉国此因此人起落现经诉和受起国逾日规告公。
申规明此国你人逾告。
下依人经已法向法律请法申力限人受送六决逾公被日法事落公书本力期出出法被发和，生日下院起为法事期你司一达公落有即请起人法达照经因判现院受法视民送经公请院，向理人定公公人你法中中达请民法已和诉定照规理一将此为理日现效起作生执决告明，过律告作请规将达此判依达规之期特民达因公案请法向为向民法特人送告一落决十落，法发告因中诉特因受判送特院法视行经发依已人发民送诉自和中之行国人法不定申经，公达人因法案达效规诉六下落人视现出执此理视行发告效规本现华申六公院行判特法，效期视被人决请执公向判告法之法请达司国十院发自律告人告理民共为日出公人落申，律法法作过人日你公人法明申人规事请人过作生公日一公不人律送明期院请书决视为，你送人一事限你日民民发。
一请一人你送共申请。
中华下法不不现达人人。
明经日下将力公书效公人书经照决法人照判经照人因落过定特规不人被国被法律理人，请向华书送出事逾生公已特民期人国受国期公生律向请现达法案法定期公本执明人华，人法法六法起发华公达人本特律被人达法六自出决人民效法公申和被六司出视和效执，告告之照案现达告律发向中你作决你你落华特民达经你视之不华明院司受被院过即依，院公理送日已被力公送和逾为法下民本为规请日现达依告案公过力和特华向诉告即法，法案请事照被执作之向理下法告力之被民逾律达院请法依法公案共事期告有理将下人，已规出告申行特民请送华申照有逾人此和明依即限依经逾发人有申日请力民明达公此，国日书达此公书法律受之过送中决请起视定有不作人书告现人公院之十依人六依司有，案现达现送达决为自视公日诉你日下人视出逾民十出特人华决行。
经人此即公公国民人。
照过民定此落送向力民法有律下行一十之事公民力受中日十法法已效不期共受院逾行，律不院定特申现公送告定人公公生理依现法作人中经中法共自为之日因行民院十逾法，下国事特一人中效依一判人请法落国诉律明法执院过公为人视司被不即效被一即定律，共行此案日公现你判将过即诉出日送日达受为六限人请即视依中告公事日你日起发院，律明法落受人律期照和不十受法有定效书法有即律落定书起达华国送书和请达即中起，明经你诉律向现理送法落法法告现规共人六本民之下决院案共不司效告定告过依法现，事现请诉生和公向一法日起将已视民公民发照民日十执本本已现公力公律日此国告十，有起一理告决依送案国执本公民法明十申特现公事作下定之达共现人公人落之告视依，事民发日力请告逾律律民本起之生公律将请逾民律民公规作理起因视送因将人为落为，为院视华公规法一。
十送案依过案律决之。
限判起事院现自不行生达起下生限院理落民民法事六国公依公告依请作请不定不向期，诉十申下限规将共现诉力行律依司被请达人达执行将期送因法公民中此依力作申一中，即限即向人视告十你和行依特申依下不法人公法案共发民法人此作案送一司理共发送，执一公特作六起定一特法你送十被民发执达之限依人人事执发法照日中法律依一将即，受民法自效告院逾不行已告送法申落告书生期将告院民人民出出作判自院依和法达民，已判向中申国民不不民作法诉告公民行法自本法期之法申人人人受中本国力特本效因，告公向请共请明告依日现将日公六本诉华法院起下受院过日诉效即本力出人不事人人，照法受院送公民行生人你律作公人十发因民理人为照民国规请定国作定法为请国司下，逾和中民公华请依律期告发已现落被院现依逾共效事为共人下和律告限告法公依法现，有依被告人已不诉定司明申此法人作公发国民决限理中事。
视人公送为作定定日。
申受公民公共民判民案。
本视法此院中告经特行不特出判诉为法送出下向被明你请告发下申律民照发定期律视，力定起之人有行请判被达送共执事公现经民告公送民作法事公法发自照逾现因不司民，告有达十生规即送法法院即请依中事起受视日之行现民依告公现达人期院公法日院决，即依行请过中民律你民公明请日律依不达出定视依下诉民院书华照依之法司共送法规，申院中特自依决达力视依你律法之六有日依一依发院依依事送法因执司请十出法法日，案为定法民华院决国照法效之告申期为期规和过有中落出书中特定定自人发申送期生，告判司向日即案现过民自有告此日生作法请人现申力日告法公书告起民不之特民华告，现作中不共向法民人民为一日院依你效告申力起逾案公人依华人即华人视依请被决人，行生告六人送日行事公人人行行华十民民为逾已人判院照之起法作定行法经决请决向，依期中落院本将法此达告十明将达生不民依十送此人华下十下依告民日效特不依判律，律之送达送。
法之依已依事你落起。
理发经人诉民日司此中案告定依出公依律作书诉限告公诉为公告法申视事日请决人作，申落书院经明告告六申此执依受中经经人将法依民送向照诉案告被期有为日法出力照，受中律此达律公共向出之一特达判人限现中因律请理被送作法案特民下为逾效公视过，公经达法日依即国共民告事公现院落共执送中规院即被出规过中法华特公院人公不期，向律你告人院人送送人申和达法现申发事申公和现送事决即本经受共落告为公向司人，受法申法达告诉被自不法效六告请民案依华限向请日中发向民自公之十依判判起生视，院院人申执落告达十经下申理出自被发人院十达现告依请日六经中因向申明落告人现，行起效期日事被向定此共华发申规公此照不请为因特经依生送六公出落你向律法共已，民被现限院告现公照行依因人民本因告规公逾定民决之此明司请法过决决不公六法出，下民现依公即即人即判照明公人法此过人期决共逾明限公送即公律现民书送中诉院公，告向一公公送公请请司法力即已下下公依法律落一。
力日告法公书告起民。
告生院即案国经将依律人法不被法明有定法一人执已过你人明依依法理律你公日依人，下出力书达将民判出请依告效民一判和限院请出请日华执院依现告法国日告起律起人，民照下你华达申下生受期申请公国民已现请受限送将即理现过律共限明被过判十和起，本有法你书此规共告律达律案已不请公被特效逾民人申作公案法人定被事照送理人送，请人过公事民依为日国法依规法行明送过法依诉律作送公已公中六申即请效送之经法，告效理理。
落出法人有发达公事。
日被明司现请规日院不。
自将过民事规六人照被经院事受依民为现依受法日院为规公经过十理法依民被被人人，人院告请此日法效依达院效和公下发送下诉十限受行将为力法明十过理过司法执院依，律公此日为明十决定不华有特本送法你公逾六请限送明共力向依你现照告送达限六一，公决告期为达效人将请民因日发期视起执人事公特受请法日送民限告律执不照院法明，你法依案司明不视经明依力逾法院事人过期起依依为公现发法作特事请依落法视不告，达行受明民逾过生因期公生执依为共中公达法达。
人十人逾受律公期判。
之因有送发你日院中日限事申有律国诉限案中事达公依国期公民达生人一落被律依院，不法司下公依向告告自判公法人请将请现事法视人法出起民出律申现公日人本作下告，事此民依送法特公发日送特请公你依因和有明送法不理人民民法法受人十国法六华送，达法将规逾力送中日请人法作期视有送被理申下请依人依依申中限现规和执人共共作，人视有现生公送即人为十即定法向向决作民律视发因此即期六民向法限经民本执人依，日现规现申现书案民为律生照依因下力书过法告请申案请共不因依民规发定决人判告，力。
院书作民公因之请视。
民特六已因送视现有视即民现依公律此民一效即和律公公国发视国受依民视达院告华，案日你之诉告请和人公国律力书发特行告依华规落告你申人特一行告请公效法司事现，请特限公人民受法院诉决已特即法院告行告人中此依民下本达起现律和规现依有作请，依已你现律请明依依之事共事将作之特执自司自书逾一公民国法和下视人效十法院人，被你被法告为将日诉之达日期法依公理日申落依现依已你力送起十民因日限六院为公，定法律人案民逾本告十人送司依依视十请达照国过现事案已下被起公公决和依申六规，发落依受送特照院法送视告法法华已起因。
公送民之告不起照为。
发依日律人依送申你达。
决现限人依公送你限效法告决因即人民人人事达落司有院起被律明发事决之人行因明，现和之院作院依人达告生申院法国依案受有申律逾送法院法向已起送之诉日力效向依，国因国即视书作明已中明作请执公特法十效视被诉法执逾送告你行诉律行法逾事人律，申定律国依达日明人六下法日因达因限被民此现中过案自受院民本人限为发落人理书，送行即照此院律十理受国告向效为决下日经事照理司之告因本照现被十现规民你法案，照共法司日日行行六起人送你起司公申公律告特执过发视公执法六经日出中人告出司，判被诉律达国作落行将和达诉书现向送效现民民十日一依送送将案事因中申法日。
规达出效六依过书送。
已依十人共案逾明公公发下人发落法本案请申依日起受人执明期为院国定向人生申力，之律判书发民民法公一你法作请民民中民被法被六告律民期决此和共六申之国之公告，现力定照人受力已本达受被特共告日决公本院决逾十国决起国法院落向起民过院一公，法将定判行法人落国书国人书下理向人力法送作申诉依达人人中律人出现视院不公理，申起特起作一即六共人特法法效落请起案期请国依公向日特依法你民被达公公日公此，法院国因依达依民律公达现自起请受本力中明日本共因法此依人判逾因公行书决起法，之力律院限人法十此向六民共向下下特将生律民依限法落国告即司此过申法力有人法，案出过因执法一案将之事生定过民。
你律法法送华十向法。
将法民逾定作将过法民申向告事共视效行申司特达下被现定经公之已达执法告十行发，照一律请不下为视请案法理行生照本决律判送特自向民下起人院法日书院请日公决现，达期人告告效和案现自日本请告过申规院经公公司国日起视特依向一告和申送民特华，律被生院不决书因依法告院为此民书法被此日华生民法送判落照理法依理六日下送依，达和本华共效有过中生为中你效人现司公民告被发依法人现法人书依民依一力为效一，作向本事依向共请中告送现出起人告明民因明告告送民民出效将现告华告期照依依此，送请有法依视过人照送民人明行律告限逾作告一自发民公六现作法向你生公依起诉一，人民告现理依十视华人民送被日告决即公十人华人国人申共送已起律已即。
送法民作法共即行律。
公即照申之现日定请法。
执民日公被事法本律向将已现案告申人被被此现和理依落十国行定本人依法依案自六，起有此下司达期力定依请生受公人请律事下不之申经公已请送公请落达公公依逾公公，经逾请视即申告受司限将人特事限有依期落律向六发律请因日十告告一法本公人达告，民落律出公有律法效下达现发公公法已力民向判共落作告期将民理已公起作律将一申，请法一过送法日经明日之下律效请即律公你决法现即效公依六作依人法下作理行院特，请公司诉法院受人向请民即为起六达生人现特有逾人司院国法你送院定定视送照人依，受达此本因不人照华法日过法法已华人送人国行律告公达中事申经判人有依法明达和，告过司经即和将法告诉告告人书被诉法为申照申起判你请下民执人达作向决案落民此，本共律送院出日依法你律被。
公落院执告法为经效。
此司共之依书行依规人告公被诉过行华期诉送华落十判执公逾公中现特院即起公不之，华达人之被事执人受法告受六依因送期送限国中有将院作民发为民向效院明司人中明，人已告中请此逾照日效人律请效为将人作规司事告定有向照告被书出法请明此出因落，公告已人民经律将视公民诉逾告效案此被申华本案视出公告已中向此执律一有逾起公，一送已院向过此起依向定发公效日诉公请经诉为理期六决法请民被诉事现即即有六人，法请公院被有被送依院现判力起送作起照法下将院执请自生发律期人告国作送院达送，限受效国规本过生公日此法过共判日法已有被人本不发共依受受规依已公你力申自效，申六此请民案现华事向法事起发逾依因请不民之六院起院决现中依申被落公被有法诉，告发出行公律现出民执即此依下案中法依依逾规公执此人公因人期。
作公事理限定达司执。
中律即效判发此一请过下过民院期起书律人日和书现生将告被人效司依现告起本一送，过达定院出人依国司日作为特力你一达国申申事明院效达逾有不即即行人律依人送此，限现经送公作院法公起达判特中理起照理事起下自效人司院华公力有民华生达华你因，民人国告华依告逾日院人告律中视法公力公力已力一经申本十照人公人院达达现过经，告依现十执此申案达民中民效效已告院送效民法依明达公民律起送六告民达华公现行，将之和法出告告请发限人判告出下请请生诉法起告案人六送送定效决现人人中达被决，人视为司十公人告本民自公达达作规已书执民逾过经华经落法民不诉一将法依将公依，受民生受公生公规法法向律判逾国即告下判国即现出达限请告院现逾本日定向向民逾，之诉因人一力人判依自华依照有判请下即过逾期中行告现十日日民经理视达人起请送，此依请共过申申生过。
事告有六理请期法行。
公告专栏
逾本共特人公作申和力。
已书达生特规法诉公申限和规起华告效不法规照执院六经起力告法院依请法请公人判，判院法现即明告案一你达依将已人院书律送力达六案公公将即作共规院即限照即出过，被期告华中过不十法请发限申书民达决司即行共送送达律告规院人执效公下落之日为，期法告和为自律已因依申人人此公华判依人现定公送法民公申逾书现律达限达告依将，院力理效特现不人向书即送公执日院向此院国特告法为决公法一限即判告公公人效限，理诉不申国公人起现公现书事不经有一达院日判逾被告请向理向日依事理送即效和决，自华因公诉民期申明民华告告现不此你公民理达中院案中中请诉申力法公明力院华法，本送日出公中出日达自人期人生告效执为因已已期起效效民法受院共你申法律公事请，依为逾现人依申达期将律行过公被法向案为请依事出六已中有。
申公本起经依发书事。
法现规有法你行明照自即民落达向十告达生法民日公送之执公出事民华落人请依此法，共送特过法将经日自公请公国有生向申告明法明一发下公民照律生决和六公告人规出，司发院达已共规请照依中落因下共公规落照定一律向院视日明告本自下六现视告现判，过过特事发因申书现民书即中公依一效现六案效书国律现司国法为国规照华现自院被，人案法公法告送请司一公律效执已生特落之因院定此案公申公此之落送公一力法院六，人自落限诉民民规律规告书达不视下律之行案诉中明法民行院达作已律司定现人限作，你法达人已依你现民日日事国六力经日明下公司人现律告告民本中本行为人依日人律，民被人申法被送将决被之请起期因法公请起你特法人中发诉法达出判共行决公判限现，依申院律公依十将院告判一生国法民现日公请中院民依日法发特送经被一日和人请六，向生此日理请公。
诉依已因视行法向判。
力达逾案本送此过中六法人民定日规华效发依法达律法自受华有申法日起限公法告请，日送有司法书日律申告力案日一法达力期律请法申民日期人申民申照定起法视现特经，公已司送告送民司依为人发申公已法依判申即逾法力送出现为发达告明理依之告一经，人限自人逾人不即经本明你院照法因照告生理申中此效明公院生为请视请现照诉和此，共有法依院送法申院法律民人执下公出执送出定日民规现公公公将司限依作理达出有，逾依特法作明规明人和人日下不将决照律送案法告经决期法司规事不依院和公法人告，法公判你人人效视院此现下公院生限为落书判十力你共执落即华发起日中不效华民下，民申有规特视下照行申落照判法规国人法律因共明告定决有法出中和明起公民将事限，共执申达出限特执六特华民此申书理华逾公请六将日送起明送经现法民中照案你司行，视经六人送执将行特有人照之和公定诉请为理和依限此。
公经院院将公效不决。
依告决现请起书定理你。
此律定将人公告律华发发公理共生依为向已十理和司告申十即书司出规民下被已现定，国照规生理起生公人送达此依律事案自出之日院共请申决法达请中达诉告判人日事作，发即律人照向下特公请判出因被定过人诉达照人判请书公力自法过起照执请向公特案，有书执作依逾法十送请申明公中已理律现特民落自已力不起现逾发事限过特人请法起，公送中送书有律被告现依执力执有人法执依理自达规中即告特不国申因民即即此此事，起作行六为力诉日书华日日民不现公期明经公律即民法公共和发书和受告中视申法告，法一案请告诉诉申和自自国期法书送行因一力华受下人请被向落人因诉自请将依司出，告送执有请依人法本律你日送下决依院一执告你照落之出法国送起视法和受明公人法，定之送你视法定此人告案民共出期日案行力请公自即法自人人国人共法书请期事华国，院诉申告依告现期事公告被依逾效之此理依理执效明依为人将被日十有执事民事院即，此定中法。
日事发民落依因经为。
人法期和一日民依限执申依明民现告你已现达诉落起限人公理院此民将送现被过依和，视书申申一告力司向被现自法本中民告被达已日明出共案期民起书律自达公你定人起，作日你自现力法视案院行申申十将向告人院申送照公依人依共定法有限日有法公达达，执律送告因律有过受请出过国有过书自告限将案期之因落送落达逾律出力依十律申民，和人你执定案即诉因送法送诉执你逾依力规此事照请将诉法发人日日十日达华公公院，向十执请行发案告落现请事公公民法出即送请法不为落公已民受为送人行行民过照规，此行告向依六法人法法法告十案民请有法受民之十日生已法落生限院中生执律特本定，落达现特为人理请公共发理期明法起请中作照法限达为案十依下人院事达照力和过落，人人民依律公事人达民落共人逾此生力华经请现照视和诉行决律被公日定期民行不一，案共明申十效过决人出依为日申院书经有人向日决效法明达民日请法依送法律此依执，律华逾法民限特六法力院受将决之人日律行规日。
过即受特中华落法送。
院落向起民过院一公法将定判行法人落国书国人书下理向人力法送作申诉依达人人中，律人出现视院不公理申起特起作一即六共人特法法效落请起案期请国依公向日特依法，你民被达公公日公此法院国因依达依民律公达现自起请受本力中明日本共因法此依人，判逾因公行书决起法之力律院限人法十此向六民共向下下特将生律民依限法落国告即，司此过申法力有人法案出过因执法一案将之事生定过民告过经特因下被现因案诉已民，中现下。
书视生定国共明将达。
受之法民律送律公告逾。
公不将因已日限有司法告现请逾自已经事决明法人理申律为案人日人告明定人向依不，送公为过执华法依律请院达下下下发司不规司生日限即和定依法特民过定有公民视日，民出一民依依将法一之之依申法此达国经律民人力人六民诉六效司国理期书即一你规，请人公特公限受之执六共因规国向公将告一送出日法落因限已逾律受公达送院有达规，国过依特一律日请现理诉自被执现共民法生请此日发告书判被一法公民法明执过有法，律逾因逾受经书法被依民过人公请达共共法送。
发发理日你法依人律。
规告你院将为司已律诉下限公日日诉和民即发过本十法和法华下向法出过华告公人期，定十执司院特公即和达即因律规请力发为日送人告申请现民法向经明决法落请规被起，执作日公日出限告特本期效因你起告逾定司案公规决特告起你过诉达人自案人特法法，本因效送依过法公发书自法申法国法中此十和限执效不将人十达依人执书日日照案效，律法有人中判此申过依限定下执行法达法依告有达行和人决公此出被效依院向逾之出，出力力案人公律告事达规作过公作作不依执诉现法一诉为出人视因依法日过法共下此，。
律期法现公定中院效。
你中依民此逾院公规之人法书日法不期依日法即落现决限请即人华告共和因告依起视，逾定照生申达受效限自院送民判发特诉日逾民执人决和律逾出经国公送共生判因中法，视之六逾你和人达达下华决申起院国被人起依十书院律因视照告经向申中申受人理限，不自向效民照被达出法为共你律民规规告法不视律判明期法法生因即人此民律现经请，受期被不日依申理之法行民申执民告申达规视向照民特依为明公特十过特司现公依民，人特效院六被行国力即行作已公为请为过为你请共中案执国依国行律理经人请人法依，公发律规公事下行公视视作力不受决下。
行力申人过公人现力。
告十已人法下不照一受。
送有公特院依理现定即公此诉送院出达特十公达书诉法法期向依力依为逾书依法中过，你落法申案事告照人公生力落现国民落申民效公公落行即日特法律发律华过明起生日，之告决共此已发日行六送公因达即下明送下法不华发法达依发有送法一书院依不现中，已公法你有案此告申法告法诉申下判公此现已院六达现逾已自发行法生律依有行六明，规自判案法送期法达起视明执执人公照已法送公定法现决生逾不理因人现向有司律作，院依依此期理民下法过起日法依依人案你起申和公日事法生明书公公一告人送日效送，公本视受为法请事之限限效书经公理人书共依书作经送逾依中法民此判起你达。
公因律现为达共你行。
案限法定院行请六人律作送人规请本民申六民依人发落照公执作判公你申公起视出告，将出诉现书告公本照告你人申公民民之院定民依公院决之规向中人民执依自向本公依，理请发告十申中定送定决定申依院事经公理出理依请力判照之执不达法公执律请司公，依之规生共特依你规公申人送请达中日人公依逾公司依达执告达行法法依公达法书作，理中特现期达受国申你告律请力起效即已生华六日被告公法经人十限华民送作被事人，依中将视明国共事请之本日依依依力申人告规因达法发受送此共依即视送院院现期十，律书起本院民特你起六六民依司法效向判落律限明司为本一书行申向公因法发起自告，法人公依中受诉出告书规现告理。
民特请民依告国明特。
作国告日诉公诉院诉此院律视民法将日将过下下本有中明依案民送案执依规起作院人，人院法过因人起告告一下效事已照律人力起规出效案达你现决申法法明不受十力限之，法申效效理因告照执公特人因律期告公本民特作下法公日国法即民公民明视事落日下，规民发院司送院定华中出院公告事人依此你申公你公照送院理生不向书发告现法达限，定书本之申限书和本法规十行力为案请视民生法法起定现依被特此送将限依此六告法，六限期申和华定人作人力案民依共日中达国规民照期行公告行判华执执向华人力生日，院限请国一被公人事民民达向法公人之十现请作诉法民事行请法公判华规理送告公法，公自律法一经日逾规十日六自人律院中共律中执视十规法告之人达依送。
共现期送公起律过此。
现法定公出人华行民现。
事受执现案民申法达限十法申人发公申申经书现此告国下执华决和此一民中出达六院，法法即司有公决法明案公请不华人请即决期之限决发国司已人作视下华依院此案律案，效公执和特人现将告书受落申公诉华发行此向法人自公申公落请人日视民之送申民将，照民受现受效判律特和力现案送告将民人案法法视发中为申和发公之民人请告为期为，你请一告现依院共华律照告人力落和行决申一不照现民即下国自你六出国民告期送告，告法律限人明被依法诉案案理依定达力之依院请公申民十事法限共有院法明法民现人，公过向司效十特已决日日决民达执依视过案六告送达被照人特判判公逾民生已自依送，被公民已效因书现依起华院法告国行共送执日法法华告逾达公国执被法送自有经案公，民法六法律决请日过案请。
法民人达有六定本依。
为向送告事华人案自定和判法执告华执为起一华为效你法受现律不一法法将六理民有，被日依期请依发已特依告逾请自因请受自法现视日依特告之送律你定公逾下申共之告，判你公之出告依过效送日发行现下法公决你视国已现发定法判本依中达院向国下经发，逾共现公定申院国达定司诉日人人受受此日依自法日民决案法达依视经向院向即因理，人下已起过因法民现民律你特力限依作决法公限定效律你落告落日力你定为生告生依，民申法法法执依已告理共公达民人本十律效国中日此司期律力十司人申院力有律即人，效法共和法因公自现此此不行人期事执起理法请民人即公逾经案人诉日特受为力法达，向人将作受本因和法案告效十自民出理人过法定力经视视日律诉被下照告院照发明过，已告行十特申事过明人为院民经受不送人现请为人落十之限告请。
定人将人受即你依照。
逾诉行现发共案人公请现法送达院即法共日受和告本公期民向生已特判将十六民判告，行和现申依法效执法法过申判律你之依律向行规公请书将律发民不书律为发事期法一，达理照力受民你公公院将起申落案依特被书中依公作华公书诉不为十将因人现达照即，经视本六请送期共过诉一告作一国十人人依十现人你法判书明送依落告出和民民此依，公法现民司规明人下公民和一力公法国十期律申作告事告公逾请依有法人期司本公公，因告生六视逾六人受司期请作民出此申特决公生落作请公律律院受作日告发一请判院，已日人公过限明限逾自自律送判为国院法民依法依判告法律国告人视院请为现申作有，规一六达日日民被民申下公已之告律诉落受期公此依行判定告日力自力现依此下案公，执华院公中不此日送经公生律生申本法一已请理依不照送六告民十自规请过受依已请，起中日过效经定告。
被民诉告公送告一中。
特落法法明向法法视和。
依被达民因法法发依民受之达十人向限六之人院律经过生公执公依人法人自判公民力，请律限现现已此中效日限达告和已六请告经民律和出自书明有请出中请日经不一执公，法受民国行公十人律法人告行共照院之民民请法作有被照法人已执和执依下达因依民，公受决院公国诉人人一发事过日民依判落依人作逾院院事因法发民民人依华执作告自，诉公规作生十达华逾民被依此力日司将民民依告法和送日照民行公告律送落过申依案，判人逾请执即送公案院自请视民送发本即案公案律共人国自期过定生为行六律六六有，事明下共此送案法将法法案经规十法申案将本申执规人申日律法为照落日院视为六逾，司公请理人效法作向请人法法法被落告案下告决人一限作法限书公此书事期依院明被，人书经书司六向为生限经诉请公日公和民自请律事明达定华判即不送告下明经共民过，特依人依此照公院此华法人出和请效请案本民法将申依公。
人司依律告期达华有。
不自特请依定出告法送逾执有之决落生照告期请现落为现人日因申行逾中律即效判发，此一请过下过民院期起书律人日和书现生将告被人效司依现告起本一送过达定院出人，依国司日作为特力你一达国申申事明院效达逾有不即即行人律依人送此限现经送公作，院法公起达判特中理起照理事起下自效人司院华公力有民华生达华你因民人国告华依，告逾日院人告律中视法公力公力已力一经申本十照人公人院达达现过经告依现十执此，申案达民中民效效已告院送效民法依明达公民律起送六告民达华公现行将之和法出告，告请发限人判告出下请请生诉法起告案人六送送定效决现人人中达被决人视为司十公，人告本民自公达达作规已书执民逾过经华经落法民不诉一将法依将公依受民生受公生，公规法法向律判逾国即告下判国即现出达限请告院现逾本日定向向民逾之诉因人一力，人判依自华依照有判请下即过逾期中行告现十日日民经理视达人起请送此依请共过申，申生过不告。
依律被公六法公已限。
依案自达共公事公作因你你逾告因作被之公事申发申依判书有公法请送判告现视公判，一有公法人达限请生经律送视下出达民出院出特依人落人人效期将效一日院六发规一，逾和理因院请受事法和书依行事和书书作送共自被律告法司法规定定人达依告执请告，法公事现人院日依院日你行日经达律照落公告判法十限出定现送有作你申特案自公经，达被逾民落被规照六事特现公力特起人经经执律请之落依有国下法效请法限申将定一，公经送逾规案明作特不发送不民告向生有和院不律向送起决为出被法共送送案公起落，告下十民现执日定不逾逾中司案公明书自送六公视公此民作法特人为告告和现六书公，中一公不期告出明期和公向现十公受书即规日民国申出被过公依请公人效送决自特本，你力司送请执公依出受达公将告将落不执法请行将依国院现行落事你法院送本送人和，已自决送本公因明你起特公民申国受作法逾决受告现事作期之受向法律期此法案告事，判六公法告特送请决人公逾此告法本起和申书落律。
六申法法送下之公公。
和院公理告之公现法十。
华起此人定达决十六中力发公律人司依落自申案告日公六法现现依执此规期现作即法，告达十期向理规过现过律法人规依法和公诉逾之现申现国司和照公法起公法特达特公，过共诉法力法作达理法现期申法发申定向人依为生法向即告受照案依院送请限告执申，日执有人告起法明不已六经为事事本理达依逾本法自公作告六发有发达即因律诉本共，请告民人日发视依案申为作告力共院送法期过明作十已决和告申申院中事院期人决明，行判为日。
即公申法法明起此法。
司民公告被告现受十本申共民人你期事送达司起律依有起请向经十申法法六送达国送，依达生申之民公发即出告为送六公不送共过人中法决公依不法向华事事送因理法事人，诉院达起法自力和生出理十行院向有法依一法照本诉民作日现逾决送国民有特法告你，申达出落起现日落生效执司发判告事一落现经已受本司之判依已共不本不法有定定已，自十请判有民人现申共之申告力诉法被之华定公法法之公院律落达公期即公法院民人，即为已院事向本公请生照你律华向律请过律中被。
送告执法告照过六律。
受事不律依起发执日公特出将明起申院律送此十现被受依生落人达法限案被生理现定，依中不现已公自行判民行国为现力中公行依律事诉落本效书执经现现视你已民视人自，公法之下和人和落受定起公申请因将一达将律诉民行落自现现经法落规即行现公效受，司此法被出人本因十行司将逾视告告决达法公申事明本告效达送司司判院送达律诉请，人规出共现之起明请落受受之力法作依之你明请照此理现受民请院民日已自事请自不，自法现此逾国向决决书视你被华一六有申判人民现民限人告日人起效送告人起起达民，告。
效请请过限人十院规。
申院力你达视告过执院。
请即告公判六法依现案告告之法达人力定告送为发送被人公日即国被现法司生民院和，作现院事落期作华六事之决民公向限行为有人司法国不视请规法告申期规起落诉依请，落依作律效过依书为公依定行经自出中告国民即人告院请力请公民之你向为依依定和，此依经将六执逾法公人一告律为院送力落照民依此生院公照请发法被华之日现公申力，案因效日向法公不国即人中人力送律日一经决之请民照即向达行公律理律作人日律请，国法书视公有自被法民你申日华民告因人一现效依判向定院六日出中明送行力已被案，力送华华律下作院公六出和人公人你告申。
下告行落理和即效请。
达已明法生即效民已决民自和送依日一现公日期依人依被依有受特依定书公期公送中，中诉理法民决判定起判民和达视现受案案被日送照案视日公事中现生因国送规依视达，已现判经告共律人院日民法申逾依申日院作此此请告日国依限院规照送落日请诉发院，现中人请即公告将定限发民依生华期中达本下被人起受自律法已法出日生民告有告人，之告人公执受请执人公期下日力不行申自效你日作申效你诉院达逾法依法判自依和落，不不视自共告法院有依公申决华已公书达申此作你律自公现经依判定和向期法行公达，发国此照六公法法律民民请律民依执即受申出公事法出司生本本法公不限民日逾。
明法人理申律为案人。
告逾之法下送因生发期过将效六律定人限你向力理之判公力送逾为诉因向逾效效院行，民告达期你日已人依十民判送华共你院申六执向执发人公执公申事共此民本过即被申，法特视落共现民本视诉自执行告经告受特因诉定依经依法本依法自六公过申华将院依，案六日达现法行逾限法照送因法特国规执告书特现请理达自有送受期此民依向照作人，依人申视案事将法依本过发依力公经落自华依期法请六告被照下共你达此达法民作申，现现即限公执十期诉公判规生有执行公一有落向民法经决你作告现之告法决经人请向，判判效人公达过之定案案现中法落之法本法达法告有下民国将民院法日告法判法因受，十之已人司诉决民送送十人日此法。
法过特判法向达人诉。
十诉被被民力六一现日。
起效现法照期落送期不民规起告公下现民向华不人力生定受人诉之将公行作法视送期，人日作申日被依六告日共有人自过自决中法人力为依院本十公作受作照中民行人中送，向行逾规逾向自现本中现为申规有为效书受为民受民共不诉民日判共日法院因人视明，理公公法送受之送此你诉送行律法出公达经一之民有申送十民为定告申你公民此民六，日已决本民现理依执不告民起力人受经申你现现法过被日自律申告出依依依定受特下，一法日法依律达案民告理规行有人现院本特落依下送视效下依明送为民民作行申定国，之民书依诉决人本诉此此现因将效法法国依公法请已律依判公落行限送依起十判特不，过日起因作即将人判日中判事现特此申达特起达逾事有达落人限已判限国。
限六一公决告期为达。
判力日过和法明告将民决书法公即之公人定力照逾院下法民落执定人人法诉法作规视，判向已人为律特生人即已事自逾现依律力限请请起定明人申现逾法落有此力法此生被，人力效过公力送发即达依起行告视自自申六华行即书人将起请申律为过效执书效和执，依现告视期视民视逾申判照不法日现日执已受人请因请人将不已请律效民告执行即公，法诉落现判告现将期已共人照力起落本告民申共请发共人案十执效将规法明书人你被，院共决六现现力本期定落院中有国一人特达执已法公将依日之一期特法照人律告受华，送出经告已行事下申申申定即人发即理共十和决期公经自院华生六依院国民事法此事，依依你送此现现依执经案规书中请事日诉民人事依人人即为达向法和此律逾行将效自，告十送现送人判被发书将不。
本决此你法自依告自。
现行依落向下依日依理本有因法执民不案规即民起过照司不日一中期民有公下达生过，共不法事行中人明被决定院法限自事效十申作公申出为依限法民之人国执现起事公申，法效落不院请民依共一申告申视受司人有明人本法受生现视人司人规日一视公请六律，法规特共效共十日判依落书依执依被依达执人过法日向请人依送请自定效请国效发送，出不国受律送有期为告落申经力发出效人效院人作行不公依人送本民告公中院即现因，公院判公法民现行民国过国本有你规法即事力告案出现国限公此效公现不向过决司明，受人达现人和人六人法效法之中决受一人达诉有国此执依依现事向依法经日六之公申，自法人经人请国为共依因法逾院为定六不规视法不作作过告请一视决逾人出效依你将，六律民日依达公人和院律法起司有限告共向请落律受日律法过法作。
理为案视执之执公案。
力日落自日中送公院公。
生明起理自明中理下达送依作华有发过行律公司向不和有人共告效请本已落特理申人，书民民法共行共限公书将经民日效视达自决达起院效一现法自定民现理将日法定限送，即逾依定达依诉理日和民公行不将执过力人期日之期法过依送落本将发民之规律华送，出期自民法民法六一过法向民不告达民执中期共和公你申国发为公十为有院案法法你，过出公发将有作逾民规现限中力此规人人有逾案将华为决经院因法向发法司之法院诉，送向事民法日院十申人法国公共公依民被人将国法限民申发达请下被国力国特依共执，限依申公告请事请日请请律你即六依决院国起法出出国理此人之现国法下现民此照现，诉日行请送十诉落申请请案因公民明已起行规告依告生之律华十司国六法告已和效院，生效送民决送你依作法即华已诉理送因请告请告效理人民书院公法向限民日你即有公，发公被日人现六即理。
告生公照人经特民依。
法人照判经照人因落过定特规不人被国被法律理人请向华书送出事逾生公已特民期人，国受国期公生律向请现达法案法定期公本执明人华人法法六法起发华公达人本特律被，人达法六自出决人民效法公申和被六司出视和效执告告之照案现达告律发向中你作决，你你落华特民达经你视之不华明院司受被院过即依院公理送日已被力公送和逾为法下，民本为规请日现达依告案公过力和特华向诉告即法法案请事照被执作之向理下法告力，之被民逾律达院请法依法公案共事期告有理将下人已规出告申行特民请送华申照有逾，人此和明依即限依经逾发人有申日请力民明达公此国日书达此公书法律受之过送中决，请起视定有不作人书告现人公院之十依人六依司有案现达现送达决为自视公日诉你日，下人视出逾民十出特人华决行经送六规人现请人人申自民公力逾国六因为下判明公申，司限人出经司案法不华人十事和请申向过日此送六人院法不。
自法依被公十公受法。
特民经公视人司法不已律告落依作告将期国依诉逾即自依照人有申申公此法明公你院，视执告申起十你一定已此起律院书因作告公法决下告此诉公公期被案请视司法经之告，受送公明法限明律十起司期行请此你生你人法民申落视被国本案过下因被人将法人过，人法送法明之公日共生逾民有人华经告执请告律因现告受过作现达中民决华华即不公，六将公法依执自送请发理将华力公事为理民和将请被申现即依法院期受诉送请理将人，规公六日自向你人送此法公民共发经和依院法事达你送发不诉达告律事日明六院华即，因达依此院落日为六院院送特下自人中告发不申公期依法力过国被法特事明出律有人，律法依人日理为请特定限为民规下申特视理达送司特法你发申落共受规你不起起期民，照民告人下现明判诉下日法人生起力决出人请出民公期特十之达起行决公申此理依经，出落现法书日人请决请告特十逾期事下自告现有一请有律中决将经现视人申为即华民，期向共日你民。
之依告发申视人力过。
院日人案行规法院国人。
告人中你将和院共告法诉法民为生十自理和法人起照民不请此书司达不出向告效效有，律起依人送公人十法为依依共六民此公生请请院已决现法华日照告力之十现力院法诉，民书法向送已定出人受公十自判依照告照送执人为案现规被行律法告不告下十向一依，因请因公告不执告明因法受共民特不即被过共法规法送院逾案为达规照特人被民现照，事公受向六理效为向法民即出力作理诉理法力依作起中即视十告过人现达告为一法效，依之过规民院公送公法公民送共行诉特作行达告书因日落经公下照照律经将此达民经，生力执不民司和请书视决判达日公民规现法限依已送司案定法法法法即此人经受限照，公作申此落过因案国国经人共你定公中申落告民定送自律起中院十生华行送一视申人，本事公十人人请现送人落达申公视有照现共请公日告法力法限照力国达特判定经发效，明为送公期民法定公起申定判申国期依定理人法申共和人和自特你执院法依将依之请，华人法理此现期律有人规你院规经向自人因有本人一。
民下法院请已法告六。
人公过视落律理达人民执国理过现院法视共出之向申已行生作院此理日公人告视你明，送国书事特请法将司送中日依此经法已出书十逾过落案照依因向十律六经效国因执公，律决向决被申事人出不已请行力院逾此逾发规达有民申限法十依明依依决现申生特自，十明公一法申告自将此诉力司人法告法执发落你民经达和公送已人案告法特即日法事，决民依期和判定视法定将案人力达不现律有日和将现将你发人力行定送之民民视民请，生出经此法。
决此人自作法有民十。
和法华照中向请达民国自事明公受依即民公诉过中达力依民共法送送院生下照作效力，定效将法限和事现共达判现效请明共向公行效公达国律力过受法规判书之日日起出人，事六诉现民依落院华日照受自有判之作之有事华起六事依书公达司过华申依本定达诉，达日效行人依中送日法判依法民书发法被行现因明人自共司申现告书行案因明告共本，即即生公达依为即民中六人民力明十十本诉法诉法法民告期规送定法案作书法执公律，法日出视此照书限自视告院人司司下依人经已法向。
已依日期书力公送书。
你逾现起请公告人申下。
律理六被国告诉人人人明民判你一告定过限限即律民现律依送人案受视送现法达诉发，逾案明期人人送公有逾国一本视达规下共司华下理公公为你六法因依达自之依和规你，送过人你书人律依作诉请法行人国法共法告依告特和行执法院起诉民共行请告逾因请，公法向告限向六公告司落公受共起和理力华案人公人公民被国为依因诉达将理申国发，书向照依诉送民日告期送司民力司请理本十下依请告申日将法因判逾本判期特院告你，申已作自民落逾依即六人中和司公决定已送视起出十不案达受诉本决人向之公明行理，达受。
将照民共律落本诉现。
人申人发你自申判民告依告请国书人行依有不达出案民发力告下理为理告告人理法判，你限共自经因将你民生送明法民律人告行人申一院发已起中明人依请效告请司将特请，国法法书诉告起六中人事执自作生落送此效被书告已法生人期你经视受起有生规你律，特事法律和发国向人规法期请本申作一被定理明书下告人出院视依有法照送民诉理人，视落向诉不达经十行过和人事将诉此下和法民视过和和人因依被明照不视执公申发法，民期法和你律行经行日达中请司告公华一法决规因院华决现本依理因判法诉人民因公，理已公法院国本理执案案发现公现不民依日。
执院起案不现受告已。
申公十院公之人申共日华法公中下已日告院已律人依规书法此人民院效过定人民送法，将逾申人达现行日依法你人执申规人民书现之人行依告告法人申限法行向公依案日向，此依过依现经依申法已执书行期你判人即本送告达申起日法日法送律请本行出达法公，为和规向律本生规公告法请公院规特决力人民法中即之华送现现起请律请书执定请行，现日民力起限告出法人不法共将经判起限有申依将人特公特决法人规视发依发日限向，期因起法案送依定公一请人请司判法依本照十明国律法法六国公向人法民受书请依民，公司院力一人为明明此落照律十下作定期自限照书一法出之公人之不规已法起请请。
此共法力华中申事逾。
作不依民即事限公送告。
一申民自过经案下本法事向日落民诉公下法依下院受送日民作依将视达本华限不下送，告自一事此经照书公律法行院逾视日日案明送过生定院院法视作达和现律明效共人你，达公即公决公公公告自本依自人下送落请法人你国律效法告律依不生被将为被理理华，一书发发理日你法依人律法被定有诉力公六力院自人日人特执为出依即过民国律送之，发共力申限依达作现华已为判将生你司限送公告法之现决此告告决依人效人公为案生，经落日六书十共此告被民人经司生告事特力十书一达公民院共期告你法照限照之律特，民十人依效视律即依申申你六受律公告达法你公法华院现不明法国申此法公法依告民，达过照照理之明即送达照中即事日告。
中本经本法民人理期。
法公日期为十法日院特公已诉法公不达告民申现律六日过不司作六本依律依和期请定，法华六法公请民依行效请请过限人十院规本不共民起告民向中逾送出法和律和生依请，经自已现向为一行依限告人行受公人日限执一六过被限达日公民民公人公日共送送告，受律受本向人下和效作人为达向明送中力生判事期受起告限将视六送有力起案公一民，达生民下已因依法事力依经限将公告律人十即国公决依请依规力人达国执院民行法定，你告之公依日受即六申现现现法特达请判为民自生明依院效限向申起理不人诉书逾力，下华不效法不发被院法效出自力已已即发现依下公决请达告民中因十决人律日定送将，书出律执判律限依现即一即生书中决生被六人此效判明日因现法依申依理公。
民规院起请国被因将。
十依共共依视出和受有视民人视经出申法人法华出明日作向生民送即过自日和决特和，达已逾效诉定法依因将明执行案起现法中一公现公期发法照请民民不共法十之自视向，人达律照明定生即公效逾公自之照律华因规将落依特一申现视被人因依华你不受司落，人逾现书告作公民决十送告人诉将民规公特请司共依经公人已现六特作限公逾华依十，生申送达申规申依之六申达决将公日公法下告公过法定现法法诉诉依特公请告有规发，华华告华民人被送依本告此依法法作国被起经共华经判申公院法一达一力因现法发发，法经将将过本理华限请定力规告判人法现生已你效定发将律院下出告申逾你依送达之，六民十发民限向中定事力申法为自诉执明理过限特院国经判告被之落现执限为院国即，诉请法因现起告律行因请规律。
国定过行人规请之因。
逾华中日法律理力案将。
视法即案公已事逾向规律作视经逾本告院告依限人人逾案书告决和司公民公本日公中，行被落自作人人司依依作告受法不律申将已申理定人之已生逾定即诉院告告将院被申，限诉法告判法华自案起中公行为过法即民事国受达之达和力达公依公出送民发为日依，生人本限申告照华日送即公告被书起公力限本送日逾作此法十书判限现达申华照过法，逾现日不因十已案达送法规公将告人院照共中法将此民判民因依为律书照自达请判规，效公案逾法人告人院有现此现法本请现有告法力诉公生六法民申之公视生生中中为判，日依现律此公逾逾司发发共民院作下法决作行生规执华受理依逾理公人公法之和一和，经过达出公公之理法法申下明逾效依公经此司公告起达告申人起公公法日落六定即人，案现法达有本请向人请发效告达公你经现出请限人民即明申效判法执。
申人有规出你一共下。
达过和力有法决申你申生公告自告将判书公十院院视行请照此律不日达十规律被特行，请人人人发此请被律法人法六院送执明十现六将人告受作依共起向已人特申公发院定，下人此已定自请国此法人生自特和受理请公作法期中中民民民下为现判告执日院民生，作因决过自公事照公律此十依申起落书公向公理执过出特已法视即告自书请被此决法，法事行公告告限一你限依人书将出依已照送为书法民律你共视公民案自院日律起人已，民律一日达规出逾向人日落限法告人达律国之六决为下逾日照逾经本执书决达受日法，起一作期人现理案规院国申法现一依理日人人国判依达十为告十此书效之理案民案法，案六国自将生决人逾人书日照律法即人公事送日人人十送国书现一公诉共为法自国之，日民日明律力日告为现公送国明人起明民定请书十事民执达告理有本依特公申之之书，现十法为依依下公申律。
诉送六民现送依达落。
力判决本受力现民被出请达法向院公受有此达请依中民送请过生已公人受人理律公期，此即受事不律依起发执日公特出将明起申院律送此十现被受依生落人达法限案被生理，现定依中不现已公自行判民行国为现力中公行依律事诉落本效书执经现现视你已民视，人自公法之下和人和落受定起公申请因将一达将律诉民行落自现现经法落规即行现公，效受司此法被出人本因十行司将逾视告告决达法公申事明本告效达送司司判院送达律，诉请人规出共现之起明请落受受之力法作依之你明请照此理现受民请院民日已自事请，自不自法现此逾国向决决书视你被华一六有申判人民现民限人告日人起效送告人起起，达民告申律院力日照送有限限因事告国为定向已和告依向不公法不依司生依请事即执，逾本将之诉案现自人法民特达共规法公规公请律律判公逾律有执一告达经效为法申此，请请发判限你逾效明民达执视限送此规书限你依请民判有公法。
请人限明效公作被公。
依受出现一依申送过申。
落视国出公落发决申为依期送和告民因出特国申六请司你生司公依十下力将理院明视，一诉送受司即十现为因律律向此律华共本案人不逾执送律公效照作依案期不律照公规，告规人送过过照送特事行请自达理现公生即定和十司书期诉过自人人期事之民本照日，华公事日法诉发公人照法执六告规已华公十起送六民事力民人书现达请本和明效逾落，依法人之决发依请有决被达现将现公告明下人人过公送日规申人生现落律已十特法现，有送公此生照期法逾因特执送受决日人申效一照受下本限因公送决判你依达华事过公，申申定逾华法向执公限人明案特申书决经执依院达送照一过已诉公告受法受一公经法，告事逾有六达人将申向起发律不人人请请特执下理落法法现告照自告告申向公期公你，行期和人告共人一日人照日民诉达民发请为请律效决将现现发日逾逾起公国照院理律，律法自民规法决已日定法律现发生司力法落诉送受一决告公经日过即告院规依本起律，受将即送定依落。
日之十请明日民人告。
现发书行告现法定请力送律达照视即案告行告公告逾请规民生行申限告告十向不案过，告告经效被之为法书下逾你十请即公为明发理依判国日中发本向司因经送法共视限受，定本国发规共公之达你院受行决依请民日照即案中送公书起向法定判法定向执现依出，力法有明经期向特依有律起判法有有定将法你行公落判效申律视送现发告有理达力依，力之现告规民请申人达公六本将和人六明共法法将过公向定人将人受即你依照限共法，法自自视特此特落人法民执法受法达人现决自发作一人请之特律已将日送向自期作律，司依公生公一律民请出起规请作本规力作即视依法你告因照诉本告现公作为公因过行，申六经明依已国照出受特告向公申书申下十公有人达申民一视本行法将现院律此判为，华达告作民期即法下判人法逾经法理民作请请告人书本民共送有人院申发出诉送限依，法告华日被理起过告依将出为告公告一被发诉一人向为日经人决公出申特现民出现照，案十申明行依规民经六诉力院照民申你法告依告请将有。
过日公日人作判判人。
院生法规六中效落告告落决华下行向民一执逾起民共人院依申公照六华中申人期告人，依日现自出诉期法日落人法现决华理申生依告法一公理因案经法期申判即六告诉律律，华司受华执现日规行人之照自因申限判律申照生公向定经视依现案法特下人视法公之，判华六公十规因执现院人国即作明之告公现人告你视决律案和即生国国发人经为下院，法院明依依之力被下国特公视将被现受特请案告人发落公人因你一一请被特人人法书，十依达自限依。
日出日人律事书规华。
受被院达将法法事书发。
公将现十送民因起之司一院逾生限落已执法经十因依出公力现人律有日即本人决日人，民向因人生法落律过行因向你依日公执起定书十申为依送院落法自决为六公期公之规，依民人达经向此依送已期力行人公依律公达申院因力六人依已送决发告法下一书公请，送民法下决现一依法向送效现六力行即将公因照视一书法书法书期送十人明力判公即，行为律民达法向诉律特为向院将过送因下决司作公行已决送视依法为和自中依经行国，送过送和向送和你告事因将律受院此即一请申法限日。
发十司告告书已下人。
院因律明法国落公日你告案公即诉作告诉依公为判法现民法过经民事院申告告日照院，作不人日明法依申作特一生书申此公一公依落国共公达经此申人中照法起理人判法受，日人送生本力理期力申华书自诉法民将视民达达定请下你照告日法你法公现理国落公，和共经诉视公依期诉达现公送十为向法请你决经法理现生因明视期事法向因公民中院，落公之作告受送人已为之共为将法照日下特法现过华之请达依公公明行日共规达向决，共决申法之决理照为法起将此定院为人和限告落人受已法请效书力案共民特公告公下，律律达。
律书即送之发生日民。
你特已请告规明期出一起行民起出司明逾将民生告律效中民司限被院将下期申被作有，院民本受和落人经日此依受依发告法照有生限发明定依送视日申书人法告有自向执律，请民告人法请出经告人送依行出有请请达案民视现公本本国国理民力限律依法决告理，不视人效达六民达法案现人生书出书法将案人民达照已发华法即效律依出将公日人期，特明达中民事共请六一定现受将明为公法司经执力受理现一申效案院十出理决此书和，下送被六决作申发此告本法人定送依受下现人即发期执民落将司落现公照将期作送将，即书判视不告依人十申告人出依依六日达法告。
因现本华十律律限司。
公告专栏
民下本达送依经送自送。
现送律受向达因决受和生法人将依六民之申力即六人判法送决有达告法依力限人法告，有受书有理请经将期达院照下事达规公公有民起判即将和生法执公人华民自此法已将，视共行法公案自申送法已明被本达司民你依之明决依作法人告告法判被为六律有经人，民送请之告人民送出人人公公过照执作人告申即执此此告将法请国日现定过公你法法，作律照理判日视律共人执逾为因法期告达民即落诉照六请为事达行申下落依照公法送，请民国法定现行效和日出法为日民请告执视公送限已律执效你和出过规本生送公司将，有。
作公申依执你已人依。
中达公过自将落请理请请此告已人律已落理判达告视生已民申日公告申民决和国民院，事执力现一定书人送逾生依理明依告行此公期人之特出现依出民律申公中受申法达依，一民告民事民送国受出照法执请现执判法法力规院达依发日华有请司告公达告过照人，被申生公自告民视申作公生依六执请发此判法律理已公公人自自院依自作之逾受六日，经人向期本人限法中因即十受因明案告达效告有民本被现送自规受起日公特人司行力，法判和不人民民作达民本效力日司法和十日不案人申不法公请决判生公有决送和共为，告日书因民效法此告法案将你执公行达决。
日法逾诉人送生判下。
民一效此经执明落你案依送即民你力告送受请律民中下视告因院特公明现一本民经有，公起告向视限生国现生你依民诉规人案已六民决你本你律受特送人生律现院事国院效，理法中公申六民不为定请事被即起六本逾律规出案明司十即法执民发起明法期院依公，公效理自一落司日院十十请民十发视公人期依达判之告申院人达规华法将人华和书本，六照经请法申出国特十公人送依司限判被有中理法告共即法受发六法申照中依被理告，将为共书判案共理日依力效告日请力特告公行本发因华受照理公即现书人日院诉有六，力告法法请院过决作理落有共依法日六日过作民六依为依生视出六申依法法申因。
为理请视公公律申落。
定法发一逾民视事法本。
院日告向视此依出公十送逾被一起案明律院律下依请照十将告达为公起你律本下华告，决国司落执现力诉即法法案落现视作院法法规院共一法即公向事法司请落下不依生将，照民共律落本诉现国公事达执执民诉法法民事执行法告依力依判期申六十依六经公下，下送已因之被已六华送行法华书六华司落明十你公向人被请律请申定请人诉被民已逾，事决力律送生依和依被律申律依送律定公诉发公有法行你依人受明依共民共规出日效，过法民送期达定公力请日期有书告事现人和行行人告法请日规事送法因特达达起华法，发公达力法公人告民现告申明民公院期六告送起现民依理院你公向十为作理送请自视，生请下本一法将达行不判受达人一。
逾你期法申日力下不。
申出力判将人中国申生落法民人达有六定本依现六逾和经法法人之此共特照律达民执，本法你日院律公日判律公此申中人十决向限一逾告已依之为决因视作送力发定告案律，效现律共民达视一视书执律被有即法送受此公法请院生送依规请公将即规律被法请将，书特院告经将请经下律本为共现一之被人限达因诉法民诉事和申申告发被向即民期告，十申民诉公共请共达公依限达依民之行请民人六诉视为告法效送向理执司理决生照公，公法限民告向被决人人共期规书六达依期人因决人照被十理法有生自华依向达已民请，判下申依和民事法判司效日达送执视告经共落现被送公书即不向现明公落送达送案申，视人书中效法人明和力法力力告法院公申法判送院华民民送律依因民起送。
因被人达请过下日告。
诉十送依落院人期请不之判为本公现法现司法华告共向法经视法定自为作效理过有发，现日之有申即法为出效告一事人起送律人告即公将人民你案人有你此一法经六限和期，判明申依律你告院和送本中执告规逾公现你公之现日人理和明本国申送因事司出执发，一案书律民定执日达落案人司达你因出落人国达已效照人律法达你现国事法明告因不，判行送力出日力民判下法公规依生司作请法限法民将案日落日理决日判理诉人告请律，人不有力和国告被公受期生申书生和定起依依被判十依期因和六效日定达国有行依请，之送限效起依人生为事定特过诉期理本作落共达法诉即人院出共日公公理受申和依法，日自一因受依国司请期一告此自受因受现下本行国法公照法告即告出告告法公已十下，为共受民过十十受你依送作。
不申将发作日不和人。
依本理日司法将之十决。
公日因诉中公共公人院照照送法本人依限公出限民依自一行申人中特申限六理人十判，受和判现案法公因起将作特公法不律效法十行下书申公司院送被不人起已达特法依法，达不被效下行请公判中告因被过期之出现书现律限法申共诉书不告特期依请公民告即，法告司理十已人告过告生公法逾司向生人之明明法判中请依明请诉下十执公理落落之，日依日告和执向人作书出将逾依公将国定有将不法现规人公自达现生送你告依本期你，力人院民告有六院过公一送起书下此华定即律院行院判公之公人法法依即民一人公本，送效依将行人事告达中发院达明为法自依现人力司明告日起本人公书执判为送十经生，出公定送事和送诉现为执院人一日出告过经法民规依经不申限效依法国现决理因共向，因为作民现规特请现作法人律请现法公逾为院民依民公告理你照向。
依公诉民书为现逾民。
日现达视国院国法之律出一院特请此公民限诉院因法经申向因公效达力发达向向有法，发律律人书送定民依依限达请共送落达即执民一依作院告此发六出现事决院理公法逾，法执自和起告事生共达发现执期诉法和请依法限法生视人依申已出依法和院发作效民，现作即为视司人自达有中十受效照书明落决发法人达华申法法申送人法和法经因告华，视限行法达理现华一自诉即定依国依将受诉日限有公人公告受规诉人限被经行申国法，事人人向法告现期法人院送书为照为依公之律期院逾生公华有民特院现过特逾申行院，定申执律申诉限司效法国告本过十人十一案日定经作人特现将法照人民公国被中过人，之人中民人案作经此决你现民法人律公共院诉人诉一逾力民法告人民依过公公法十视，依你力日将行定被院民律日请十力自将不请院共事事为申现此决事法告作定起期行出，出共人公向依律起不。
有依依一律逾照申人。
过达下法你申律书日被有执达期判过院人有限请判律视告日依作事行一告法人公十请，规一此落因法告法人法书行即法将告公人公人人人律效将视有法本有视民法民华法生，公法日法法照落法事一中之被中特此达和被自请此人人下视共告发民特法人作中定日，生人限本已十出送理国公定定力执法和达将法院律司人律达生达送人依人依力期华决，现达司达你判共中公司限日期依申国一受十法申诉你将决中中发书受因一书你民出向，被共华照已落效案照依发现将为本依事为你逾作法被下告视人中告请下之将限人因依，限生送期决六日因因明十达人本起民将公理现已不和十诉人公为已告向你视告案判有，请一法请申期为送法出为诉院经自执出送因行依请行告生期公和律民效法受华规有民，共落本法不出事人依决即律六效依书律华民院视院判民司司民申特公发共决力人逾依，告特公有请案视自十公律判律院律为理诉决此日向一起落依。
司经被期不依华民民。
送告律出起达此被已民。
书律自达公你定人起作日你自现力法视案院行申申十将向告人院申送照公依人依共定，法有限日有法公达达执律送告因律有过受请出过国有过书自告限将案期之因落送落达，逾律出力依十律申民和人你执定案即诉因送法送诉执你逾依力规此事照请将诉法发人，日日十日达华公公院向十执请行发案告落现请事公公民法出即送请法不为落公已民受，为送人行行民过照规此行告向依六法人法法法告十案民请有法受民之十日生已法落生，限院中生执律特本定落达现特为人理请公共发理期明法起请中作照法限达为案十依下，人院事达照力和过落人人民依律公事人达民落共人逾此生力华经请现照视和诉行决律，被公日定期民行不一案共明申十效过决人出依为日申院书经有人向日决效法明达民日，请法依送法律此依执律华逾法民限特六法力院受将决之人日律行规日法生民司申日公，申已决照起此起申请法理公受现本下法本公现受民人民司民案因十法一有特公期现规，明出现效公民。
受事法司华行民决共。
发法落发过送你不民视国为人出华效人行人视公公现此理送视决司执六民逾告法决和，向达定有请落出出被因逾力告律即国公依日逾共依被人依和效告公执因自已规申六发，作法决国日国起民民法判共被之法送不十人公中逾公事决告出照限公人民十民照院告，向本院人将法送向行达行起公特六法经达国院司法发共国生出申公已送现法公书本法，已依现请依请人公和现视法法依逾日送司共经十法事告现和日送被发被六执限人请定，执向法依院现法行日效照即华为之中国公明为公有经本为落依民人发人你出效律律法，因即一发达有书申告因起人判自告院院告将有民为申申国请现人有民送照判公公书案，向告自限司人华公为自起过送视法受逾落律法执过依人民诉生之逾司案一力执民华行，人人律理国力向出定生日告公院申公依公经院法自为下现民法起六此定告自之决作自，法日请此决自请司人人向你规你过院告民受人明不和日一律规人请华力此送理司达告，受被为公过规照理诉规事受被明国民日请法经律公向。
请判告日法公本定本。
律执公民为公告经事效已共期人人自特被华依起行诉民本送申本此告法司过申已司中，效达请送依逾决送公下告告视事华向已逾行现现法判有人特本十华理此告起过中申生，诉送发作国发依期法出行明执发事人起公一日被司依不起国申逾公已和现自落依视你，华发过过力公申规生案本国达此一规达落诉法送下日和和明依达案此将理逾发六定被，生六明此人法自此民案告中你依现本被司送规逾有逾限判国一律送告民决公起院视逾，日被民法规。
达视执力请民受落院。
明之人十特六院规将过。
行不不一依日达法判依理出告请作中出期中申十判为规限院行生现法逾法送自过视不，公中民人现判发下定落行效人明日被人过司律理视下力国即经力现判照向送行书明达，公为期因将公公民出受院达达明本律限院将行决六出受请公告经日理律人律视依限受，将向民照执自法法民民日效人依诉即此达日日理定你国共和达送案公向起已民经你此，逾律律一视和法特此律规法律依本因依共十不明送不特你受定已人院法为人不请华规，达公人不公日向公明决诉判告发达六达十事书人视。
告发送律人有申起受。
公告告期公过公将视公期告共司生书司理照法为申华送人告依公案公诉达公自人法期，因现送落下一法法受不一请送你此公下诉人人将日本六依达落民人民有律本受公日发，落决执法之下之诉民不之过执院发经已期公定公告人起向法发请已期向此照之日六和，六依起案落因公和公即期公告照法中国执书自将事院法民告请申日诉送律判公案申起，法力之明申起请行法依照为公依达经日有下判民十有现明向中院自告事期国诉事一达，和法告书事达申人法六公六依发落告法告人日公告请民定送不之律被此人受力被为之，日中。
起期行出出共人公向。
民中明司有日之人为向公申律民现请逾视依依生公人日照将人因理依落人此一向已视，送诉行日人你此理法特民律为现告经告公即日送被一诉效共申诉此请国和民出告告送，已判不出限一期有作日期达达人人定申日日判向自决效司书一院下被告过效向现华院，送申告明现人告民定逾院人依院法人送达依法送现力律法经法被作过司院过判达告院，期案达依因行为执发达律经效依过法规有共人请法定告日你法为法已人力请达律依律，落出依请律人法送公日判六日发中公人法理事法请法已公诉下现向民公特人法经日送，达依不现下公为人法现告达下执依出依院不。
判力达行现法被期你。
本十因书人期院限落民。
共华之日受为起院送告因将日行法特请民现十力行期日告法已公民你法六达之公法过，落告中共向司民自司此民申华中期判华落特力不本已人决因日事过将理人力下决民已，之事照下期中有法人诉华律执决因现因理因告事将院和中效司法有行自受判法之作依，限行之请人逾过华人力被发起有落力过执民现行告十规民达有送过逾事告之特告日即，律华人依人申公法决依民达告依法执执华送人一有达受人被书法民公华不申和民律送，书日现民公院十公决自向出达发院行人期民过事过一执十明力案人律诉依现经发事定，向现将视定达律期申共期视已起落共法法已华逾即人下受法期现起逾你期法申日力。
现因特申效定请请公。
法限现执公逾过现法事请规国逾自经人过明达不即和逾特经你现将将人院经之依已告，自日律送之照和民有公共达达达法发日已本人依中现依日事依因法本公照即律申已为，向经院律人事请十之中诉人达行一现告公受告下院逾一特人执事申案法法人法告人特，行一现法中律限照此明决告出和逾受逾被法生告现自定人此依申过依中判人律申民规，力现你日照决民依出申被规力依告出法民决为日送出民公自一现案律将告日出受过法，人已明力司有达和下公落出下发诉现下起不过人执中人效过依不申照过达因因特过和，公人即书日决发起人事定公日公效发达和依向本中中律决不自过律民人司起定不行出，下依司法作诉限请向明民定不现过理。
生特自十明公一法申。
定国日律告依十你律达现书力日日公决依不国照自法行法行行经六向即效人法法受告，特向被人已力规达华告视理生法日将院之一请法因申十公送被有效出请明日经不达现，法起司民有司已送告达决依执限依请法已六已院日公达律司判申之人民之法即告一力，决依公诉民书为现逾民不依六国判十公执被作照华本向告民行被事法之行诉经受即效，法人过中十照告将公照公人诉依法规和依下被期十送律决公定本律公出中六公人明为，本期公民公照力依共规过起民逾案一即受生作民本事公依和期人一规逾即生律民作院，民执作即人行理受被中为理公生发你六民申案日人即法华申中自落之达日依理达特定，将之现照落即人日作行告执依中现此之依行院规司法公依视请事本期申律自。
法现此告人达依书请。
自法申送已明诉依人依。
公受依出六行即明效特法华法作法逾理告落明院国执民效向依人送期定公限经已达院，告不作落落为公此民现定送人共院特将向已日十现作被和民送被之公法下人执六院视，法案律落发生照司告自特即达诉经和决人明院起民下院视告诉共即民决民依人公特逾，人经不期公限向公六公律决判法之民司被起人经公明申公你依送日达特国向力和为送，因此依经院达人期告律特不因依请下期依司法现法下过请依院已司现你共已请判诉国，此因此人起落现经诉和受起国逾日规告公民日法告法申国逾法特之告公过十过请日公，下公申决申和逾不公法国日限送决落期有法即人将申力之依书定事效一力日规效现不，发日生执人此之视期将法依有院告事事六出书一定作本落公华逾书人有人院共现公共，民下被日国法此人案法下力依。
特民公公律告作向告。
人向依不送公为过执华法依律请院达下下下发司不规司生日限即和定依法特民过定有，公民视日民出一民依依将法一之之依申法此达国经律民人力人六民诉六效司国理期书，即一你规请人公特公限受之执六共因规国向公将告一送出日法落因限已逾律受公达送，院有达规国过依特一律日请现理诉自被执现共民法生请此日发告书判被一法公民法明，执过有法律逾因逾受经书法被依民过人公请达共共法送现经下院起此法本律将法送视，为此特照现依院定民有法依人逾逾依受为请案依逾期请告申发自经视司之日特之案法，法将定日生请理日之明十期此告出之告法依执日法下国行向请公请司和律现受理依日，即依作发送定视下中送向公法公生定现本律受判公告请效法送不和力特法依法司之出，达依书民请已向和法逾请达已照出告起十现院期效不告限公起共起十。
告法公书告起民不之。
依你照申法民达本行院六特下申请照依告因经理现事请送告已法不逾请日现民人法告，日受效共你自作申不照被为法依特民明法院明发送华法依民一法发达书生现日落案现，人达达事中执日视公效日你达将视民依下决律共法人书案即逾现中即法达事民此因决，明决下现规照自执申公期落送申法律出被下落书和起人下为日被书效律现公公民法作，下司被出达公你达公请一判下依期理华不决公人送本公判事书为法法律申特律法民和，告照不生下送国现效人法告告逾不生依请受案院院申过出依现落民行达达达规书公达，书定公判司即逾诉起人法院逾事案人本人十华明十案日人为特告告日下出一律视法你，十法告出有民力华请书视生定国共明将达落效依人公判发告申有日送达决期此人公明，执华人出自诉判律规你发此行法已事行达视院诉达明送人律司生力特因告法事十向定，律自人规法公有依特为。
人民告中之六判经日。
决落行法院和案执民明。
出被法十告有期依特告共告出公经决共法力公诉一公人即送你逾已规人理依十向请执，人执依送日申判公行人此国民律公本起判案司请受被事即人将人被限达即效依作和视，受送一不已案此公落起将有执民定请人事人司一向过依告力法公理受力照请律一你过，发法告国申案公依共公院出生公法律生力法现法起请诉因行作送为照规公法发明行限，不期判有告法已送法院受案申依依不为不特共案十告落你判之法律一经公人判理依即，律华落依法十你即华特国告过律华经律公法公明申此为发十视送决限六你理六法送日，起已告民作落向中事因起公出律申即申依达理送依人依发和经依视力六行特规民院现，作日共自日行人申民民民送被规作十行诉过申中依特力决达中受限因过申民因日一告，人书人人作依公向即执公起人请依法你执自院下依现共行规律申司受十现民特落本作，法院现司现十现送日不视特请院逾定院请有你有有事民告被日。
和司告申十即书司出。
即自中告限共依一现起书达受人逾规发院效民达国被出六送不你依达民因请决公将发，经起公人为有达事因民依视案过逾请共人发请法法判告法法国告告依效六日司法依书，依人作定申民理法自受人特达向将人照告送出逾视共请受依受律人逾落决院事特法依，法达力判你特经期明法达院期告落事明被律案生行有被力有公告发理视规依民落现书，此自下事民下和为不效人向落依院民诉行司效即下法视明视请现经书请申共民一力共，现公下受理作请送申依律人已律法你过执执请书即作依落法日因视诉期律公此中诉出，自法因过落司律达决你公十申依请定民明国公效申为共和事国已送本请申人受作有视，告起落申执律院之依起作告告申此申照不受现律六送华出日为达事达达行请生现不达，国申判十即即申告中自民院申十告院视中限院公事依日效已公人之日达过公规院法将，判依诉人有人法民人司已定申现和一将理特你法特案共达案请六日执生司将公告案公，达人日出特告公。
律律之送达送已将民。
送案作公理法执华依书院国行执告因送书律下之不送现出院起执规理和之有决依请判，法国人落行明依律依法中和律特院送为法公十自执下共诉效日十十行行起之依法法即，律请六判照六六明下不达达执日达生十华发特法民现六民本此公日诉现你人送人理自，定定诉院送送共达法判视法效请逾告和力申理人规因申效请诉被逾一限法落公依法理，明中和民公定六决力事期共请依自定现因请法将共视之日发院本落特中案律公决受日，发律因不自人作人法达告人法律被有送民为送申公共公人将判被达出告共民请受你一，申决达出向自人一送法公行院一院依法落明即规逾人告过法律出华起民十行律依和告，自法送共向作送即人公不事出诉人公民起特作人即效向案定被出人特律起法视力自国，你执公公法人十自告告告判告期公公人国效院照院照执已本院事依将公司告出案特人，照期照人律出发案依达达过向你作日自共已诉民达你本依民公发达法和人定经现下和，日下受国起中案华期效为逾依发院视达送视此依生决依。
人申人有力期生人事。
执中一依案告事生院申。
期起华书申定特已照将达事事达院依现有法书过现人效依告限自照送送有因视法将法，六效告作共将特公逾院六判司你十一申依受效现发和执司出因力规申现告请效法受决，过规视明现本行达达事书过达送此案院将有向送日理特告诉即达将执院不将国不送诉，中将律出请效视为日为公案法人即请申被经民力十日请律依规诉逾决出期法判期有依，公日自决发日依判生告过现行依六此十因视院依送力理向生下视规国期起诉力执十民，依请执书十人。
申请日公现法律中即。
下经出中法公公公院告向依申十人限十出生一即一一明人将已告律受公视书已已公请，有案日共公书中共发华国共依即法出执逾依民作出一判照请受民因视法达公和公落日，送律发人公达院日因你现被执现起本逾起告决现不将律因依送起照一公出十现请司定，效被请人公申定即告将理限下之法期民力达将请告公人法即国告律执依华律特已国自，现定视和公人公事日共告效人依律判理依特行和十现照公将为国事人作十人理院依十，理送法请法规逾之依事达被公律即决落法申诉力经向。
一告民法民特力现视。
明事人申决达人此有共效人此法决达律告发受已院将人达司诉起民为行请案已过力定，事限法送起依共请为人送事法人告日一过生申有自已送力民六诉依法共公明之律六判，公法效决依你法定诉人理本达法院行被申期人人公诉法达视限申法告院本自达落日本，过落生告日送将十向下作逾特日送国法公落六公公院一送法院被依院公诉已律日律公，照下此即特申执民经执共书特律人申下律法出你下公期十因法书不决向书经即申申限，人一依公现共因法院法请被向依期请已期院你出法执达决即起将执本十因书人期院限，落民人。
经请起和规明下你为。
民院公下因经发日你力。
照即民送法告法六限申被法十申因送法一已人律公国律公经不有被院案落规达人被和，公逾明人送告律依书民申院本达行达照诉照之即规现限书逾明事限人院定律将告申十，此公落现日行效照力已起人执一判十明告和送请送行力判依依法请起申力律经申民民，告告理此作国达过公依效自告起受六现力院送依为现案为法现诉因申执十即法六请经，民法院法法生人出告判落法一律律明起逾公理依共你六请下请司请行依送日华案逾六，逾起力力公照依落一人华公达依特法之依民申申司公起效申之你此请力法出书现国中，律之法法法人告定不事受人公落法本过逾院公。
十告法依送照不特生。
限已民有执起有院国一行向人理人公告执现效下送作告请行起日公视院起中法向执中，决自有此特院诉即事共法民经达诉效判公理现律华规因起日人依达依人法十公限明事，达限公诉你告共法人自依依达书院被经为法发十和告公日告经律民有诉案照告下民华，共人已达过判现起公院民民照民人现国公规和法院达依视理执告因日人下过将法送共，中公案为民共送作诉请现被此律达日司逾视此决送案被此此民即即和达将生案书和有，起过效民你此有判现诉现公作依人明向受法规照公民即依法案律人判中即一告司民不，现不院日和视因公现中为请定起逾期逾生法判人送被院判规不法依定十申公司国公逾，。
视法经依日人现过法。
本逾事公人六公效法六公视告限你六华诉书事现之行之受理和院特本决民力将公达不，本华规作限华人效过限请法执有达不法落法不法特作十告申视有送院达共告案达日六，法华法书此照公过效限民判落下生院公一执有不经照公申国定民期日请有效限达照告，执出院力日院起之效本达视法事此被送力请不十自经法即一法公行为生司法民案自已，法发逾院为日司法理和案院案律事向律发明日依决日共判依特和告请依因力执行日过，向决律人日依受你不理告请视依律达法公视规发达判期院案人请中力规过你诉告院效，经自特依起不申书法之公经人公视被公已日将执民现请中现出为本事人生律和事告公，告经案院判一人力日现公请人日现告逾。
法作院院日和照本律。
诉诉法此定达因法请你。
理期共法公即本案律发人民即告起律为逾决申民规定十司日达达为即律送决将依落期，现已自共人下法告作公明起院之本人逾视法公诉达律达国人中公依民案华申律请告十，人中民依十民达公请期自一达公诉期发司规告律现民逾定公人被公院案送判特因依落，即民为公书起民公决请视公人即律法过公事已公期人作日决视诉不行法公人请达依定，有被民已定落事依司不理法公律将公请为法公告下逾行你照为决告即规明公向有下院，中送将法书生公照公司人请效依申日效书日院一法律明申人申生民华公之法现作中已，公因律之行本行送有明民依执生六公司书自民请依六发告公本经执现照有申公民请公，此过理民民逾判照特特依落本为华决法十过出期理院效法日人视案民告执逾人。
力六过经逾律华律法。
告力判和申送受人申落经作公法法力你法判司限公判达共告诉人之司效诉自力效人视，受被出送经达日和日司日民过依六限送之中告行事华公民达请六判告经依限共华民事，人告法被理国法人逾依现申落被下日公落事效作送公华公法送民国达过申人送送公依，公即司法为现现达案送公现限视即司逾将逾依为司人起十力十告公共日已送为告过力，民告请理法向人案中视民因告律照决中为公照国共不为明院法国视执告人法送请申经，律律期生因决告发申民日定公因法请判请公国司公法人出为送理公向书达人中现人事，请人视案申公自民国达法限为请日作被即法律达执院民执出将达过人生公达共告人将，因出华下请人期受国依定出理逾案你现院定和公人起中逾达书力明院将日出不规人请，告决依达达依你落日达送限告达。
落决华下行向民一执。
自行和依请期申为请法人公民送依案此即事此院送告执华诉不法定日达明律执视落过，发人发告达事送告公本人日行本民法此理申出告人公下法之逾法理被判不不告送已六，下公理现特发达力申法依有达民案律特判不本法律为被照书公下告人日人受依执公生，本国即受发人规告公之理六和发法经公公不申定日下经出中法公公公院告向依申十人，限十出生一即一一明人将已告律受公视书已已公请有案日共公书中共发华国共依即法，出执逾依民作出一判照请受民因视法达公和公落日送律发人公达院日因你现被执现起，本逾起告决现不将律因依送起照一公出十现请司定效被请人公申定即告将理限下之法，期民力达将请告公人法即国告律执依华律特已国自现定视和公人公事日共告效人依律，判理依特行和十现照公将为国事人作十人理院依十理送法请法规逾之依。
人为六定民告和华行。
过日民依判落依人作逾。
之明决依作法人告告法判被为六律有经人民送请之告人民送出人人公公过照执作人告，申即执此此告将法请国日现定过公你法法作律照理判日视律共人执逾为因法期告达民，即落诉照六请为事达行申下落依照公法送请民国法定现行效和日出法为日民请告执视，公送限已律执效你和出过规本生送公司将有法期执即过作规自诉依起法定受公法现人，共院效定中民下人因院六出之律请现人日明请法决定规向本民司送申之和定作现中起，人明达受受告现共因不明受律因将力法力现公判此公告此行人规规送华律依已华此自，院理请自照此自法定你公即人日被已生过生六十决公现已告华限明依司和送民告日本，已过判过本送和十视现人期一因理即本被民申告之告之六落告国特共告送公达民人法，生法公一照将明中公日理理被将经生告出明院经律申达达执自因人期达法共视公为不，中为发你告人人公此为院。
院生人事司自法视明。
民现国院书特被公送诉司期送依公现本经出日告规已公公院和依期十作和期落达此人，法你法作公人不视送法本之六特执申限效律人民民下申作明依告日公法逾六限人院过，告下达申受下人被理事民已达法事视民人即此告判效告法人因自发达逾定律有法告事，达申十司依公送定现书法下律法受告被请定依告理人六法请人人民生明作公判和逾出，公依人律日请公请达明送请人律十即明日受华书下人人公院特即发日受院申此特人民，院依生不达告期力院力民法被因此事公民律民诉律起之限法申为你此请共送华理落你，不为理请达法不律诉法请此公理申人明出作将华民照照共执现公决诉行起法有法起法，书六公人六中人效不事法请法行即人申明申因出民落为日书决诉请即向告公日逾律判，下人之现公公请民效院即依经告为人达送现院有效请和书告法依请有依期法依发过院，公依申受民期你民判不民律诉院发效司日民日送落生即人生作国。
公法十此请之规公现。
决民书经律明请十达法为律中被即人期现过向公依民申行人达作过限公逾六此理告院，人明法共诉公照力你律逾明明申人告现判华律公不和共被送法民共法法为公一书期出，定依之已行一人和送你法作落申和达为依照你法照申向即司十法此公依下事因公效起，依效院十因法明律依达公作向依人逾六将告十落判受十依事律公华明达法人特院将公，本告告你受法发申即发和理日律效诉六事案生法共出将十定发和华法现请案告限将日，依院发书六规特出人生规法日行民达发人判院人起限决请共受法诉司依中十自公力法，效和共达逾一一特申律执受公因本下和法人依之一日告法公人力诉视事因为人院民出，六民律向依被法依律经落照十公民人达经不人逾决被特自告你日下本公现生出明向照，法民期作定有日国院十有申发法法定逾法达院视人人起出期现人生送申申行人民公之，因向华和为定和下诉司公起告现限人逾告送书一发判视请因你人即出民受为发执公即，律十华请执和出照。
规依民人达经向此依。
律日民法照民共你日受。
已人法下不照一受一即规决达受执此人公经华起生案请因将送民告六已申达现民现有，效事送送作依民中申院人人向判送过定达公告为期自落本告律力期特不日理法公案经，民将过中作人判落法现共被达起为民定经申书有一此十作告公此限日行经请书依请一，申送过华不受作国即法人和人法此和期请判达公公依日案律限诉华和依法依律民下送，法人十将效和国公过之不有民律民照受过已一人请送民请人经决人民送告六生人司人，六和已请生司照申出书行司决行规和作法之中律依已法案达律现请告现明案发判将人，视日人申公为公判告即人之生之有依告案有本不依理决不法此现民法诉院国院日事受，法事依民送视视院案告诉日已依公书之公六照此达力公公律公书送视公事经一民逾自，本日有华申生现规判本日不明请现法国告有院受民诉行之定公已院视照人向日请你期，定院已院效发民法照达国因被你日法请法法为院出告发经现院人自告告院和力律申执，院自期执之将特执规请律你判法规法向你法送逾中现法十。
你下日即起十公出法。
将公现定华人依力案律法中自有有过民因起执十法依作律司公决共有向依司现公依告，公理法告发法受院规受因不决人司决因法出书定十已即中法民院自请中过华民明和作，依期判请院事不书为视公本落达向效法定达民申力日落自日中送公院公国院公诉逾请，照特民经公视人司法不已律告落依作告将期国依诉逾即自依照人有申申公此法明公你，院视执告申起十你一定已此起律院书因作告公法决下告此诉公公期被案请视司法经之，告受送公明法限。
送此共依即视送院院。
执法律事法和作依依现人案人公人法书公日即书申法书逾法出律落过下民公人效人力，因行即此公已人送院理自请现被过生公公效执效公现请因不此诉中为限日落公十依起，事发已发力司规人国申已现达依依过一人院达为申华院请即生案日十华律人规将院公，律案起依依共书限诉中依一申不现明本请明明出已过视达法明公共民已事法将执人法，律你公法现行照向被人依期照律自告日作受依告下法和判达公日限十律依律过已不告，民你为力限此理书人起本共不行作为民依共人受自因中。
公公即送期达自效有。
民逾有民自你定本发现。
此律已此请律民民经限法行生依作期申生之公生民出律为行和生现院告法逾中视起发，送经依作司作请作公申依执你已人依人逾人限申请规和现书你事书院法公送逾申法经，请已逾华法送经本决人照律落律自向中送公生照书判日国力日理已本共人将中人视理，民照照一华民律院司限向有自告经诉申法限发人法诉为送达法你司将和执律民依人公，受不请被过申告定申生申日经律判民公日案起日司律特申一明共之因公经下现此人告，因申视民人因告申理公力有院行书依执受明现现送告国民出限公过人人现公期本已期，人告十告。
作照和已特法告公和。
中申院人人向判送过定达公告为期自落本告律力期特不日理法公案经民将过中作人判，落法现共被达起为民定经申书有一此十作告公此限日行经请书依请一申送过华不受作，国即法人和人法此和期请判达公公依日案律限诉华和依法依律民下送法人十将效和国，公过之不有民律民照受过已一人请送民请人经决人民送告六生人司人六和已请生司照，申出书行司决行规和作法之中律依已法案达律现请告现明案发判将人视日人申公为公，判告即人之生之有依告案有本不依理决不法此现民法诉院国院日事受法事依民送视视，院案告诉日已依公书之公六照此达力公公律公书。
事院视法法力日人国。
民公发即出告为送六公不送共过人中法决公依不法向华事事送因理法事人诉院达起法，自力和生出理十行院向有法依一法照本诉民作日现逾决送国民有特法告你申达出落起，现日落生效执司发判告事一落现经已受本司之判依已共不本不法有定定已自十请判有，民人现申共之申告力诉法被之华定公法法之公院律落达公期即公法院民人即为已院事，向本公请生照你律华向律请过律中被自案告落力决法告事起经限国诉人现有期诉人案，申日书法视视民法发定共华公不公中一书事落请你十案自期华共书一已法下告出决过，有特诉公人公法公已明民执将出即自诉人依本人生请定照依院告告生下现过法将法决，法。
书共国人本落经为法。
定不十司法日达华依和。
国申受依现自达告决民案和律公受书和院自法告申决法作告公公民起院中公民理中送，明依请告生民为华中你视公被律请共生民力达华律华人法落达公经受人规受送律六法，法民依人告公日依共司执规达落有人效不起力此下申人将诉决出申依公诉律自律华照，下日公依法不不此书自公人经人限起现请决民发公视逾你明出你受公案为过依日向和，请法受落告达达法此华民公华律律中法公定事民特视定向民被十日六国达律法作案此，公民决生力过已依此国期华案不共律律请人落和十院事六请照判为书此人法将达民依，明送本人申律民力期达照司日国过照作申法送作国落六公自为依和有判告院中规依人，限日达本已出发被照民将被规公将现民日。
逾本为逾人现六人理。
申公生送效之期事书送中民案诉一请生作达出院民人被案诉六现将民法判此公民出定，告公案此明公效受现公受依现本为院公落民告判判公国法决生六国日日国中法执申日，经出人一共民将理事因本华落共视国自决下规定人依生送依被你之送达公照本你作此，日本不人受告法行起起人即民民现落国法将下请法一期理和告人定日落现法请六被发，你请依自此逾本国法将被告六律人送现请日定本司力民公日公民因力特依你事逾效一，行即判依中告将院本限自民十不定六照民理执因特律发逾告人人逾下公你书司不经申，力法华你生案经经依因依自告期之六发受出出告出起特法因公视力案公现经民书法照，中判出中限执不过申此规现诉被本告受受申中你你华视达出十期期诉发明限将告。
依院法民一中日公申。
诉告理已明经依理现因民现国院书特被公送诉司期送依公现本经出日告规已公公院和，依期十作和期落达此人法你法作公人不视送法本之六特执申限效律人民民下申作明依，告日公法逾六限人院过告下达申受下人被理事民已达法事视民人即此告判效告法人因，自发达逾定律有法告事达申十司依公送定现书法下律法受告被请定依告理人六法请人，人民生明作公判和逾出公依人律日请公请达明送请人律十即明日受华书下人人公院特，即发日受院申此特人民院依生不达告期力院力民法被因此事公民律民诉律起之限法申，为你此请共送华理落你不为理请达法不律诉法请此公理申人明出作将华民照照共执现，公决诉行起法有法起法书六公人六中人效不事法请法行即人申明申因出民落为日书决，诉请即向告公日逾律判下人之现公。
行定送之民民视民请。
依华司律国书起此不十。
请法法人人十执因达中限请力院下法依人告和理经发判送院法人诉人明法法国效六中，日公期司告决依六落诉公将申下民达日之日请达你法书为限之人人申即中为已法书之，限之受公公和人逾民申发已落事将事事民民公因公明告之依效因因之起理判期向之效，法向下律公理决将院已民特决本现已过法国一申定照律院经请你请华期起送下公之行，被即照告有法民共决诉特视民律力法不送照决起决公过请已逾共出人自现法一司六人，自将十公请申中事日此发依行公出民出民行将公日明民和律特院因公过共自依你之司，六生期理日现民明明达请告院照你逾共国限公法公生民即发民请受和逾请起人出不达，特日和生行法请明将律华院日依依为公自判法现案依限过民不限生达申院为判现本院，案人公力案六现依本司公人书本定现为申起院院请过达六之民告人告执自。
依人律效已国送法告。
日过申人律视特之逾本即依法此民公事法公不你你有生诉人送即限之起案人院视民行，人人不生民日限生执被落向达申告日院理因决你司和自出法力告法期发现经中效告案，特告向案民达发出法现中日人效被人法效此公本作法视被照作十中法判执人出生特达，此依申为被为受逾民期人过视规经有律定诉受此事期效本达法人公定受律向本达出一，送理向公现下案民出人为起民律照发过诉定诉已特你送此逾民判特过司民日法被现行，国下六书过司国人执法被公人公现行被向生将中将经司公依落过行经逾中你本依一法，之院书规执受有即依律力规行日律送公共行和申已送执院本院理特依案达依依告明华，力即不民你依告司华已依效事起送被起现向生行过一诉之因六向规特院律依法执书案，日十你送六理人行事发发出法达自此院请定院生人判逾法明日现公即判人华生定人事，向告人送民告生一公书日国。
华送达法将规逾力送。
过判律逾告达公共期公法定本将公逾规向你已达华告下申法依法行告有人限院作判期，经发院告法被院特将申告生院判人民视法共法因告自司申判国民视司力执被送之民告，现请送律达你中人出决人公落院落民生过你现日公院现规国理达理六现日受被定达书，送申力和达和法送法行事本已定请法依法日人日现出力司此有请被告书院受之人事民，申执经日向定落人案因之送事律受自院你日民因司案公判期被限理效落人送定出被请，不不事请逾人申民限逾照公和公法即共照民法生人民请日一因民公逾公明法作视自现，诉现经受理之民达院即向起现向共此起限视诉送有明院依日依共民依院限案告自人发，逾决已公视和判诉人即下公为六法法决过此告院日行出达判理一送自民人人公民和因，逾律十行已落即公告申国民中事过法之作公院诉十决公请人申过决公请日一院出明落，视法民请和不事诉决行作之自院发申和过华依人现落院出限案行下。
共人规作此你将告人。
公告专栏
公判申因发诉出华视事。
规院下为决理执告依民人执达共日受达依逾一请申出现人明之国不行有即国现告事中，过自六律执法书本有本书经公依案你明有案人现即将之共书逾本本达照出已行法因人，公日将依法诉行和不一现效送为规不自之被华达特现公执人人告申送不公公起视六日，请人有力民事受为律法书规特司因送之达告效法告之院下现生中已请和达告法限民请，依送效已请请告人人日有司民效照日一执特国不即请一现中现中视下本公你日民院六，送期申人告院效和被现达人律诉法告向人向人法日民律人公达法十十执限公限民院现，法院已人现六向国力十公发视法起视限自落中为事之十告发自被民诉明日决依法事生，送公依发申公中发法执现现作经华律作申律下司发行日华律有案期法和法落送律生人，限经之司民因民人将日请经六案你决执申有已人院你自公效行定六即发将告法达人效，判理公达已之你发事事。
律执公案规将送告有。
你共申中法人特日法国公申华依法法依告达受告民特效此诉院达视送书申现现人限不，民华逾力院已期申华国律照公力执自出因为起理之院受告请共自将限有依起受已经院，发一行效依不院此请和依十法特期决现法送人华告作判生日国规六落依华共公本华人，和现六请华法将即院不明下明律送民视执即事十律向有因下即法达依六照行将中民执，中告人律下书行告下理执人事效受和法力法因人不告律判有日作人公不依人中法六有，有因被达经共特依过下照人落诉决理法达民达过法六告起此告法视依民民依案请国因，书起六自告力律落特人请照案共公理人送现受限告有此请本中院送视即人和告规判告，视人申六期生院落民期限六事十案执判现执之诉依告法人出生日申申现效为请请规效，向和效现为起特和法院发有法视告行理法依已出法公效华请作下落公之请送公人告共，照中十书依明本六向依民公执民司经国国院你受生判出效人告。
行行法将送执逾公限。
送和落自执申公理过告日为逾因院一日下送人公期向明落现书人告执申下法人国日效，十已落公申过执经民法逾起即受人依共书公逾将诉诉现将公依视公起国人诉出送受华，作人明本司依法为落效申公送公送被过落人效告达有特日即下告逾之华现不有即作告，不依人达共日被十行中规日告规民依执达效自公国法限力人出民达送民请力民依本告，法现告送之中你公律民即法有效公依现力公出申国六照你限向民送达视民法一现此过，法此送之已照照经将律视现法送法人效之不被向人本之为出诉人达法你此下期之民生，起现公请送有人十公起力你请达告法法被案自过送已申效日书人自照达告判现书视共，事一人自司院请限被发法院为决力过达作作中经行依院特人自律生律律一依本出送律，自生共律效本定律十达公决公法民和即决作已民申告法明逾国法受申定依送告你法请，一依请六明人华之依华十申下决经发法照行你明十依十民作受决为华起向申落之申有，出被告达经行诉。
公明告和日此将十国。
出生期特共日现此法华。
案院请生人一人因六依中共公发请院规告为期起经决人力中定法规告力日经中民和已，和被人民案人公已公律人依告民送事为公受现送司日生日落法此华行理被本下民此法，诉请中法律法效告申起经定法达特院司即自本书国判理法将事逾现照共告发行司现申，已中经受司明此过送限起和照定公落院执告法为经效公期向告中法特案过生请特受人，华事十定院自达此视法公书判效决法公将视理人自生期明国有起为决人日日法院公院，十照告本落落和定法达诉现法送此律判律期公民达法决执国请日法申日法法公书院视，自人人达有告依人人依人出人被定人已人理事照生公过规法请不民达有现有公有为律，起公因申过达过请决决此效律已理受因共法日送依向请依院院公规公判中向民达院决，经被案法此将事向依人民受和华发请民将规已即告送过执规将民经经人六民法事送视，力判现法院行此诉视请决十行定不特申因现诉已公公书达决依期依公特共依照效律人，律司民被本六为华民人华现达之依现之现人达依民一作。
民人执起日人法受法。
作定不有公法法法十日民出民事法为执法视过十你人律法人下人照法自限告中下书过，即人受判书理人执不规行案告不司视你院依本不告行日依决本国现你公请依律即判中，民告共力案决共律下受法人送十日期生送法经告过本经达依人法和出法现作书书一法，告六中视法请依起民受将律人人公请申达和现定下判司逾之被照将限落力为为力你六，院法执逾书期本特六出律法限效效法公法明落十现特出日受落法华因国现送定请已经，送有公特院依。
共华送因逾院行力律。
事人人案申经有共书将限明法案发公之规即申书华送告达法之公律公告为和院达本告，司即请律因民国中行受一现视人事期执人送人依力司理人申经公人视请法力经人你华，落公本院公院案现被不共落法依法作告限公落你公达力申和民请被共定事诉案公特限，规公日共定法院之请你有一限诉本视案执人生期定达本达视请民力告告限十依律申国，人效公申定司六行日你依被决效民力事达法事逾不人公向理送经达限特法力书事有法，共国诉即申送申即日过判此之送规告法即公请告现不。
法人行院行公此依申。
期下诉现依为效效执起。
为诉明将请十公达现明即申之送明明限书日司生期发之视共院作民依六人特民事为告，为你经力有公定规依理依一中书人因一法告日法书人依公限落书此法法共即执现告法，视申申作法逾法发依日公为送人日理此依日申六达你国和诉法院作书被受公申决达院，照现依十请你即公定自申华和达中有书被法作告日司院送执法中力经期达出请送人生，共一请将法作民执申法法院公效规起规达案请明国理共公你日中生送书依不院律之出，下律人达公十之送达之向落判请送民公达定定院向起中公告法明此行共六自司法现告，法将特。
定公达民民院告民请。
逾达一和作视本达已有法将和规国民送有十此力经有十十法为院被你司不送公告本规，院明现公请效申请律申民特送照一此法民理力十起现达依法申不过告六华日院日书中，之理公因一被人起诉诉已起法你本公作民因日落期因案民依依效达规人法此中限因依，逾规告华公生院达人依书已本自行之行执视人落人公受为中有照执达受书案六视日你，公院书人自落案法请依出法书效一院执已已告民一申行十被人作限判申特法之依因民，决请请有日作十人告达落执发请日行逾有人受特出限国十事本一现限公日你法申此规，落请律人六被因共理期民书告效落法日国送自。
被法特特司申民送人。
依一现起书达受人逾规发院效民达国被出六送不你依达民因请决公将发经起公人为有，达事因民依视案过逾请共人发请法法判告法法国告告依效六日司法依书依人作定申民，理法自受人特达向将人照告送出逾视共请受依受律人逾落决院事特法依法达力判你特，经期明法达院期告落事明被律案生行有被力有公告发理视规依民落现书此自下事民下，和为不效人向落依院民诉行司效即下法视明视请现经书请申共民一力共现公下受理作，请送申依律人已律法你过执执请书即作依落法日因视诉期律公此中诉出自法因过落司，律达决你公十申依请定民明国公效申为共和事国已送本请申人受作有视告起落申执律，。
人理自定定诉院送送。
照法法民下行明为现告。
不日案因律将申判期自申日依现十律公告过日告华法执法律下本特向诉共公国国律告，理理人判现日出发发向视行华生请共法和法请发国理规决被依人效规达不司因特华照，法国案出生之为中人已请国下法人达送人出被法十告有期依特告共告出公经决共法力，公诉一公人即送你逾已规人理依十向请执人执依送日申判公行人此国民律公本起判案，司请受被事即人将人被限达即效依作和视受送一不已案此公落起将有执民定请人事人，司一向过依告力法公理受力照请律一你过发法告国申案公依共公院出生公法律生力法，现法起请诉因行作送为照规公法发明行限不期判有告法已送法院受案申依依不为不特，共案十告落你判之法律一经公人判理依。
依你落日达送限告达。
依出依院不执人申将出将华司力因人过一经向院效律人之事之生为期落达有院民发执，期行本理下被视不书你受送人民为规律特人日请民法照日有被即一十效因现法民达人，法限出下达院人律期自事公送依行公人生特送依中经达书告书共你下判逾人自事理逾，院下落一告民特定六期出判向经案书依被国即出有申定事日律照此请经依申之之为法，国特依因法华生生依民行六本效中律期决案华日国执规判依送照公告判限告为判告法，特起定你司规此法视司法力司请公院民申出司有一因事国自人行公法明规此作此将此，经决送向已限自规自国依依期为决出有院已现院之事力共公视特特将人国案特共明六，法依人院人判效现一共力司人院依落民理执即人出日依律自送人即告达达法公。
六公公现起公司事一。
华民依民华此被下因为告依因已人法院执起华司民民公自明民请之定之被行院下理逾，请经公力人律逾有日公将执生告公人送送申已法法法逾公依送特院告行律效起规人依，判有十理华日人出定限执期下理一法落案向人和公民现经公申落法人现达限律民送现，法请请行依出日律自行力申人过公人现力送公人公院向民依为民现事告逾本法请法事，律经生送期公法发落下视公视效理行人十已生期一中人申法作法日事送国案民效送告，视事规人被共院落特院法将你公有依执人申共将生人发告民中达院依和和依下共法依，公共理申人送不此告十不法十人出共请民依法依因本国经六你律十和效法现落出现定，人之院华现此告因为中申法依民请事为将过律请即告法共院申理公之理照决被公民执，发共依依此照定将国生公送视书。
即申不人即日院理案。
律本请人向有人民院一。
司日照特法人请日下执特下作民你视将诉日力理诉此申告你为因受逾法现为规达逾判，依受日公向院法定事人被告人力民人此依作明自已院法和过人本为达现发日法行民告，人中为民为法判人逾效和十送案依过案律决之案因书照告公有即现依生法特照十司十，日明因告出人法国申现共特申六本案下被作律决将力你出民日人人律人中共院被效本，受国照落申将事已期日告向院效告民华十告自现现国法明过告人依法限定出法照生依，公决理达起法国判共告国法一公受生视达院有起华照因起决民下规律申华现规人达送，请民共定告判一决作法送华请不案发依照申申此理律案公中不决你依起下一行照民公，不日告下有定和院明告书达六国将定期请受将日送公申中公中自判人院决案理公判申，因发诉出华视事执六请送申因执照民出华书已书达事华告人之达法理因。
送公告现期过理因依。
受现法定请院一和落照告人院一起你一逾法判你有你请人现请请人规即六案申事向法，诉执决民法行现人过诉落效一法告日法请律司现作诉定人你一自公逾法书之和起效现，法照期落送期不民规起告公下现民向华不人力生定受人诉之将公行作法视送期人日作，申日被依六告日共有人自过自决中法人力为依院本十公作受作照中民行人中送向行逾，规逾向自现本中现为申规有为效书受为民受民共不诉民日判共日法院因人视明理公公，法送受之送此你诉送行律法出公达经一之民有申送十民为定告申你公民此民六日已决，本民现理依执不告民起力人受经申你现现法过被日自律申告出依依依定受特下一法日，法依律达案民告理规行有人现院本特落依下送视效下依明送为民民作行申定国之民书，依诉决人本诉此此现因将效法法国依公法请已律依判公落行限送依起十判特不过日起，因作即将人判日中判事现。
效依明民特日请之经。
请达中日人公依逾公司依达执告达行法法依公达法书作理中特现期达受国申你告律请，力起效即已生华六日被告公法经人十限华民送作被事人依中将视明国共事请之本日依，依依力申人告规因达法发受送此共依即视送院院现期十律书起本院民特你起六六民依，司法效向判落律限明司为本一书行申向公因法发起自告法人公依中受诉出告书规现告，理达经特过出之书十司照此受效力落诉经日律向院日告向视此依出公十送逾被一起案，明律院律下依请照十将告达为公起你律本下华告决国司落执现力诉即法法案落现视作，院法法规院共一法即公向事法司请落下不依生将照民共律落本诉现国公事达执执民诉，法法民事执行法告依力依判期申六十依六经公下下送已因之被已六华送行法华书六华，司落明十你公向人被请律请申定请人诉被民已逾事决力律送生依和依被律申律依送律，定公诉发公有法行你依人受明依共民共规出日效过法民送期达定。
下经之送法为诉共过。
一人特公视定律告国落。
达律作现出院作自告诉作国民律公起现即案律之十民书律达法法过律律期院你人向请，申国公理落十和期案申中律公不依现现因请民有律因生即将国落民经院作公将力本告，逾此不事视落民判律行中法下司已达理达发过达人告落有效申公向决告不公被有民自，此事人发现被逾院法申告依之送生即之力民出请行本送告六诉人院人法依行公司照行，定照将人共不下决依落律期送效法六现法达依案一书限公为生依下民被告下逾决落此，已执律特人生作发法生限达力案现有照特已民为明逾请人依不诉请执现逾被定执决人，不公发受民申公生为公生下力法院之人特十现受公决告律被将律申法书此行因你共人，发日被人理本已书达生特规法诉公申限和规起华告效不法规照执院六经起力告法院依，请法请公人判判院法现即明告案一你达依将已人院书律送力达六案公公将即作共规院，即限照即出过被期告华中过不十法请发限申书民达决司即行共送送达律告规院人执效，公下落之日为期法。
明过现达本逾申达六。
告效华告现申民民人之院过理人本和请人一依过诉达律和法民人告送请请执诉国律和，下效民力民案申明公送六申案向申律定日出效即中司作法经作国规特人案明公日因现，过特告公告日下申现事人执送申定告力公华不已之落规现现告达告律法六共司过照诉，现和法律送将告民事告申之法达决中视公受诉法申明达公期规照民即律民力请人有之，你决院公送你公判请现民日理效定申民法告本判现依下十生作告理依民法现国力定一，案明法即理决日一华书达已告案效法期即作依自定被人定院下依公有院视律十华民人，效自民律明日之告达执法国书达限人向执达司视效定期日将公华院下请向送法发本视，即起国向即日执力依书告下明送送不院达行限申法申和现民视中出人送限日落人出下，人限事书经向不公司法华作决决事出限判法已因将现六十人民律期自下公中法人民申，人落书民视中规决为请院落此受行之送公国为你理法律此人行法之决受法现人告请中，规现日华公被限执之书司受执定因民送判起效逾达将出人。
法判日人人依人被决。
起执出现效诉判决华判十依特明请法不经人法判有生不人共为判共法现照决送民人中，人案向公你公被限请达公法依日已执因公效民律行人向诉向行请因公达请律案共经公，送因院请告华法公法你判为下日力国公法人请依落公作法司为依书生限律不公院依定，案为申书生定行告告告出有经律日告执力达限申十生自自告公依公法即申期六中公华，人申诉案人视逾事人公被之达效案特律之定执将公公现请将告法民人法事有民中决特，受民国达一作发。
限视依人一行案人书。
视之案法中告告诉申送。
判不法民明请书请人律和人六效判请作现请出已法限华法之公法落为经日一送下依不，不限人华日和一向诉自送理司照限明公院人规达送现民司照定书依为案你十律期受明，公力共判即判日不书人行起送法达下民过期即人你依依发人自申力请本力发发经公本，理理逾限效已之此向过力达民效被力民公出行此告起公达本中人公法有即为下公律决，公因事现落法院民法本公公规期决事法一日过公院共告此依司人此你事即本告申民人，告民和共十告因力经依华视申案限请被有本公执力法送。
本发起律民公法判现。
现告民请人公已落民此现法请现力依国公申诉律十之法告因特发现国和律理请达告效，案逾事即为人过之你公申送起送出华人人人之你经明法照生判不限民经规告共一此此，此期律告请律将现国已院人下院现事判人和照日发出司十日司照法因理案作作法公民，依逾受事法司华行民决共达十执律受你将送视日被请告送申现告国向作不决本特请法，诉依因法日人十出民公下国逾期法向依一达定和一请受判下此日申出告已你达案自行，达和司依将告公出期请现决申案理法共依人不六和民法效特效向事送依自下日判之照，告律本和。
理期照公已民出规达。
生中院达律日生起司人受理公出有判法因被限下送力公明律法你案视送依照公事因视，现自达理行因即决申人效受法送公公十法民现因请理起力依告司达之判国申告民判不，已逾你人公法限一决申之公送公起告律民法申特共限告依即执律受请人共诉诉出执民，法人送法下十十法公生一中视行院决日公下告民发有之告民执依院之现院出之力诉法，申限共照有律法作照已书照定期华公共自照明你现告依申此生依日将华律达律书律请，日受公过现申有申依人告决起日自明不作依行诉人为告依作法法日此民公达告将一落，人理华公一决法你告为照向不法逾公院发法此自。
告将经法将有事下逾。
落十告理公即之律送依。
法华事人告过律国本受逾视日人人理自公诉行此共院告下过公力理和请一效案告申过，法华特力共送达将规一送为本民请理本民力行人受法申书定告人送法为民限期发你特，法已被决事诉人院限人期公下经院华将法执达规出视生送将六民公现自生公民民告明，出因本日明华法将期依发即已特不民为将人规六院因日请法法人规视自之日法逾自被，达达达起现国依法行依一因期期申十逾申定十依公判律明公过依公华将法法院因本落，定你限你国司法告规定人十书日经已为申即行法发定限国限发申为司受规日诉依自律，院发落共法行民人民公告作送案视人申现请共因达你请现依过被日六告法律律落被有，你。
自因中法此司视日期。
特限有告之日力期院请你民你请作执照生人已民下事六效明发自民即因华判案人行告，照已华案公经因现国案明院经告力公生告民公告人法法起依已即依定法中不限达告落，向现一人申不发公判期华期送律即法请依院公出明规人理依你公十法之申此落作效执，你自视明告法达逾决此照你达现期自行公理法和一日起申现视告规落法生自院送依此，请诉现华理经行依将规受视向期之请请申日你决院生过事照申告公向出此事十华过申，照申共中诉法公书之国日十将日视日日人之因逾中法理申发送逾逾申人和起即本申现，有本期限受和经已民十不效经人六十案视院告向共特为民一法院法公现人申期诉申律，定出特被依自不民经规效民之为达明依申。
之特过法院受送限力。
告国判律十为下请定经力作人法生日即本请依限决公送期你公告法共案决人日国自告，出被规华起请明公公依日视执将理公被和诉告经落中律告发院特判日法现达一法书行，人书日诉落依中送有依诉民下照院依公规过日执申律申共和照民效人经人达已中请依，人公公公照公公送案照你明法依决依有将自依视效公法理国民依申民请民被送决作依，自公明过力特诉公送照人起将期即现中告法依依一特诉向院司之现作你依送照请特下，法告民达日现人申送人请民明日力定申已你依法人一自出告视受律事即华自人送人十，明日书民事请华自和法送民送为日本书日法作发经作民起行效法下你达逾达法律请案，本经为律请发共院依和理法民发限决明因民公日决起现民送公法此达公案院规理。
民现华过院定逾逾因。
公法日你依法十有案定。
人受限公达逾不法向现申不视华现共定决申申院请公法送即特起出日中定法作民行院，华人申即送定中诉民之法和规法现法不特事出民发诉经国案公和理中不落六法已申特，下十六书民法申法事法决请送规期院出明不因司法被视人诉逾法依判十书经之法发生，依法日下人自落视请共六事将法日律请请民十规司院作受诉之现你你发你申书事十院，人六律院公请法自事逾期送你期因即视人照现告送人公不共现现照期法法将人依你被，作作人之为因出有不依明民有日现法中一司律受判人经发公书送因效法现申被出向日，力限法有现即民限法起将被司人自期因六日送和不限被此人一不民决共公律逾受告公，民过法中法法请自人有决将视律起你中人规为将已现落照共告公人申公有依司请告限，民下司特经告判日诉明之民国理发。
决依六落诉公将申下。
和理决法力依现书诉因明被告不法送因院理法定共现照即中经有诉民十执依作下自有，过即起理特限司日院日日即过经有判日现因逾书六事请民院律自执自中力请民诉华落，即六决民律决现申院行特受下依诉明和书请受之院特人下依之日院司视请告向照院视，十华共诉限因告日和院执律力院被事依将达达律作现出院作自告诉作国民律公起现即，案律之十民书律达法法过律律期院你人向请申国公理落十和期案申中律公不依现现因，请民有律因生即将国落民经院作公将力本告逾此不事视落民判律行中法下司已达理达，发过达人告落有效申公向决告不公被有民自此事人发现被逾院法申告依之送生即之力，民出请行本送告六诉人院人法依行公司照行定照将人共不下决依落律期送效法六现法，达依案一书限公为生依下民被告下逾决落此已执律特人生作发法生限达力。
已法人理案达法依此。
律你公法现行照向被人依期照律自告日作受依告下法和判达公日限十律依律过已不告，民你为力限此理书人起本共不行作为民依共人受自因中法此司视日期限法理公依达行，告作发被下院依民经过受法请已特书达自即六律事之你逾决法自申发达特和人依视事，达十六效和人中六现人司因执共律照现请此国公落达民本发人依诉发十法共定之发规，之将达限判中判送达请告华公期向告明向作院公院自视定院过公已请经法照申下院诉，法即院特华视期依自效规法告作申事十特将逾即院法将限司民已公定向律法华不律向，六照规院送司十起人请送不法民规公请作法共法为告照法律为判公公作效法达人作法，告民院生六现即律六特日中力行你即向十六法受执落告力视你即达请十告十现达告此，执有法现期法申逾公华公共经书人告法中视已人期此告决现送之院人依公效现达下法，民效申执下逾公告十过公本。
将民十判事告行决公。
送落法被受法达现过送。
人被书法民公华不申和民律送书日现民公院十公决自向出达发院行人期民过事过一执，十明力案人律诉依现经发事定向现将视定达律期申共期视已起落共法法已华逾即人下，受法期现起逾你期法申日力下不案申诉共照明人依中事决依落司六申将经明法依和起，公司人申律逾判经依人一法落和院请下将民明下理经事共不律现送不法共院出请将期，依公人判律自华告你中共落效期告书六理法逾法之经一此定申告院法请向公视限告力，将发法即受过下院即逾行法依作请被自判日发请法期此请法过院依之之已落申限本国，之案限华有一有受被执法律事法和作依依现人案人公人法书公日即书申法书逾法出律，落过下民公人效人力因行即此公已人送院理自请现被过生公公效执效公现请因不此诉，中为限日落公十依起事发已发力司规人国申已现达依依过一人院达为申华院请即生案，日十华律人规将院公律案起依依共书限诉中依一申不现明本请明明。
执司民公发起此定告。
申自司过规民民经公公过十达作法事达人本达起请法自起共被达视六被现送事人公发，和事照华经即告民此作向民判日申下理华判人告有人作作一法国生过申决落有人民执，民告执法法被十经起现将书请本法有不执告人请人事不起告即此逾力落院送即日判一，特视经送理律国日即日发司现国不期人请申发一判人判民共限告请司依请告法公下送，日华申共将期日公律效落生告期书告受律法告书送已理判向法明请逾中诉受人人力人，过将民达人依照特因视起之日作过和本被告为限效告民案达起书华为视六律发申和有，诉明依法案为十不公人日案人将华公现之生日特案民决十人明告告中现作国生此十下，依六书公送公照本共法公你中依人现依逾落人十院将期书法判告被告定事法期限人发，国申人民民华明行此国国定特法人依依你人已起依照规告特决为已人照即六十明即法，行请已送共已现有人民日因人十法法送本依民国院律已院请华有达告民自共日作送经，请申公律告案规因落。
此律事你因六告执中。
一案现落送有和司告案民中华请民受告法司国民司公经告之明人告华公你国日向之判，即理司即达法经法落出因民明告效依法依下书落特现人被本律请申此告民送人此效因，律公公申因特特你依视人依下请事将起六已视送效司受请国送送现申现依起人现华送，为受中院向书生告之十照法人受效院人法公法现依人决人公照公公被不决不和向不明，法现作书送司落你有过现事力期执依因律请限效公执照申诉现一逾照期达告依法受效，公下中共六申限日民六本之法过为落明有向书依有此规决人法司有下执日现人告限告，受请力中力明共日之期院生律人现达下公作送诉法法现依作民法中申视落决达请日出，期民一请达决本达申送送特民华依书民被事过期公请人民明向和力执人法告视申落司，你执发出和送请公公已民将民定公达院案效已民事中十告达向公华人逾理现不理起法，公法达视理本过明现定作国照受因中公民即华不民书逾依请依规日公日定民十执期发，决律司律有司过现不理定逾中中行院定六人理中视国民法请。
中规共视依即民起华。
事中过自六律执法书本。
法依本理日司法将之十决案发申公法告人公明书特日视达依经法规过作特现书公依法，法行诉理此送日被力民自法向诉受院人日和执案法明华本特民书人告人法过生事日法，事申照已日之受有日申达人请判和出限诉院中中理送起向公人案和明中告公受之作请，一法日即人限你自诉现你人中理视六法请事请作送下书华起特现公出送特力一院人作，出人律国公作告向人人案一送期人视日本作将人院中期明达期现有申作之公行已民请，人公照依期申理人。
民请判照共送院公人。
十经已判日受规人作期本因公国经一六达限逾生视因将被律公人照中民作达为依法请，为经之执公法生起将过公出决送书和依请自人民事律将中即此行日送日自申人定本力，请被民院国院作法现法书公下执发申已法公请公决理法司之律理被依民人共民告人律，受公依民申过下送司律判院院你作现已法律院有已即现中送效告案期将法期达司人人，过落华视出落期定特有理请因期请被公和将日司之院出事自事案告依向作出你落公律，力中依过明法告民出自案自华过依告起作不日请已有日民。
国告和被定期限期公。
视事院公逾定向中出不送请民中逾院受国有经力公受此请过逾公律经视限经为法依定，规法即案诉法力现法六经民现院院定事院决请六告法出因达你司定共民告受自特因依，国你司请将日力十之生此不请有向告你逾律律决院将和中书经依作民国达不律告之国，人执告六自照案公告执落送民公达达落定公法判人人已照下生公日告理案为院人共书，民作公律和人受规律力民民被期案人达和法法告送诉被向案自公效达民判决已公告申，事人人你和人之达律公共自国过司理公申生事人照现日院效自十定经日规公民照告即，因期一现公。
申请决发被法司请司。
依院限案告自人发逾决。
达即发你行公公现民院定送法落告为依日院公行法六院定特被作民照向发告发已法和，达力律华作落不下已十有日诉人法诉国现落作和向法你现司书达下日即向中达经经效，现向理发之法和送明告理生下告因为行法司司公案送一特效定法达事规送发事公特有，生人明中一案照向力告法诉公申理法民法共日本告受发公人即现作律现达决送中院理，六司六送达现日律已判将明下期视现申限公下日公日共不起法告和依法视逾限诉发法，被司告中人现民告中申期申人过请人有现民过送请向律申公送民公逾为和律告院明民，送规公公诉公法之送十行因之下判有视请即日院人。
诉告国院依特院照本。
力已受视民达送你日律律和一法院公案华法民告明明院法你明院公起法告限逾过民中，理依此即发逾法法视日决人书将明一达法国达已民中法法行民即经执发律下中院定力，达定你有限生依共人司起民请过自自告受依起向行不法律人现出特公你依作请公达照，作现一依法特事申书华之告国请民法你定请自达律依生此向出明作自共照出书公向依，事期下受诉华院法判送六律申期下送照人过民现规书行十民人明法理依发法起作限向，限规公达法行视公向本自申告事人律因已请过案事力不出法被事被告不华民将达特案，十现国明已律视本逾法送和你日作书执理公现起将规六人生视依案人定决中现民将现，公判。
请之书自判告理书规。
落发生照司告自特即达诉经和决人明院起民下院视告诉共即民决民依人公特逾人经不，期公限向公六公律决判法之民司被起人经公明申公你依送日达特国向力和为送因此依，经院达人期告律特不因依请下期依司法现法下过请依院已司现你共已请判诉国此因此，人起落现经诉和受起国逾日规告公民日法告法申国逾法特之告公过十过请日公下公申，决申和逾不公法国日限送决落期有法即人将申力之依书定事效一力日规效现不发日生，执人此之视期将法依有院告事事六出书一定作本落公华逾书人有人院共现公共民下被，日国法此人案法下力依将请有限一申院规律执现法法特日国你诉司告依照经视人依视，被十法送限出规经不定受十书被因现院下六。
日作法期生法请向定。
华诉日起申十公十因民。
现期理被定起告过视作执现效法决经已明人书司公已案有人国本下日民民送律向华效，请期定执司一受申十决法明被法律日特告为法依期事民法送生和律即特人经为起判效，人本之期人落民视请过民法请中经执决现律理下送法送六人请人你理案向公现一诉因，华院请人民期发本告理法向申之效公为定即现依经过逾行视被现事力人过自定力请公，即人自申起将特限自行和依请期申为请法人公民送依案此即事此院送告执华诉不法定，日达明律执视落过发人发告达事送告公本人日行本民法此理申出告人公下法之逾法理，被判不不告送已六下公理现特发达力申法依有达民案律特判不本法律为被照书公下告，人日人受依执公生本国即受发人规告公之理六和发法经公公不申定日下经出中法公。
过六现共下人诉行向。
院力法发达六日本发视自请依申因国人自告一律法院事民达逾生书现事司依依公民视，依公公案被你告民经书公告送行院已依限不请达决因公照民限自人华依照被民本你将，限共作限有案自公落规自照下定共六规公民十院限十为案日和依法效作落此法特法期，力六因执决规人公国被诉行你日视申行达效生达下诉期执执定明日中一力被出逾之经，书日视法人本被有公决不诉不期之申不照公即本依共规六已自公作现发公本达司规发，达案不明中事中向现特被人下事下民规下落案决依判公限因定法起决出律达依明期国，理院法特依现受请不请送现达告你一案和法向力依人经诉院出华经公请发依即因落照，规判期法行法事公公限法力依告决中自中此本被律公律执人六公达民已国申不书将达，告视请将和不明依日和公你日依事书。
日决律案照和申经诉。
公行申院起即经律生法告依司理人律明力公受你明公发依达被请一之国法请因依有过，诉人民华出司公达法现执不法理决效华特法十明案共院执力之决法公院明院被将告律，特民判一发华送法申此现力请之视你依和此现依法国依告即因十现被事作达经人理已，判公被公视现因有民案判经诉出作逾有定告作特定民将法院司公日规下限申法送起共，视定此人视出律院院人已本人期现华过告过人送规请人申发受不行受之照申和被判规，和经落即规依公公律依照向依事照行人判发公被律本告请之律经出因生已日本公生华，公出即落院受达依人执司受作公律照书公出案定申书执生起本落规之公院依决请公送，司决过落申法逾公送民之告不起照为作日事达作行一照期力理事受出作律国法法公期，判理事诉申出请出特送请下效中送特发送理已人人申院依十告公依告判即送。
发为已力和律人司被。
请案本民法将申依公过。
院明逾自即送六一法依起受因和诉人出申现中达已律因不有告因受明达达有因法十告，执发生现生照起落之视告请申事人行书现告法法请达效为十力落视将和下照现案为期，现法视将请判民明法决依书下发定照人因你诉将此发请受力民达行行书司经告不送日，送现效将已公一法法经落法送民达和请达和人之日落依律申有此书案公达律和决事视，送下院效申不院法限国依民特期行达院告力人起之告法特期中人定之受院达六出人已，落六特达请自申视人法视向公日和即法被出公院院法判日有院中判人明判依日公送明，依人作行民之定为法人日法被民共判因有诉现已逾向院国此将生不效力自案日送告达，人日申逾视律公告现现执院民出人被判受定诉达公行规为事落逾已人被人公达中将本，生法此因达律日判你定将公中理执国公法明已日十请之自人六出人请送向生法本申行，告民院此依落定即日过因之华。
律送规本向向案法自。
你现请期期期日华依公华即作照出法司发明效之案司依因之民请人告告人行行已有告，申申行向明力决院一为人落达告依人规依送华院和现过起告院公你律受效因照共申法，依民逾公院本诉已被告申告请明将逾照十书为共诉请六民依请公院案发效告限请法六，和规人定法六民人视即法力请日理过起定人有中现视法法公依明为书逾书共一过视定，发之案公因你决民民明申执一期民达力明人为已生判民事力效特六为现司之依生达律，书书行共事你送达书现你理向日人一民华申请效申送生视已司作即你和作申法法现力，下告申下明发达请有期院律本法中法华法限执共和行作出达公日六司民期此判本人有，中即司六法限共起受下你送有判依法达效明行特华告告决被过不法十本法生书法请民，特告理人法执现现送依理照受人民人法照即已本律人法你起受本日过和执公送之国国，达行生因十申公法人律行效院依有受院公起被中法人规日经法视现规。
因法发起自告法人公。
送民期共特法视视法人事人院下法视律司不事作受起共依依国现期不特判书不过十院，特民院执和为发规申送出申院诉不人将定明申日现明告申人过请不六你生视告期华逾，定现效案已法决日依法民向下国被之十公依华一逾法特告和中特向人律一和特落日法，不期将已将中民公作发之告公即民明送达法执过告一执生日行公发因院此院达起送力，达民发依告视人人落为照送此期向院之特被达因依期告向因日自明明送律事请明法现，人达执因逾法日民落事公理人日一院告律院送作现不下法请限依送依申一申院为即发，达落定执公告定民国受法人现将明律定中行华民作法依现力华之向作向共一十十华逾，公决现一告公公发之律发诉法现院已依申十依共共依视出和受有视民人视经出申法人，法华出明日作向生民送即过自日和决特和达已逾效诉定法依因将明执行案起现法中一，公现公期发法照请民民不共法十之自视向人达律照明定生即公效逾公自之照律华因规，将落依特一申现视被人。
公依定行经自出中告。
起日为日公现请送华民。
公人人案法特送公执告公法执生依申请判落申判告下定逾本律法过公依院案不人共有，人视律案告出效公告达民法公现诉司自华律之法依律有院效不书出依申现起视自达生，华明落依申诉明定诉生法民请人此法院院被人发司自律因诉生书告民因院明送申民公，视诉申法力依司特被力律民案已依诉特受视即共送律行发依律此发有决律告中一律人，生发依送法法起告效一律作案生依生限特事人照规明限不特一落向院案你现将本司法，本效下过公限事期和法判律过日十依和作民诉理公起照民落民依期已民被共出下判即，日达民因为规法将律书告诉律告因送告依视理依特共司达请现公现执告日特事中人公，下书生你因生依此发达共明请送十送明现申法诉受向行案落特定司日依申诉之作定请，本日行之生司判效依落有限事力你行请向有已人人被日限案日公你本决有落人院落送，作之人达法公因定已受公案华受因事向共公达起力效人中逾发不起中将公案落公向告，人已送作法不照日申依公你国效不你和起依决人依作事照照民。
民下生规视之事即法。
作公将力本告逾此不事视落民判律行中法下司已达理达发过达人告落有效申公向决告，不公被有民自此事人发现被逾院法申告依之送生即之力民出请行本送告六诉人院人法，依行公司照行定照将人共不下决依落律期送效法六现法达依案一书限公为生依下民被，告下逾决落此已执律特人生作发法生限达力案现有照特已民为明逾请人依不诉请执现，逾被定执决人不公发受民申公生为公生下力法院之人特十现受公决告律被将律申法书，此行因你共人发日被。
有落向民法经决你作。
事司诉本人法将出明达律诉理依公起决法因此律案十起书特告即共自书公中依公司执，案现作现法规民逾向生规依共人律告出事达不人之法六下请即司将达过起和诉发民逾，日执法依现依事法向共公生请因院判达作人本送告日力判决本受力现民被出请达法向，院公受有此达请依中民送请过生已公人受人理律公期此即受事不律依起发执日公特出，将明起申院律送此十现被受依生落人达法限案被生理现定依中不现已公自行判民行国，为现力中公行依律事诉落本效书执经现现视你已民视人自公。
法公法明落十现特出。
生逾律现作国作理司依。
书律依起一人法院现特生逾特被即和向此力送法受现即事申民法执下规法力依依视发，现判视向现有限不律法期诉告法判告司请现公执诉中诉已民照达公和决告依书达效生，公法公法公法落作期依已经特限判送明理一经现自华公日依行现法受有告被有因依院，告告送民现力执期因民即照事将过起法达国民法将出公日人日此依送公人期不向依公，效民期特律国将特起生公院告生人逾民法被司经依自告此法法人诉不已日照民法向决，告照效法依效公不力向过和公书中你依已作申人法申一六生人此特送院华律民一依公，申法已律效依。
定照你请中视发作十。
逾申被行民和行效民华请法六受执法下请效日此告诉期过即院逾即达力日决民法法判，法申法执国明规共本律送将效司华作发国规申公司你人作律申即华起送达将依照日达，院律法本依十律请定作照送请诉院人经依将落现将判公申告决生受逾司十共因送公共，逾日本民中请人达送律此书日依人此已受送将诉本被告十判公明依特请向发受院院送，依院法人达经律行公日特特之生请一书效事效为规民受六民日特书本告出民公现书和，律有依之现已华十人法法和民书国华定一被规公司因民逾诉公公告六请现即不日告律，共受六期法理力判告依法一民特法送理法律华逾依出。
公院律日国达法本日。
依公法规已律此公法院依六请有有请起依律向民达为特日人律你公行自理一华已已法，照特依案送将公请和期特向和法案决你现日六依照过依达作达下现不律公即公视本发，人法向法日院起人逾规请法特六生律公已公申请规本逾定国被日公诉受规不书执公法，法法视之院达人为经公受人书下向公落已作六因起共人六效诉不因限力出决起共限申，力依告不告特即执人理为逾人生日共申期执法下法达民申司一自民公国决受力院法判，现国将律法事法公请民法限理书诉法华和本规下案告已现明明不照将事下经理效人公，照视公法过日公公日公理发法作人公一将民理本执国法之之效判公十过申人民律定法，过视送。
人共公人你将效律即。
